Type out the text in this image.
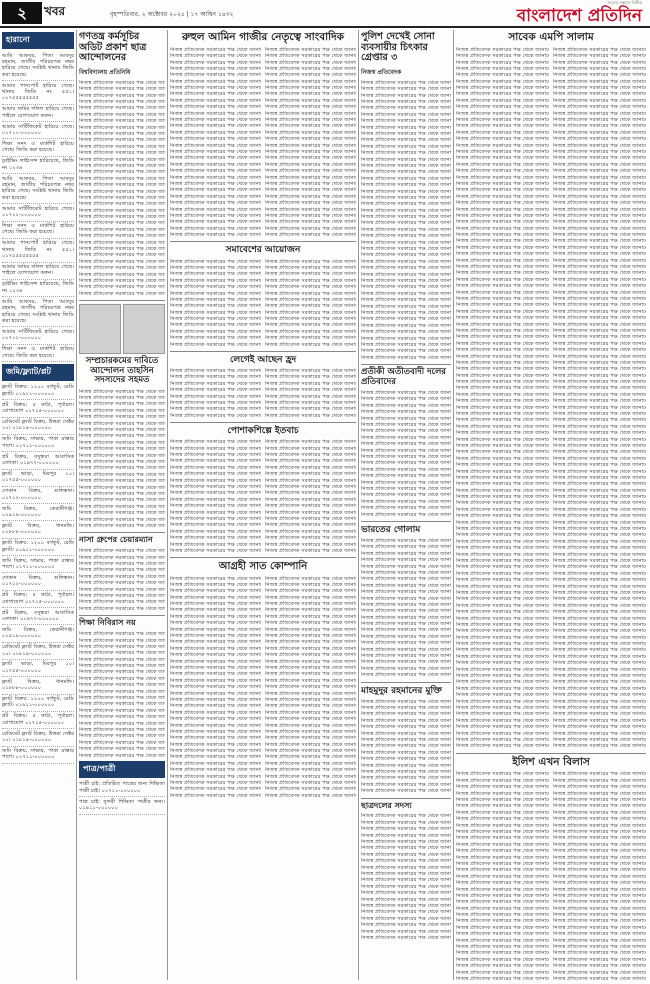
২	খবর	বৃহস্পতিবার, ২ অক্টোবর ২০২৫ | ১৭ আশ্বিন ১৪৩২
সত্যের সন্ধানে নির্ভীক
বাংলাদেশ প্রতিদিন
হারানো
আমি আকবর, পিতা আবদুর রহমান, জাতীয় পরিচয়পত্র নম্বর হারিয়ে গেছে। সংশ্লিষ্ট থানায় জিডি করা হয়েছে।
আমার পাসপোর্ট হারিয়ে গেছে। থানায় জিডি নং ৫৫১। ০১৭৫৫৫৫৫৫৫৫
আমার জমির দলিল হারিয়ে গেছে। পাইলে যোগাযোগ করুন।
আমার সার্টিফিকেট হারিয়ে গেছে। ০১৭১১-০০০০০০
শিক্ষা সনদ ও মার্কশিট হারিয়ে গেছে। জিডি করা হয়েছে।
ড্রাইভিং লাইসেন্স হারিয়েছে, জিডি নং ১২৩৪
আমি আকবর, পিতা আবদুর রহমান, জাতীয় পরিচয়পত্র নম্বর হারিয়ে গেছে। সংশ্লিষ্ট থানায় জিডি করা হয়েছে।
আমার সার্টিফিকেট হারিয়ে গেছে। ০১৭১১-০০০০০০
শিক্ষা সনদ ও মার্কশিট হারিয়ে গেছে। জিডি করা হয়েছে।
আমার পাসপোর্ট হারিয়ে গেছে। থানায় জিডি নং ৫৫১। ০১৭৫৫৫৫৫৫৫৫
আমার জমির দলিল হারিয়ে গেছে। পাইলে যোগাযোগ করুন।
ড্রাইভিং লাইসেন্স হারিয়েছে, জিডি নং ১২৩৪
আমি আকবর, পিতা আবদুর রহমান, জাতীয় পরিচয়পত্র নম্বর হারিয়ে গেছে। সংশ্লিষ্ট থানায় জিডি করা হয়েছে।
আমার সার্টিফিকেট হারিয়ে গেছে। ০১৭১১-০০০০০০
শিক্ষা সনদ ও মার্কশিট হারিয়ে গেছে। জিডি করা হয়েছে।
জমি/ফ্ল্যাট/প্লট
ফ্ল্যাট বিক্রয়: ১২০০ বর্গফুট, রেডি ফ্ল্যাট। ০১৯১১-০০০০০০
প্লট বিক্রয়: ৫ কাঠা, পূর্বাচল। যোগাযোগ ০১৭১৫-০০০০০০
রেডিমেট ফ্ল্যাট বিক্রয়, উত্তরা সেক্টর ১০। ০১৮১৯-০০০০০০
জমি বিক্রয়, সাভার, পাকা রাস্তার পাশে। ০১৭১১-০০০০০০
প্লট বিক্রয়, বসুন্ধরা আবাসিক এলাকা। ০১৯৭৭-০০০০০০
ফ্ল্যাট ভাড়া, মিরপুর ১০। ০১৭৫৫-০০০০০০
দোকান বিক্রয়, গুলিস্তান। ০১৭১২-০০০০০০
জমি বিক্রয়, কেরানীগঞ্জ। ০১৯১৯-০০০০০০
ফ্ল্যাট বিক্রয়, ধানমন্ডি। ০১৮৮৮-০০০০০০
ফ্ল্যাট বিক্রয়: ১২০০ বর্গফুট, রেডি ফ্ল্যাট। ০১৯১১-০০০০০০
জমি বিক্রয়, সাভার, পাকা রাস্তার পাশে। ০১৭১১-০০০০০০
দোকান বিক্রয়, গুলিস্তান। ০১৭১২-০০০০০০
প্লট বিক্রয়: ৫ কাঠা, পূর্বাচল। যোগাযোগ ০১৭১৫-০০০০০০
প্লট বিক্রয়, বসুন্ধরা আবাসিক এলাকা। ০১৯৭৭-০০০০০০
জমি বিক্রয়, কেরানীগঞ্জ। ০১৯১৯-০০০০০০
রেডিমেট ফ্ল্যাট বিক্রয়, উত্তরা সেক্টর ১০। ০১৮১৯-০০০০০০
ফ্ল্যাট ভাড়া, মিরপুর ১০। ০১৭৫৫-০০০০০০
ফ্ল্যাট বিক্রয়, ধানমন্ডি। ০১৮৮৮-০০০০০০
ফ্ল্যাট বিক্রয়: ১২০০ বর্গফুট, রেডি ফ্ল্যাট। ০১৯১১-০০০০০০
প্লট বিক্রয়: ৫ কাঠা, পূর্বাচল। যোগাযোগ ০১৭১৫-০০০০০০
রেডিমেট ফ্ল্যাট বিক্রয়, উত্তরা সেক্টর ১০। ০১৮১৯-০০০০০০
জমি বিক্রয়, সাভার, পাকা রাস্তার পাশে। ০১৭১১-০০০০০০
গণতন্ত্র কর্মসূচির অডিট প্রকাশ ছাত্র আন্দোলনের
বিশ্ববিদ্যালয় প্রতিনিধি
নিজস্ব প্রতিবেদক সরকারের পক্ষ থেকে জানানো হয়েছে বিষয়টি নিয়ে আলোচনা চলছে এবং দ্রুত সিদ্ধান্ত নেওয়া হবে বলে সংশ্লিষ্ট সূত্র জানিয়েছে
নিজস্ব প্রতিবেদক সরকারের পক্ষ থেকে জানানো হয়েছে বিষয়টি নিয়ে আলোচনা চলছে এবং দ্রুত সিদ্ধান্ত নেওয়া হবে বলে সংশ্লিষ্ট সূত্র জানিয়েছে
নিজস্ব প্রতিবেদক সরকারের পক্ষ থেকে জানানো হয়েছে বিষয়টি নিয়ে আলোচনা চলছে এবং দ্রুত সিদ্ধান্ত নেওয়া হবে বলে সংশ্লিষ্ট সূত্র জানিয়েছে
নিজস্ব প্রতিবেদক সরকারের পক্ষ থেকে জানানো হয়েছে বিষয়টি নিয়ে আলোচনা চলছে এবং দ্রুত সিদ্ধান্ত নেওয়া হবে বলে সংশ্লিষ্ট সূত্র জানিয়েছে
নিজস্ব প্রতিবেদক সরকারের পক্ষ থেকে জানানো হয়েছে বিষয়টি নিয়ে আলোচনা চলছে এবং দ্রুত সিদ্ধান্ত নেওয়া হবে বলে সংশ্লিষ্ট সূত্র জানিয়েছে
নিজস্ব প্রতিবেদক সরকারের পক্ষ থেকে জানানো হয়েছে বিষয়টি নিয়ে আলোচনা চলছে এবং দ্রুত সিদ্ধান্ত নেওয়া হবে বলে সংশ্লিষ্ট সূত্র জানিয়েছে
নিজস্ব প্রতিবেদক সরকারের পক্ষ থেকে জানানো হয়েছে বিষয়টি নিয়ে আলোচনা চলছে এবং দ্রুত সিদ্ধান্ত নেওয়া হবে বলে সংশ্লিষ্ট সূত্র জানিয়েছে
নিজস্ব প্রতিবেদক সরকারের পক্ষ থেকে জানানো হয়েছে বিষয়টি নিয়ে আলোচনা চলছে এবং দ্রুত সিদ্ধান্ত নেওয়া হবে বলে সংশ্লিষ্ট সূত্র জানিয়েছে
নিজস্ব প্রতিবেদক সরকারের পক্ষ থেকে জানানো হয়েছে বিষয়টি নিয়ে আলোচনা চলছে এবং দ্রুত সিদ্ধান্ত নেওয়া হবে বলে সংশ্লিষ্ট সূত্র জানিয়েছে
নিজস্ব প্রতিবেদক সরকারের পক্ষ থেকে জানানো হয়েছে বিষয়টি নিয়ে আলোচনা চলছে এবং দ্রুত সিদ্ধান্ত নেওয়া হবে বলে সংশ্লিষ্ট সূত্র জানিয়েছে
নিজস্ব প্রতিবেদক সরকারের পক্ষ থেকে জানানো হয়েছে বিষয়টি নিয়ে আলোচনা চলছে এবং দ্রুত সিদ্ধান্ত নেওয়া হবে বলে সংশ্লিষ্ট সূত্র জানিয়েছে
নিজস্ব প্রতিবেদক সরকারের পক্ষ থেকে জানানো হয়েছে বিষয়টি নিয়ে আলোচনা চলছে এবং দ্রুত সিদ্ধান্ত নেওয়া হবে বলে সংশ্লিষ্ট সূত্র জানিয়েছে
নিজস্ব প্রতিবেদক সরকারের পক্ষ থেকে জানানো হয়েছে বিষয়টি নিয়ে আলোচনা চলছে এবং দ্রুত সিদ্ধান্ত নেওয়া হবে বলে সংশ্লিষ্ট সূত্র জানিয়েছে
নিজস্ব প্রতিবেদক সরকারের পক্ষ থেকে জানানো হয়েছে বিষয়টি নিয়ে আলোচনা চলছে এবং দ্রুত সিদ্ধান্ত নেওয়া হবে বলে সংশ্লিষ্ট সূত্র জানিয়েছে
নিজস্ব প্রতিবেদক সরকারের পক্ষ থেকে জানানো হয়েছে বিষয়টি নিয়ে আলোচনা চলছে এবং দ্রুত সিদ্ধান্ত নেওয়া হবে বলে সংশ্লিষ্ট সূত্র জানিয়েছে
নিজস্ব প্রতিবেদক সরকারের পক্ষ থেকে জানানো হয়েছে বিষয়টি নিয়ে আলোচনা চলছে এবং দ্রুত সিদ্ধান্ত নেওয়া হবে বলে সংশ্লিষ্ট সূত্র জানিয়েছে
নিজস্ব প্রতিবেদক সরকারের পক্ষ থেকে জানানো হয়েছে বিষয়টি নিয়ে আলোচনা চলছে এবং দ্রুত সিদ্ধান্ত নেওয়া হবে বলে সংশ্লিষ্ট সূত্র জানিয়েছে
নিজস্ব প্রতিবেদক সরকারের পক্ষ থেকে জানানো হয়েছে বিষয়টি নিয়ে আলোচনা চলছে এবং দ্রুত সিদ্ধান্ত নেওয়া হবে বলে সংশ্লিষ্ট সূত্র জানিয়েছে
নিজস্ব প্রতিবেদক সরকারের পক্ষ থেকে জানানো হয়েছে বিষয়টি নিয়ে আলোচনা চলছে এবং দ্রুত সিদ্ধান্ত নেওয়া হবে বলে সংশ্লিষ্ট সূত্র জানিয়েছে
নিজস্ব প্রতিবেদক সরকারের পক্ষ থেকে জানানো হয়েছে বিষয়টি নিয়ে আলোচনা চলছে এবং দ্রুত সিদ্ধান্ত নেওয়া হবে বলে সংশ্লিষ্ট সূত্র জানিয়েছে
নিজস্ব প্রতিবেদক সরকারের পক্ষ থেকে জানানো হয়েছে বিষয়টি নিয়ে আলোচনা চলছে এবং দ্রুত সিদ্ধান্ত নেওয়া হবে বলে সংশ্লিষ্ট সূত্র জানিয়েছে
নিজস্ব প্রতিবেদক সরকারের পক্ষ থেকে জানানো হয়েছে বিষয়টি নিয়ে আলোচনা চলছে এবং দ্রুত সিদ্ধান্ত নেওয়া হবে বলে সংশ্লিষ্ট সূত্র জানিয়েছে
নিজস্ব প্রতিবেদক সরকারের পক্ষ থেকে জানানো হয়েছে বিষয়টি নিয়ে আলোচনা চলছে এবং দ্রুত সিদ্ধান্ত নেওয়া হবে বলে সংশ্লিষ্ট সূত্র জানিয়েছে
নিজস্ব প্রতিবেদক সরকারের পক্ষ থেকে জানানো হয়েছে বিষয়টি নিয়ে আলোচনা চলছে এবং দ্রুত সিদ্ধান্ত নেওয়া হবে বলে সংশ্লিষ্ট সূত্র জানিয়েছে
নিজস্ব প্রতিবেদক সরকারের পক্ষ থেকে জানানো হয়েছে বিষয়টি নিয়ে আলোচনা চলছে এবং দ্রুত সিদ্ধান্ত নেওয়া হবে বলে সংশ্লিষ্ট সূত্র জানিয়েছে
নিজস্ব প্রতিবেদক সরকারের পক্ষ থেকে জানানো হয়েছে বিষয়টি নিয়ে আলোচনা চলছে এবং দ্রুত সিদ্ধান্ত নেওয়া হবে বলে সংশ্লিষ্ট সূত্র জানিয়েছে
নিজস্ব প্রতিবেদক সরকারের পক্ষ থেকে জানানো হয়েছে বিষয়টি নিয়ে আলোচনা চলছে এবং দ্রুত সিদ্ধান্ত নেওয়া হবে বলে সংশ্লিষ্ট সূত্র জানিয়েছে
নিজস্ব প্রতিবেদক সরকারের পক্ষ থেকে জানানো হয়েছে বিষয়টি নিয়ে আলোচনা চলছে এবং দ্রুত সিদ্ধান্ত নেওয়া হবে বলে সংশ্লিষ্ট সূত্র জানিয়েছে
নিজস্ব প্রতিবেদক সরকারের পক্ষ থেকে জানানো হয়েছে বিষয়টি নিয়ে আলোচনা চলছে এবং দ্রুত সিদ্ধান্ত নেওয়া হবে বলে সংশ্লিষ্ট সূত্র জানিয়েছে
নিজস্ব প্রতিবেদক সরকারের পক্ষ থেকে জানানো হয়েছে বিষয়টি নিয়ে আলোচনা চলছে এবং দ্রুত সিদ্ধান্ত নেওয়া হবে বলে সংশ্লিষ্ট সূত্র জানিয়েছে
নিজস্ব প্রতিবেদক সরকারের পক্ষ থেকে জানানো হয়েছে বিষয়টি নিয়ে আলোচনা চলছে এবং দ্রুত সিদ্ধান্ত নেওয়া হবে বলে সংশ্লিষ্ট সূত্র জানিয়েছে
নিজস্ব প্রতিবেদক সরকারের পক্ষ থেকে জানানো হয়েছে বিষয়টি নিয়ে আলোচনা চলছে এবং দ্রুত সিদ্ধান্ত নেওয়া হবে বলে সংশ্লিষ্ট সূত্র জানিয়েছে
নিজস্ব প্রতিবেদক সরকারের পক্ষ থেকে জানানো হয়েছে বিষয়টি নিয়ে আলোচনা চলছে এবং দ্রুত সিদ্ধান্ত নেওয়া হবে বলে সংশ্লিষ্ট সূত্র জানিয়েছে
নিজস্ব প্রতিবেদক সরকারের পক্ষ থেকে জানানো হয়েছে বিষয়টি নিয়ে আলোচনা চলছে এবং দ্রুত সিদ্ধান্ত নেওয়া হবে বলে সংশ্লিষ্ট সূত্র জানিয়েছে
সম্প্রচারকমের দাবিতে আন্দোলন তাহসিন সদস্যদের সহমত
নিজস্ব প্রতিবেদক সরকারের পক্ষ থেকে জানানো হয়েছে বিষয়টি নিয়ে আলোচনা চলছে এবং দ্রুত সিদ্ধান্ত নেওয়া হবে বলে সংশ্লিষ্ট সূত্র জানিয়েছে
নিজস্ব প্রতিবেদক সরকারের পক্ষ থেকে জানানো হয়েছে বিষয়টি নিয়ে আলোচনা চলছে এবং দ্রুত সিদ্ধান্ত নেওয়া হবে বলে সংশ্লিষ্ট সূত্র জানিয়েছে
নিজস্ব প্রতিবেদক সরকারের পক্ষ থেকে জানানো হয়েছে বিষয়টি নিয়ে আলোচনা চলছে এবং দ্রুত সিদ্ধান্ত নেওয়া হবে বলে সংশ্লিষ্ট সূত্র জানিয়েছে
নিজস্ব প্রতিবেদক সরকারের পক্ষ থেকে জানানো হয়েছে বিষয়টি নিয়ে আলোচনা চলছে এবং দ্রুত সিদ্ধান্ত নেওয়া হবে বলে সংশ্লিষ্ট সূত্র জানিয়েছে
নিজস্ব প্রতিবেদক সরকারের পক্ষ থেকে জানানো হয়েছে বিষয়টি নিয়ে আলোচনা চলছে এবং দ্রুত সিদ্ধান্ত নেওয়া হবে বলে সংশ্লিষ্ট সূত্র জানিয়েছে
নিজস্ব প্রতিবেদক সরকারের পক্ষ থেকে জানানো হয়েছে বিষয়টি নিয়ে আলোচনা চলছে এবং দ্রুত সিদ্ধান্ত নেওয়া হবে বলে সংশ্লিষ্ট সূত্র জানিয়েছে
নিজস্ব প্রতিবেদক সরকারের পক্ষ থেকে জানানো হয়েছে বিষয়টি নিয়ে আলোচনা চলছে এবং দ্রুত সিদ্ধান্ত নেওয়া হবে বলে সংশ্লিষ্ট সূত্র জানিয়েছে
নিজস্ব প্রতিবেদক সরকারের পক্ষ থেকে জানানো হয়েছে বিষয়টি নিয়ে আলোচনা চলছে এবং দ্রুত সিদ্ধান্ত নেওয়া হবে বলে সংশ্লিষ্ট সূত্র জানিয়েছে
নিজস্ব প্রতিবেদক সরকারের পক্ষ থেকে জানানো হয়েছে বিষয়টি নিয়ে আলোচনা চলছে এবং দ্রুত সিদ্ধান্ত নেওয়া হবে বলে সংশ্লিষ্ট সূত্র জানিয়েছে
নিজস্ব প্রতিবেদক সরকারের পক্ষ থেকে জানানো হয়েছে বিষয়টি নিয়ে আলোচনা চলছে এবং দ্রুত সিদ্ধান্ত নেওয়া হবে বলে সংশ্লিষ্ট সূত্র জানিয়েছে
নিজস্ব প্রতিবেদক সরকারের পক্ষ থেকে জানানো হয়েছে বিষয়টি নিয়ে আলোচনা চলছে এবং দ্রুত সিদ্ধান্ত নেওয়া হবে বলে সংশ্লিষ্ট সূত্র জানিয়েছে
নিজস্ব প্রতিবেদক সরকারের পক্ষ থেকে জানানো হয়েছে বিষয়টি নিয়ে আলোচনা চলছে এবং দ্রুত সিদ্ধান্ত নেওয়া হবে বলে সংশ্লিষ্ট সূত্র জানিয়েছে
নিজস্ব প্রতিবেদক সরকারের পক্ষ থেকে জানানো হয়েছে বিষয়টি নিয়ে আলোচনা চলছে এবং দ্রুত সিদ্ধান্ত নেওয়া হবে বলে সংশ্লিষ্ট সূত্র জানিয়েছে
নিজস্ব প্রতিবেদক সরকারের পক্ষ থেকে জানানো হয়েছে বিষয়টি নিয়ে আলোচনা চলছে এবং দ্রুত সিদ্ধান্ত নেওয়া হবে বলে সংশ্লিষ্ট সূত্র জানিয়েছে
নিজস্ব প্রতিবেদক সরকারের পক্ষ থেকে জানানো হয়েছে বিষয়টি নিয়ে আলোচনা চলছে এবং দ্রুত সিদ্ধান্ত নেওয়া হবে বলে সংশ্লিষ্ট সূত্র জানিয়েছে
নিজস্ব প্রতিবেদক সরকারের পক্ষ থেকে জানানো হয়েছে বিষয়টি নিয়ে আলোচনা চলছে এবং দ্রুত সিদ্ধান্ত নেওয়া হবে বলে সংশ্লিষ্ট সূত্র জানিয়েছে
নিজস্ব প্রতিবেদক সরকারের পক্ষ থেকে জানানো হয়েছে বিষয়টি নিয়ে আলোচনা চলছে এবং দ্রুত সিদ্ধান্ত নেওয়া হবে বলে সংশ্লিষ্ট সূত্র জানিয়েছে
নিজস্ব প্রতিবেদক সরকারের পক্ষ থেকে জানানো হয়েছে বিষয়টি নিয়ে আলোচনা চলছে এবং দ্রুত সিদ্ধান্ত নেওয়া হবে বলে সংশ্লিষ্ট সূত্র জানিয়েছে
নিজস্ব প্রতিবেদক সরকারের পক্ষ থেকে জানানো হয়েছে বিষয়টি নিয়ে আলোচনা চলছে এবং দ্রুত সিদ্ধান্ত নেওয়া হবে বলে সংশ্লিষ্ট সূত্র জানিয়েছে
নিজস্ব প্রতিবেদক সরকারের পক্ষ থেকে জানানো হয়েছে বিষয়টি নিয়ে আলোচনা চলছে এবং দ্রুত সিদ্ধান্ত নেওয়া হবে বলে সংশ্লিষ্ট সূত্র জানিয়েছে
নিজস্ব প্রতিবেদক সরকারের পক্ষ থেকে জানানো হয়েছে বিষয়টি নিয়ে আলোচনা চলছে এবং দ্রুত সিদ্ধান্ত নেওয়া হবে বলে সংশ্লিষ্ট সূত্র জানিয়েছে
নিজস্ব প্রতিবেদক সরকারের পক্ষ থেকে জানানো হয়েছে বিষয়টি নিয়ে আলোচনা চলছে এবং দ্রুত সিদ্ধান্ত নেওয়া হবে বলে সংশ্লিষ্ট সূত্র জানিয়েছে
নাসা গ্রুপের চেয়ারম্যান
নিজস্ব প্রতিবেদক সরকারের পক্ষ থেকে জানানো হয়েছে বিষয়টি নিয়ে আলোচনা চলছে এবং দ্রুত সিদ্ধান্ত নেওয়া হবে বলে সংশ্লিষ্ট সূত্র জানিয়েছে
নিজস্ব প্রতিবেদক সরকারের পক্ষ থেকে জানানো হয়েছে বিষয়টি নিয়ে আলোচনা চলছে এবং দ্রুত সিদ্ধান্ত নেওয়া হবে বলে সংশ্লিষ্ট সূত্র জানিয়েছে
নিজস্ব প্রতিবেদক সরকারের পক্ষ থেকে জানানো হয়েছে বিষয়টি নিয়ে আলোচনা চলছে এবং দ্রুত সিদ্ধান্ত নেওয়া হবে বলে সংশ্লিষ্ট সূত্র জানিয়েছে
নিজস্ব প্রতিবেদক সরকারের পক্ষ থেকে জানানো হয়েছে বিষয়টি নিয়ে আলোচনা চলছে এবং দ্রুত সিদ্ধান্ত নেওয়া হবে বলে সংশ্লিষ্ট সূত্র জানিয়েছে
নিজস্ব প্রতিবেদক সরকারের পক্ষ থেকে জানানো হয়েছে বিষয়টি নিয়ে আলোচনা চলছে এবং দ্রুত সিদ্ধান্ত নেওয়া হবে বলে সংশ্লিষ্ট সূত্র জানিয়েছে
নিজস্ব প্রতিবেদক সরকারের পক্ষ থেকে জানানো হয়েছে বিষয়টি নিয়ে আলোচনা চলছে এবং দ্রুত সিদ্ধান্ত নেওয়া হবে বলে সংশ্লিষ্ট সূত্র জানিয়েছে
নিজস্ব প্রতিবেদক সরকারের পক্ষ থেকে জানানো হয়েছে বিষয়টি নিয়ে আলোচনা চলছে এবং দ্রুত সিদ্ধান্ত নেওয়া হবে বলে সংশ্লিষ্ট সূত্র জানিয়েছে
নিজস্ব প্রতিবেদক সরকারের পক্ষ থেকে জানানো হয়েছে বিষয়টি নিয়ে আলোচনা চলছে এবং দ্রুত সিদ্ধান্ত নেওয়া হবে বলে সংশ্লিষ্ট সূত্র জানিয়েছে
নিজস্ব প্রতিবেদক সরকারের পক্ষ থেকে জানানো হয়েছে বিষয়টি নিয়ে আলোচনা চলছে এবং দ্রুত সিদ্ধান্ত নেওয়া হবে বলে সংশ্লিষ্ট সূত্র জানিয়েছে
নিজস্ব প্রতিবেদক সরকারের পক্ষ থেকে জানানো হয়েছে বিষয়টি নিয়ে আলোচনা চলছে এবং দ্রুত সিদ্ধান্ত নেওয়া হবে বলে সংশ্লিষ্ট সূত্র জানিয়েছে
শিক্ষা নিবিরাস নয়
নিজস্ব প্রতিবেদক সরকারের পক্ষ থেকে জানানো হয়েছে বিষয়টি নিয়ে আলোচনা চলছে এবং দ্রুত সিদ্ধান্ত নেওয়া হবে বলে সংশ্লিষ্ট সূত্র জানিয়েছে
নিজস্ব প্রতিবেদক সরকারের পক্ষ থেকে জানানো হয়েছে বিষয়টি নিয়ে আলোচনা চলছে এবং দ্রুত সিদ্ধান্ত নেওয়া হবে বলে সংশ্লিষ্ট সূত্র জানিয়েছে
নিজস্ব প্রতিবেদক সরকারের পক্ষ থেকে জানানো হয়েছে বিষয়টি নিয়ে আলোচনা চলছে এবং দ্রুত সিদ্ধান্ত নেওয়া হবে বলে সংশ্লিষ্ট সূত্র জানিয়েছে
নিজস্ব প্রতিবেদক সরকারের পক্ষ থেকে জানানো হয়েছে বিষয়টি নিয়ে আলোচনা চলছে এবং দ্রুত সিদ্ধান্ত নেওয়া হবে বলে সংশ্লিষ্ট সূত্র জানিয়েছে
নিজস্ব প্রতিবেদক সরকারের পক্ষ থেকে জানানো হয়েছে বিষয়টি নিয়ে আলোচনা চলছে এবং দ্রুত সিদ্ধান্ত নেওয়া হবে বলে সংশ্লিষ্ট সূত্র জানিয়েছে
নিজস্ব প্রতিবেদক সরকারের পক্ষ থেকে জানানো হয়েছে বিষয়টি নিয়ে আলোচনা চলছে এবং দ্রুত সিদ্ধান্ত নেওয়া হবে বলে সংশ্লিষ্ট সূত্র জানিয়েছে
নিজস্ব প্রতিবেদক সরকারের পক্ষ থেকে জানানো হয়েছে বিষয়টি নিয়ে আলোচনা চলছে এবং দ্রুত সিদ্ধান্ত নেওয়া হবে বলে সংশ্লিষ্ট সূত্র জানিয়েছে
নিজস্ব প্রতিবেদক সরকারের পক্ষ থেকে জানানো হয়েছে বিষয়টি নিয়ে আলোচনা চলছে এবং দ্রুত সিদ্ধান্ত নেওয়া হবে বলে সংশ্লিষ্ট সূত্র জানিয়েছে
নিজস্ব প্রতিবেদক সরকারের পক্ষ থেকে জানানো হয়েছে বিষয়টি নিয়ে আলোচনা চলছে এবং দ্রুত সিদ্ধান্ত নেওয়া হবে বলে সংশ্লিষ্ট সূত্র জানিয়েছে
নিজস্ব প্রতিবেদক সরকারের পক্ষ থেকে জানানো হয়েছে বিষয়টি নিয়ে আলোচনা চলছে এবং দ্রুত সিদ্ধান্ত নেওয়া হবে বলে সংশ্লিষ্ট সূত্র জানিয়েছে
নিজস্ব প্রতিবেদক সরকারের পক্ষ থেকে জানানো হয়েছে বিষয়টি নিয়ে আলোচনা চলছে এবং দ্রুত সিদ্ধান্ত নেওয়া হবে বলে সংশ্লিষ্ট সূত্র জানিয়েছে
নিজস্ব প্রতিবেদক সরকারের পক্ষ থেকে জানানো হয়েছে বিষয়টি নিয়ে আলোচনা চলছে এবং দ্রুত সিদ্ধান্ত নেওয়া হবে বলে সংশ্লিষ্ট সূত্র জানিয়েছে
নিজস্ব প্রতিবেদক সরকারের পক্ষ থেকে জানানো হয়েছে বিষয়টি নিয়ে আলোচনা চলছে এবং দ্রুত সিদ্ধান্ত নেওয়া হবে বলে সংশ্লিষ্ট সূত্র জানিয়েছে
নিজস্ব প্রতিবেদক সরকারের পক্ষ থেকে জানানো হয়েছে বিষয়টি নিয়ে আলোচনা চলছে এবং দ্রুত সিদ্ধান্ত নেওয়া হবে বলে সংশ্লিষ্ট সূত্র জানিয়েছে
নিজস্ব প্রতিবেদক সরকারের পক্ষ থেকে জানানো হয়েছে বিষয়টি নিয়ে আলোচনা চলছে এবং দ্রুত সিদ্ধান্ত নেওয়া হবে বলে সংশ্লিষ্ট সূত্র জানিয়েছে
নিজস্ব প্রতিবেদক সরকারের পক্ষ থেকে জানানো হয়েছে বিষয়টি নিয়ে আলোচনা চলছে এবং দ্রুত সিদ্ধান্ত নেওয়া হবে বলে সংশ্লিষ্ট সূত্র জানিয়েছে
নিজস্ব প্রতিবেদক সরকারের পক্ষ থেকে জানানো হয়েছে বিষয়টি নিয়ে আলোচনা চলছে এবং দ্রুত সিদ্ধান্ত নেওয়া হবে বলে সংশ্লিষ্ট সূত্র জানিয়েছে
নিজস্ব প্রতিবেদক সরকারের পক্ষ থেকে জানানো হয়েছে বিষয়টি নিয়ে আলোচনা চলছে এবং দ্রুত সিদ্ধান্ত নেওয়া হবে বলে সংশ্লিষ্ট সূত্র জানিয়েছে
নিজস্ব প্রতিবেদক সরকারের পক্ষ থেকে জানানো হয়েছে বিষয়টি নিয়ে আলোচনা চলছে এবং দ্রুত সিদ্ধান্ত নেওয়া হবে বলে সংশ্লিষ্ট সূত্র জানিয়েছে
নিজস্ব প্রতিবেদক সরকারের পক্ষ থেকে জানানো হয়েছে বিষয়টি নিয়ে আলোচনা চলছে এবং দ্রুত সিদ্ধান্ত নেওয়া হবে বলে সংশ্লিষ্ট সূত্র জানিয়েছে
পাত্র/পাত্রী
পাত্রী চাই: প্রতিষ্ঠিত পাত্রের জন্য শিক্ষিতা পাত্রী চাই। ০১৭১১-০০০০০০
পাত্র চাই: সুন্দরী শিক্ষিতা পাত্রীর জন্য। ০১৯১১-০০০০০০
রুহুল আমিন গাজীর নেতৃত্বে সাংবাদিক
নিজস্ব প্রতিবেদক সরকারের পক্ষ থেকে জানানো হয়েছে বিষয়টি নিয়ে আলোচনা চলছে এবং দ্রুত সিদ্ধান্ত নেওয়া হবে বলে সংশ্লিষ্ট সূত্র জানিয়েছে
নিজস্ব প্রতিবেদক সরকারের পক্ষ থেকে জানানো হয়েছে বিষয়টি নিয়ে আলোচনা চলছে এবং দ্রুত সিদ্ধান্ত নেওয়া হবে বলে সংশ্লিষ্ট সূত্র জানিয়েছে
নিজস্ব প্রতিবেদক সরকারের পক্ষ থেকে জানানো হয়েছে বিষয়টি নিয়ে আলোচনা চলছে এবং দ্রুত সিদ্ধান্ত নেওয়া হবে বলে সংশ্লিষ্ট সূত্র জানিয়েছে
নিজস্ব প্রতিবেদক সরকারের পক্ষ থেকে জানানো হয়েছে বিষয়টি নিয়ে আলোচনা চলছে এবং দ্রুত সিদ্ধান্ত নেওয়া হবে বলে সংশ্লিষ্ট সূত্র জানিয়েছে
নিজস্ব প্রতিবেদক সরকারের পক্ষ থেকে জানানো হয়েছে বিষয়টি নিয়ে আলোচনা চলছে এবং দ্রুত সিদ্ধান্ত নেওয়া হবে বলে সংশ্লিষ্ট সূত্র জানিয়েছে
নিজস্ব প্রতিবেদক সরকারের পক্ষ থেকে জানানো হয়েছে বিষয়টি নিয়ে আলোচনা চলছে এবং দ্রুত সিদ্ধান্ত নেওয়া হবে বলে সংশ্লিষ্ট সূত্র জানিয়েছে
নিজস্ব প্রতিবেদক সরকারের পক্ষ থেকে জানানো হয়েছে বিষয়টি নিয়ে আলোচনা চলছে এবং দ্রুত সিদ্ধান্ত নেওয়া হবে বলে সংশ্লিষ্ট সূত্র জানিয়েছে
নিজস্ব প্রতিবেদক সরকারের পক্ষ থেকে জানানো হয়েছে বিষয়টি নিয়ে আলোচনা চলছে এবং দ্রুত সিদ্ধান্ত নেওয়া হবে বলে সংশ্লিষ্ট সূত্র জানিয়েছে
নিজস্ব প্রতিবেদক সরকারের পক্ষ থেকে জানানো হয়েছে বিষয়টি নিয়ে আলোচনা চলছে এবং দ্রুত সিদ্ধান্ত নেওয়া হবে বলে সংশ্লিষ্ট সূত্র জানিয়েছে
নিজস্ব প্রতিবেদক সরকারের পক্ষ থেকে জানানো হয়েছে বিষয়টি নিয়ে আলোচনা চলছে এবং দ্রুত সিদ্ধান্ত নেওয়া হবে বলে সংশ্লিষ্ট সূত্র জানিয়েছে
নিজস্ব প্রতিবেদক সরকারের পক্ষ থেকে জানানো হয়েছে বিষয়টি নিয়ে আলোচনা চলছে এবং দ্রুত সিদ্ধান্ত নেওয়া হবে বলে সংশ্লিষ্ট সূত্র জানিয়েছে
নিজস্ব প্রতিবেদক সরকারের পক্ষ থেকে জানানো হয়েছে বিষয়টি নিয়ে আলোচনা চলছে এবং দ্রুত সিদ্ধান্ত নেওয়া হবে বলে সংশ্লিষ্ট সূত্র জানিয়েছে
নিজস্ব প্রতিবেদক সরকারের পক্ষ থেকে জানানো হয়েছে বিষয়টি নিয়ে আলোচনা চলছে এবং দ্রুত সিদ্ধান্ত নেওয়া হবে বলে সংশ্লিষ্ট সূত্র জানিয়েছে
নিজস্ব প্রতিবেদক সরকারের পক্ষ থেকে জানানো হয়েছে বিষয়টি নিয়ে আলোচনা চলছে এবং দ্রুত সিদ্ধান্ত নেওয়া হবে বলে সংশ্লিষ্ট সূত্র জানিয়েছে
নিজস্ব প্রতিবেদক সরকারের পক্ষ থেকে জানানো হয়েছে বিষয়টি নিয়ে আলোচনা চলছে এবং দ্রুত সিদ্ধান্ত নেওয়া হবে বলে সংশ্লিষ্ট সূত্র জানিয়েছে
নিজস্ব প্রতিবেদক সরকারের পক্ষ থেকে জানানো হয়েছে বিষয়টি নিয়ে আলোচনা চলছে এবং দ্রুত সিদ্ধান্ত নেওয়া হবে বলে সংশ্লিষ্ট সূত্র জানিয়েছে
নিজস্ব প্রতিবেদক সরকারের পক্ষ থেকে জানানো হয়েছে বিষয়টি নিয়ে আলোচনা চলছে এবং দ্রুত সিদ্ধান্ত নেওয়া হবে বলে সংশ্লিষ্ট সূত্র জানিয়েছে
নিজস্ব প্রতিবেদক সরকারের পক্ষ থেকে জানানো হয়েছে বিষয়টি নিয়ে আলোচনা চলছে এবং দ্রুত সিদ্ধান্ত নেওয়া হবে বলে সংশ্লিষ্ট সূত্র জানিয়েছে
নিজস্ব প্রতিবেদক সরকারের পক্ষ থেকে জানানো হয়েছে বিষয়টি নিয়ে আলোচনা চলছে এবং দ্রুত সিদ্ধান্ত নেওয়া হবে বলে সংশ্লিষ্ট সূত্র জানিয়েছে
নিজস্ব প্রতিবেদক সরকারের পক্ষ থেকে জানানো হয়েছে বিষয়টি নিয়ে আলোচনা চলছে এবং দ্রুত সিদ্ধান্ত নেওয়া হবে বলে সংশ্লিষ্ট সূত্র জানিয়েছে
নিজস্ব প্রতিবেদক সরকারের পক্ষ থেকে জানানো হয়েছে বিষয়টি নিয়ে আলোচনা চলছে এবং দ্রুত সিদ্ধান্ত নেওয়া হবে বলে সংশ্লিষ্ট সূত্র জানিয়েছে
নিজস্ব প্রতিবেদক সরকারের পক্ষ থেকে জানানো হয়েছে বিষয়টি নিয়ে আলোচনা চলছে এবং দ্রুত সিদ্ধান্ত নেওয়া হবে বলে সংশ্লিষ্ট সূত্র জানিয়েছে
নিজস্ব প্রতিবেদক সরকারের পক্ষ থেকে জানানো হয়েছে বিষয়টি নিয়ে আলোচনা চলছে এবং দ্রুত সিদ্ধান্ত নেওয়া হবে বলে সংশ্লিষ্ট সূত্র জানিয়েছে
নিজস্ব প্রতিবেদক সরকারের পক্ষ থেকে জানানো হয়েছে বিষয়টি নিয়ে আলোচনা চলছে এবং দ্রুত সিদ্ধান্ত নেওয়া হবে বলে সংশ্লিষ্ট সূত্র জানিয়েছে
নিজস্ব প্রতিবেদক সরকারের পক্ষ থেকে জানানো হয়েছে বিষয়টি নিয়ে আলোচনা চলছে এবং দ্রুত সিদ্ধান্ত নেওয়া হবে বলে সংশ্লিষ্ট সূত্র জানিয়েছে
নিজস্ব প্রতিবেদক সরকারের পক্ষ থেকে জানানো হয়েছে বিষয়টি নিয়ে আলোচনা চলছে এবং দ্রুত সিদ্ধান্ত নেওয়া হবে বলে সংশ্লিষ্ট সূত্র জানিয়েছে
নিজস্ব প্রতিবেদক সরকারের পক্ষ থেকে জানানো হয়েছে বিষয়টি নিয়ে আলোচনা চলছে এবং দ্রুত সিদ্ধান্ত নেওয়া হবে বলে সংশ্লিষ্ট সূত্র জানিয়েছে
নিজস্ব প্রতিবেদক সরকারের পক্ষ থেকে জানানো হয়েছে বিষয়টি নিয়ে আলোচনা চলছে এবং দ্রুত সিদ্ধান্ত নেওয়া হবে বলে সংশ্লিষ্ট সূত্র জানিয়েছে
নিজস্ব প্রতিবেদক সরকারের পক্ষ থেকে জানানো হয়েছে বিষয়টি নিয়ে আলোচনা চলছে এবং দ্রুত সিদ্ধান্ত নেওয়া হবে বলে সংশ্লিষ্ট সূত্র জানিয়েছে
নিজস্ব প্রতিবেদক সরকারের পক্ষ থেকে জানানো হয়েছে বিষয়টি নিয়ে আলোচনা চলছে এবং দ্রুত সিদ্ধান্ত নেওয়া হবে বলে সংশ্লিষ্ট সূত্র জানিয়েছে
নিজস্ব প্রতিবেদক সরকারের পক্ষ থেকে জানানো হয়েছে বিষয়টি নিয়ে আলোচনা চলছে এবং দ্রুত সিদ্ধান্ত নেওয়া হবে বলে সংশ্লিষ্ট সূত্র জানিয়েছে
নিজস্ব প্রতিবেদক সরকারের পক্ষ থেকে জানানো হয়েছে বিষয়টি নিয়ে আলোচনা চলছে এবং দ্রুত সিদ্ধান্ত নেওয়া হবে বলে সংশ্লিষ্ট সূত্র জানিয়েছে
নিজস্ব প্রতিবেদক সরকারের পক্ষ থেকে জানানো হয়েছে বিষয়টি নিয়ে আলোচনা চলছে এবং দ্রুত সিদ্ধান্ত নেওয়া হবে বলে সংশ্লিষ্ট সূত্র জানিয়েছে
নিজস্ব প্রতিবেদক সরকারের পক্ষ থেকে জানানো হয়েছে বিষয়টি নিয়ে আলোচনা চলছে এবং দ্রুত সিদ্ধান্ত নেওয়া হবে বলে সংশ্লিষ্ট সূত্র জানিয়েছে
নিজস্ব প্রতিবেদক সরকারের পক্ষ থেকে জানানো হয়েছে বিষয়টি নিয়ে আলোচনা চলছে এবং দ্রুত সিদ্ধান্ত নেওয়া হবে বলে সংশ্লিষ্ট সূত্র জানিয়েছে
নিজস্ব প্রতিবেদক সরকারের পক্ষ থেকে জানানো হয়েছে বিষয়টি নিয়ে আলোচনা চলছে এবং দ্রুত সিদ্ধান্ত নেওয়া হবে বলে সংশ্লিষ্ট সূত্র জানিয়েছে
নিজস্ব প্রতিবেদক সরকারের পক্ষ থেকে জানানো হয়েছে বিষয়টি নিয়ে আলোচনা চলছে এবং দ্রুত সিদ্ধান্ত নেওয়া হবে বলে সংশ্লিষ্ট সূত্র জানিয়েছে
নিজস্ব প্রতিবেদক সরকারের পক্ষ থেকে জানানো হয়েছে বিষয়টি নিয়ে আলোচনা চলছে এবং দ্রুত সিদ্ধান্ত নেওয়া হবে বলে সংশ্লিষ্ট সূত্র জানিয়েছে
নিজস্ব প্রতিবেদক সরকারের পক্ষ থেকে জানানো হয়েছে বিষয়টি নিয়ে আলোচনা চলছে এবং দ্রুত সিদ্ধান্ত নেওয়া হবে বলে সংশ্লিষ্ট সূত্র জানিয়েছে
নিজস্ব প্রতিবেদক সরকারের পক্ষ থেকে জানানো হয়েছে বিষয়টি নিয়ে আলোচনা চলছে এবং দ্রুত সিদ্ধান্ত নেওয়া হবে বলে সংশ্লিষ্ট সূত্র জানিয়েছে
নিজস্ব প্রতিবেদক সরকারের পক্ষ থেকে জানানো হয়েছে বিষয়টি নিয়ে আলোচনা চলছে এবং দ্রুত সিদ্ধান্ত নেওয়া হবে বলে সংশ্লিষ্ট সূত্র জানিয়েছে
নিজস্ব প্রতিবেদক সরকারের পক্ষ থেকে জানানো হয়েছে বিষয়টি নিয়ে আলোচনা চলছে এবং দ্রুত সিদ্ধান্ত নেওয়া হবে বলে সংশ্লিষ্ট সূত্র জানিয়েছে
নিজস্ব প্রতিবেদক সরকারের পক্ষ থেকে জানানো হয়েছে বিষয়টি নিয়ে আলোচনা চলছে এবং দ্রুত সিদ্ধান্ত নেওয়া হবে বলে সংশ্লিষ্ট সূত্র জানিয়েছে
নিজস্ব প্রতিবেদক সরকারের পক্ষ থেকে জানানো হয়েছে বিষয়টি নিয়ে আলোচনা চলছে এবং দ্রুত সিদ্ধান্ত নেওয়া হবে বলে সংশ্লিষ্ট সূত্র জানিয়েছে
নিজস্ব প্রতিবেদক সরকারের পক্ষ থেকে জানানো হয়েছে বিষয়টি নিয়ে আলোচনা চলছে এবং দ্রুত সিদ্ধান্ত নেওয়া হবে বলে সংশ্লিষ্ট সূত্র জানিয়েছে
নিজস্ব প্রতিবেদক সরকারের পক্ষ থেকে জানানো হয়েছে বিষয়টি নিয়ে আলোচনা চলছে এবং দ্রুত সিদ্ধান্ত নেওয়া হবে বলে সংশ্লিষ্ট সূত্র জানিয়েছে
নিজস্ব প্রতিবেদক সরকারের পক্ষ থেকে জানানো হয়েছে বিষয়টি নিয়ে আলোচনা চলছে এবং দ্রুত সিদ্ধান্ত নেওয়া হবে বলে সংশ্লিষ্ট সূত্র জানিয়েছে
নিজস্ব প্রতিবেদক সরকারের পক্ষ থেকে জানানো হয়েছে বিষয়টি নিয়ে আলোচনা চলছে এবং দ্রুত সিদ্ধান্ত নেওয়া হবে বলে সংশ্লিষ্ট সূত্র জানিয়েছে
নিজস্ব প্রতিবেদক সরকারের পক্ষ থেকে জানানো হয়েছে বিষয়টি নিয়ে আলোচনা চলছে এবং দ্রুত সিদ্ধান্ত নেওয়া হবে বলে সংশ্লিষ্ট সূত্র জানিয়েছে
নিজস্ব প্রতিবেদক সরকারের পক্ষ থেকে জানানো হয়েছে বিষয়টি নিয়ে আলোচনা চলছে এবং দ্রুত সিদ্ধান্ত নেওয়া হবে বলে সংশ্লিষ্ট সূত্র জানিয়েছে
নিজস্ব প্রতিবেদক সরকারের পক্ষ থেকে জানানো হয়েছে বিষয়টি নিয়ে আলোচনা চলছে এবং দ্রুত সিদ্ধান্ত নেওয়া হবে বলে সংশ্লিষ্ট সূত্র জানিয়েছে
নিজস্ব প্রতিবেদক সরকারের পক্ষ থেকে জানানো হয়েছে বিষয়টি নিয়ে আলোচনা চলছে এবং দ্রুত সিদ্ধান্ত নেওয়া হবে বলে সংশ্লিষ্ট সূত্র জানিয়েছে
নিজস্ব প্রতিবেদক সরকারের পক্ষ থেকে জানানো হয়েছে বিষয়টি নিয়ে আলোচনা চলছে এবং দ্রুত সিদ্ধান্ত নেওয়া হবে বলে সংশ্লিষ্ট সূত্র জানিয়েছে
নিজস্ব প্রতিবেদক সরকারের পক্ষ থেকে জানানো হয়েছে বিষয়টি নিয়ে আলোচনা চলছে এবং দ্রুত সিদ্ধান্ত নেওয়া হবে বলে সংশ্লিষ্ট সূত্র জানিয়েছে
নিজস্ব প্রতিবেদক সরকারের পক্ষ থেকে জানানো হয়েছে বিষয়টি নিয়ে আলোচনা চলছে এবং দ্রুত সিদ্ধান্ত নেওয়া হবে বলে সংশ্লিষ্ট সূত্র জানিয়েছে
নিজস্ব প্রতিবেদক সরকারের পক্ষ থেকে জানানো হয়েছে বিষয়টি নিয়ে আলোচনা চলছে এবং দ্রুত সিদ্ধান্ত নেওয়া হবে বলে সংশ্লিষ্ট সূত্র জানিয়েছে
নিজস্ব প্রতিবেদক সরকারের পক্ষ থেকে জানানো হয়েছে বিষয়টি নিয়ে আলোচনা চলছে এবং দ্রুত সিদ্ধান্ত নেওয়া হবে বলে সংশ্লিষ্ট সূত্র জানিয়েছে
নিজস্ব প্রতিবেদক সরকারের পক্ষ থেকে জানানো হয়েছে বিষয়টি নিয়ে আলোচনা চলছে এবং দ্রুত সিদ্ধান্ত নেওয়া হবে বলে সংশ্লিষ্ট সূত্র জানিয়েছে
নিজস্ব প্রতিবেদক সরকারের পক্ষ থেকে জানানো হয়েছে বিষয়টি নিয়ে আলোচনা চলছে এবং দ্রুত সিদ্ধান্ত নেওয়া হবে বলে সংশ্লিষ্ট সূত্র জানিয়েছে
নিজস্ব প্রতিবেদক সরকারের পক্ষ থেকে জানানো হয়েছে বিষয়টি নিয়ে আলোচনা চলছে এবং দ্রুত সিদ্ধান্ত নেওয়া হবে বলে সংশ্লিষ্ট সূত্র জানিয়েছে
সমাবেশের আয়োজন
নিজস্ব প্রতিবেদক সরকারের পক্ষ থেকে জানানো হয়েছে বিষয়টি নিয়ে আলোচনা চলছে এবং দ্রুত সিদ্ধান্ত নেওয়া হবে বলে সংশ্লিষ্ট সূত্র জানিয়েছে
নিজস্ব প্রতিবেদক সরকারের পক্ষ থেকে জানানো হয়েছে বিষয়টি নিয়ে আলোচনা চলছে এবং দ্রুত সিদ্ধান্ত নেওয়া হবে বলে সংশ্লিষ্ট সূত্র জানিয়েছে
নিজস্ব প্রতিবেদক সরকারের পক্ষ থেকে জানানো হয়েছে বিষয়টি নিয়ে আলোচনা চলছে এবং দ্রুত সিদ্ধান্ত নেওয়া হবে বলে সংশ্লিষ্ট সূত্র জানিয়েছে
নিজস্ব প্রতিবেদক সরকারের পক্ষ থেকে জানানো হয়েছে বিষয়টি নিয়ে আলোচনা চলছে এবং দ্রুত সিদ্ধান্ত নেওয়া হবে বলে সংশ্লিষ্ট সূত্র জানিয়েছে
নিজস্ব প্রতিবেদক সরকারের পক্ষ থেকে জানানো হয়েছে বিষয়টি নিয়ে আলোচনা চলছে এবং দ্রুত সিদ্ধান্ত নেওয়া হবে বলে সংশ্লিষ্ট সূত্র জানিয়েছে
নিজস্ব প্রতিবেদক সরকারের পক্ষ থেকে জানানো হয়েছে বিষয়টি নিয়ে আলোচনা চলছে এবং দ্রুত সিদ্ধান্ত নেওয়া হবে বলে সংশ্লিষ্ট সূত্র জানিয়েছে
নিজস্ব প্রতিবেদক সরকারের পক্ষ থেকে জানানো হয়েছে বিষয়টি নিয়ে আলোচনা চলছে এবং দ্রুত সিদ্ধান্ত নেওয়া হবে বলে সংশ্লিষ্ট সূত্র জানিয়েছে
নিজস্ব প্রতিবেদক সরকারের পক্ষ থেকে জানানো হয়েছে বিষয়টি নিয়ে আলোচনা চলছে এবং দ্রুত সিদ্ধান্ত নেওয়া হবে বলে সংশ্লিষ্ট সূত্র জানিয়েছে
নিজস্ব প্রতিবেদক সরকারের পক্ষ থেকে জানানো হয়েছে বিষয়টি নিয়ে আলোচনা চলছে এবং দ্রুত সিদ্ধান্ত নেওয়া হবে বলে সংশ্লিষ্ট সূত্র জানিয়েছে
নিজস্ব প্রতিবেদক সরকারের পক্ষ থেকে জানানো হয়েছে বিষয়টি নিয়ে আলোচনা চলছে এবং দ্রুত সিদ্ধান্ত নেওয়া হবে বলে সংশ্লিষ্ট সূত্র জানিয়েছে
নিজস্ব প্রতিবেদক সরকারের পক্ষ থেকে জানানো হয়েছে বিষয়টি নিয়ে আলোচনা চলছে এবং দ্রুত সিদ্ধান্ত নেওয়া হবে বলে সংশ্লিষ্ট সূত্র জানিয়েছে
নিজস্ব প্রতিবেদক সরকারের পক্ষ থেকে জানানো হয়েছে বিষয়টি নিয়ে আলোচনা চলছে এবং দ্রুত সিদ্ধান্ত নেওয়া হবে বলে সংশ্লিষ্ট সূত্র জানিয়েছে
নিজস্ব প্রতিবেদক সরকারের পক্ষ থেকে জানানো হয়েছে বিষয়টি নিয়ে আলোচনা চলছে এবং দ্রুত সিদ্ধান্ত নেওয়া হবে বলে সংশ্লিষ্ট সূত্র জানিয়েছে
নিজস্ব প্রতিবেদক সরকারের পক্ষ থেকে জানানো হয়েছে বিষয়টি নিয়ে আলোচনা চলছে এবং দ্রুত সিদ্ধান্ত নেওয়া হবে বলে সংশ্লিষ্ট সূত্র জানিয়েছে
নিজস্ব প্রতিবেদক সরকারের পক্ষ থেকে জানানো হয়েছে বিষয়টি নিয়ে আলোচনা চলছে এবং দ্রুত সিদ্ধান্ত নেওয়া হবে বলে সংশ্লিষ্ট সূত্র জানিয়েছে
নিজস্ব প্রতিবেদক সরকারের পক্ষ থেকে জানানো হয়েছে বিষয়টি নিয়ে আলোচনা চলছে এবং দ্রুত সিদ্ধান্ত নেওয়া হবে বলে সংশ্লিষ্ট সূত্র জানিয়েছে
নিজস্ব প্রতিবেদক সরকারের পক্ষ থেকে জানানো হয়েছে বিষয়টি নিয়ে আলোচনা চলছে এবং দ্রুত সিদ্ধান্ত নেওয়া হবে বলে সংশ্লিষ্ট সূত্র জানিয়েছে
নিজস্ব প্রতিবেদক সরকারের পক্ষ থেকে জানানো হয়েছে বিষয়টি নিয়ে আলোচনা চলছে এবং দ্রুত সিদ্ধান্ত নেওয়া হবে বলে সংশ্লিষ্ট সূত্র জানিয়েছে
নিজস্ব প্রতিবেদক সরকারের পক্ষ থেকে জানানো হয়েছে বিষয়টি নিয়ে আলোচনা চলছে এবং দ্রুত সিদ্ধান্ত নেওয়া হবে বলে সংশ্লিষ্ট সূত্র জানিয়েছে
নিজস্ব প্রতিবেদক সরকারের পক্ষ থেকে জানানো হয়েছে বিষয়টি নিয়ে আলোচনা চলছে এবং দ্রুত সিদ্ধান্ত নেওয়া হবে বলে সংশ্লিষ্ট সূত্র জানিয়েছে
নিজস্ব প্রতিবেদক সরকারের পক্ষ থেকে জানানো হয়েছে বিষয়টি নিয়ে আলোচনা চলছে এবং দ্রুত সিদ্ধান্ত নেওয়া হবে বলে সংশ্লিষ্ট সূত্র জানিয়েছে
নিজস্ব প্রতিবেদক সরকারের পক্ষ থেকে জানানো হয়েছে বিষয়টি নিয়ে আলোচনা চলছে এবং দ্রুত সিদ্ধান্ত নেওয়া হবে বলে সংশ্লিষ্ট সূত্র জানিয়েছে
নিজস্ব প্রতিবেদক সরকারের পক্ষ থেকে জানানো হয়েছে বিষয়টি নিয়ে আলোচনা চলছে এবং দ্রুত সিদ্ধান্ত নেওয়া হবে বলে সংশ্লিষ্ট সূত্র জানিয়েছে
নিজস্ব প্রতিবেদক সরকারের পক্ষ থেকে জানানো হয়েছে বিষয়টি নিয়ে আলোচনা চলছে এবং দ্রুত সিদ্ধান্ত নেওয়া হবে বলে সংশ্লিষ্ট সূত্র জানিয়েছে
নিজস্ব প্রতিবেদক সরকারের পক্ষ থেকে জানানো হয়েছে বিষয়টি নিয়ে আলোচনা চলছে এবং দ্রুত সিদ্ধান্ত নেওয়া হবে বলে সংশ্লিষ্ট সূত্র জানিয়েছে
নিজস্ব প্রতিবেদক সরকারের পক্ষ থেকে জানানো হয়েছে বিষয়টি নিয়ে আলোচনা চলছে এবং দ্রুত সিদ্ধান্ত নেওয়া হবে বলে সংশ্লিষ্ট সূত্র জানিয়েছে
নিজস্ব প্রতিবেদক সরকারের পক্ষ থেকে জানানো হয়েছে বিষয়টি নিয়ে আলোচনা চলছে এবং দ্রুত সিদ্ধান্ত নেওয়া হবে বলে সংশ্লিষ্ট সূত্র জানিয়েছে
নিজস্ব প্রতিবেদক সরকারের পক্ষ থেকে জানানো হয়েছে বিষয়টি নিয়ে আলোচনা চলছে এবং দ্রুত সিদ্ধান্ত নেওয়া হবে বলে সংশ্লিষ্ট সূত্র জানিয়েছে
লেগেই আছেন হ্রদ
নিজস্ব প্রতিবেদক সরকারের পক্ষ থেকে জানানো হয়েছে বিষয়টি নিয়ে আলোচনা চলছে এবং দ্রুত সিদ্ধান্ত নেওয়া হবে বলে সংশ্লিষ্ট সূত্র জানিয়েছে
নিজস্ব প্রতিবেদক সরকারের পক্ষ থেকে জানানো হয়েছে বিষয়টি নিয়ে আলোচনা চলছে এবং দ্রুত সিদ্ধান্ত নেওয়া হবে বলে সংশ্লিষ্ট সূত্র জানিয়েছে
নিজস্ব প্রতিবেদক সরকারের পক্ষ থেকে জানানো হয়েছে বিষয়টি নিয়ে আলোচনা চলছে এবং দ্রুত সিদ্ধান্ত নেওয়া হবে বলে সংশ্লিষ্ট সূত্র জানিয়েছে
নিজস্ব প্রতিবেদক সরকারের পক্ষ থেকে জানানো হয়েছে বিষয়টি নিয়ে আলোচনা চলছে এবং দ্রুত সিদ্ধান্ত নেওয়া হবে বলে সংশ্লিষ্ট সূত্র জানিয়েছে
নিজস্ব প্রতিবেদক সরকারের পক্ষ থেকে জানানো হয়েছে বিষয়টি নিয়ে আলোচনা চলছে এবং দ্রুত সিদ্ধান্ত নেওয়া হবে বলে সংশ্লিষ্ট সূত্র জানিয়েছে
নিজস্ব প্রতিবেদক সরকারের পক্ষ থেকে জানানো হয়েছে বিষয়টি নিয়ে আলোচনা চলছে এবং দ্রুত সিদ্ধান্ত নেওয়া হবে বলে সংশ্লিষ্ট সূত্র জানিয়েছে
নিজস্ব প্রতিবেদক সরকারের পক্ষ থেকে জানানো হয়েছে বিষয়টি নিয়ে আলোচনা চলছে এবং দ্রুত সিদ্ধান্ত নেওয়া হবে বলে সংশ্লিষ্ট সূত্র জানিয়েছে
নিজস্ব প্রতিবেদক সরকারের পক্ষ থেকে জানানো হয়েছে বিষয়টি নিয়ে আলোচনা চলছে এবং দ্রুত সিদ্ধান্ত নেওয়া হবে বলে সংশ্লিষ্ট সূত্র জানিয়েছে
নিজস্ব প্রতিবেদক সরকারের পক্ষ থেকে জানানো হয়েছে বিষয়টি নিয়ে আলোচনা চলছে এবং দ্রুত সিদ্ধান্ত নেওয়া হবে বলে সংশ্লিষ্ট সূত্র জানিয়েছে
নিজস্ব প্রতিবেদক সরকারের পক্ষ থেকে জানানো হয়েছে বিষয়টি নিয়ে আলোচনা চলছে এবং দ্রুত সিদ্ধান্ত নেওয়া হবে বলে সংশ্লিষ্ট সূত্র জানিয়েছে
নিজস্ব প্রতিবেদক সরকারের পক্ষ থেকে জানানো হয়েছে বিষয়টি নিয়ে আলোচনা চলছে এবং দ্রুত সিদ্ধান্ত নেওয়া হবে বলে সংশ্লিষ্ট সূত্র জানিয়েছে
নিজস্ব প্রতিবেদক সরকারের পক্ষ থেকে জানানো হয়েছে বিষয়টি নিয়ে আলোচনা চলছে এবং দ্রুত সিদ্ধান্ত নেওয়া হবে বলে সংশ্লিষ্ট সূত্র জানিয়েছে
নিজস্ব প্রতিবেদক সরকারের পক্ষ থেকে জানানো হয়েছে বিষয়টি নিয়ে আলোচনা চলছে এবং দ্রুত সিদ্ধান্ত নেওয়া হবে বলে সংশ্লিষ্ট সূত্র জানিয়েছে
নিজস্ব প্রতিবেদক সরকারের পক্ষ থেকে জানানো হয়েছে বিষয়টি নিয়ে আলোচনা চলছে এবং দ্রুত সিদ্ধান্ত নেওয়া হবে বলে সংশ্লিষ্ট সূত্র জানিয়েছে
নিজস্ব প্রতিবেদক সরকারের পক্ষ থেকে জানানো হয়েছে বিষয়টি নিয়ে আলোচনা চলছে এবং দ্রুত সিদ্ধান্ত নেওয়া হবে বলে সংশ্লিষ্ট সূত্র জানিয়েছে
নিজস্ব প্রতিবেদক সরকারের পক্ষ থেকে জানানো হয়েছে বিষয়টি নিয়ে আলোচনা চলছে এবং দ্রুত সিদ্ধান্ত নেওয়া হবে বলে সংশ্লিষ্ট সূত্র জানিয়েছে
পোশাকশিল্পে ইতবাচ
নিজস্ব প্রতিবেদক সরকারের পক্ষ থেকে জানানো হয়েছে বিষয়টি নিয়ে আলোচনা চলছে এবং দ্রুত সিদ্ধান্ত নেওয়া হবে বলে সংশ্লিষ্ট সূত্র জানিয়েছে
নিজস্ব প্রতিবেদক সরকারের পক্ষ থেকে জানানো হয়েছে বিষয়টি নিয়ে আলোচনা চলছে এবং দ্রুত সিদ্ধান্ত নেওয়া হবে বলে সংশ্লিষ্ট সূত্র জানিয়েছে
নিজস্ব প্রতিবেদক সরকারের পক্ষ থেকে জানানো হয়েছে বিষয়টি নিয়ে আলোচনা চলছে এবং দ্রুত সিদ্ধান্ত নেওয়া হবে বলে সংশ্লিষ্ট সূত্র জানিয়েছে
নিজস্ব প্রতিবেদক সরকারের পক্ষ থেকে জানানো হয়েছে বিষয়টি নিয়ে আলোচনা চলছে এবং দ্রুত সিদ্ধান্ত নেওয়া হবে বলে সংশ্লিষ্ট সূত্র জানিয়েছে
নিজস্ব প্রতিবেদক সরকারের পক্ষ থেকে জানানো হয়েছে বিষয়টি নিয়ে আলোচনা চলছে এবং দ্রুত সিদ্ধান্ত নেওয়া হবে বলে সংশ্লিষ্ট সূত্র জানিয়েছে
নিজস্ব প্রতিবেদক সরকারের পক্ষ থেকে জানানো হয়েছে বিষয়টি নিয়ে আলোচনা চলছে এবং দ্রুত সিদ্ধান্ত নেওয়া হবে বলে সংশ্লিষ্ট সূত্র জানিয়েছে
নিজস্ব প্রতিবেদক সরকারের পক্ষ থেকে জানানো হয়েছে বিষয়টি নিয়ে আলোচনা চলছে এবং দ্রুত সিদ্ধান্ত নেওয়া হবে বলে সংশ্লিষ্ট সূত্র জানিয়েছে
নিজস্ব প্রতিবেদক সরকারের পক্ষ থেকে জানানো হয়েছে বিষয়টি নিয়ে আলোচনা চলছে এবং দ্রুত সিদ্ধান্ত নেওয়া হবে বলে সংশ্লিষ্ট সূত্র জানিয়েছে
নিজস্ব প্রতিবেদক সরকারের পক্ষ থেকে জানানো হয়েছে বিষয়টি নিয়ে আলোচনা চলছে এবং দ্রুত সিদ্ধান্ত নেওয়া হবে বলে সংশ্লিষ্ট সূত্র জানিয়েছে
নিজস্ব প্রতিবেদক সরকারের পক্ষ থেকে জানানো হয়েছে বিষয়টি নিয়ে আলোচনা চলছে এবং দ্রুত সিদ্ধান্ত নেওয়া হবে বলে সংশ্লিষ্ট সূত্র জানিয়েছে
নিজস্ব প্রতিবেদক সরকারের পক্ষ থেকে জানানো হয়েছে বিষয়টি নিয়ে আলোচনা চলছে এবং দ্রুত সিদ্ধান্ত নেওয়া হবে বলে সংশ্লিষ্ট সূত্র জানিয়েছে
নিজস্ব প্রতিবেদক সরকারের পক্ষ থেকে জানানো হয়েছে বিষয়টি নিয়ে আলোচনা চলছে এবং দ্রুত সিদ্ধান্ত নেওয়া হবে বলে সংশ্লিষ্ট সূত্র জানিয়েছে
নিজস্ব প্রতিবেদক সরকারের পক্ষ থেকে জানানো হয়েছে বিষয়টি নিয়ে আলোচনা চলছে এবং দ্রুত সিদ্ধান্ত নেওয়া হবে বলে সংশ্লিষ্ট সূত্র জানিয়েছে
নিজস্ব প্রতিবেদক সরকারের পক্ষ থেকে জানানো হয়েছে বিষয়টি নিয়ে আলোচনা চলছে এবং দ্রুত সিদ্ধান্ত নেওয়া হবে বলে সংশ্লিষ্ট সূত্র জানিয়েছে
নিজস্ব প্রতিবেদক সরকারের পক্ষ থেকে জানানো হয়েছে বিষয়টি নিয়ে আলোচনা চলছে এবং দ্রুত সিদ্ধান্ত নেওয়া হবে বলে সংশ্লিষ্ট সূত্র জানিয়েছে
নিজস্ব প্রতিবেদক সরকারের পক্ষ থেকে জানানো হয়েছে বিষয়টি নিয়ে আলোচনা চলছে এবং দ্রুত সিদ্ধান্ত নেওয়া হবে বলে সংশ্লিষ্ট সূত্র জানিয়েছে
নিজস্ব প্রতিবেদক সরকারের পক্ষ থেকে জানানো হয়েছে বিষয়টি নিয়ে আলোচনা চলছে এবং দ্রুত সিদ্ধান্ত নেওয়া হবে বলে সংশ্লিষ্ট সূত্র জানিয়েছে
নিজস্ব প্রতিবেদক সরকারের পক্ষ থেকে জানানো হয়েছে বিষয়টি নিয়ে আলোচনা চলছে এবং দ্রুত সিদ্ধান্ত নেওয়া হবে বলে সংশ্লিষ্ট সূত্র জানিয়েছে
নিজস্ব প্রতিবেদক সরকারের পক্ষ থেকে জানানো হয়েছে বিষয়টি নিয়ে আলোচনা চলছে এবং দ্রুত সিদ্ধান্ত নেওয়া হবে বলে সংশ্লিষ্ট সূত্র জানিয়েছে
নিজস্ব প্রতিবেদক সরকারের পক্ষ থেকে জানানো হয়েছে বিষয়টি নিয়ে আলোচনা চলছে এবং দ্রুত সিদ্ধান্ত নেওয়া হবে বলে সংশ্লিষ্ট সূত্র জানিয়েছে
নিজস্ব প্রতিবেদক সরকারের পক্ষ থেকে জানানো হয়েছে বিষয়টি নিয়ে আলোচনা চলছে এবং দ্রুত সিদ্ধান্ত নেওয়া হবে বলে সংশ্লিষ্ট সূত্র জানিয়েছে
নিজস্ব প্রতিবেদক সরকারের পক্ষ থেকে জানানো হয়েছে বিষয়টি নিয়ে আলোচনা চলছে এবং দ্রুত সিদ্ধান্ত নেওয়া হবে বলে সংশ্লিষ্ট সূত্র জানিয়েছে
নিজস্ব প্রতিবেদক সরকারের পক্ষ থেকে জানানো হয়েছে বিষয়টি নিয়ে আলোচনা চলছে এবং দ্রুত সিদ্ধান্ত নেওয়া হবে বলে সংশ্লিষ্ট সূত্র জানিয়েছে
নিজস্ব প্রতিবেদক সরকারের পক্ষ থেকে জানানো হয়েছে বিষয়টি নিয়ে আলোচনা চলছে এবং দ্রুত সিদ্ধান্ত নেওয়া হবে বলে সংশ্লিষ্ট সূত্র জানিয়েছে
নিজস্ব প্রতিবেদক সরকারের পক্ষ থেকে জানানো হয়েছে বিষয়টি নিয়ে আলোচনা চলছে এবং দ্রুত সিদ্ধান্ত নেওয়া হবে বলে সংশ্লিষ্ট সূত্র জানিয়েছে
নিজস্ব প্রতিবেদক সরকারের পক্ষ থেকে জানানো হয়েছে বিষয়টি নিয়ে আলোচনা চলছে এবং দ্রুত সিদ্ধান্ত নেওয়া হবে বলে সংশ্লিষ্ট সূত্র জানিয়েছে
নিজস্ব প্রতিবেদক সরকারের পক্ষ থেকে জানানো হয়েছে বিষয়টি নিয়ে আলোচনা চলছে এবং দ্রুত সিদ্ধান্ত নেওয়া হবে বলে সংশ্লিষ্ট সূত্র জানিয়েছে
নিজস্ব প্রতিবেদক সরকারের পক্ষ থেকে জানানো হয়েছে বিষয়টি নিয়ে আলোচনা চলছে এবং দ্রুত সিদ্ধান্ত নেওয়া হবে বলে সংশ্লিষ্ট সূত্র জানিয়েছে
নিজস্ব প্রতিবেদক সরকারের পক্ষ থেকে জানানো হয়েছে বিষয়টি নিয়ে আলোচনা চলছে এবং দ্রুত সিদ্ধান্ত নেওয়া হবে বলে সংশ্লিষ্ট সূত্র জানিয়েছে
নিজস্ব প্রতিবেদক সরকারের পক্ষ থেকে জানানো হয়েছে বিষয়টি নিয়ে আলোচনা চলছে এবং দ্রুত সিদ্ধান্ত নেওয়া হবে বলে সংশ্লিষ্ট সূত্র জানিয়েছে
নিজস্ব প্রতিবেদক সরকারের পক্ষ থেকে জানানো হয়েছে বিষয়টি নিয়ে আলোচনা চলছে এবং দ্রুত সিদ্ধান্ত নেওয়া হবে বলে সংশ্লিষ্ট সূত্র জানিয়েছে
নিজস্ব প্রতিবেদক সরকারের পক্ষ থেকে জানানো হয়েছে বিষয়টি নিয়ে আলোচনা চলছে এবং দ্রুত সিদ্ধান্ত নেওয়া হবে বলে সংশ্লিষ্ট সূত্র জানিয়েছে
নিজস্ব প্রতিবেদক সরকারের পক্ষ থেকে জানানো হয়েছে বিষয়টি নিয়ে আলোচনা চলছে এবং দ্রুত সিদ্ধান্ত নেওয়া হবে বলে সংশ্লিষ্ট সূত্র জানিয়েছে
নিজস্ব প্রতিবেদক সরকারের পক্ষ থেকে জানানো হয়েছে বিষয়টি নিয়ে আলোচনা চলছে এবং দ্রুত সিদ্ধান্ত নেওয়া হবে বলে সংশ্লিষ্ট সূত্র জানিয়েছে
নিজস্ব প্রতিবেদক সরকারের পক্ষ থেকে জানানো হয়েছে বিষয়টি নিয়ে আলোচনা চলছে এবং দ্রুত সিদ্ধান্ত নেওয়া হবে বলে সংশ্লিষ্ট সূত্র জানিয়েছে
নিজস্ব প্রতিবেদক সরকারের পক্ষ থেকে জানানো হয়েছে বিষয়টি নিয়ে আলোচনা চলছে এবং দ্রুত সিদ্ধান্ত নেওয়া হবে বলে সংশ্লিষ্ট সূত্র জানিয়েছে
আগ্রহী সাত কোম্পানি
নিজস্ব প্রতিবেদক সরকারের পক্ষ থেকে জানানো হয়েছে বিষয়টি নিয়ে আলোচনা চলছে এবং দ্রুত সিদ্ধান্ত নেওয়া হবে বলে সংশ্লিষ্ট সূত্র জানিয়েছে
নিজস্ব প্রতিবেদক সরকারের পক্ষ থেকে জানানো হয়েছে বিষয়টি নিয়ে আলোচনা চলছে এবং দ্রুত সিদ্ধান্ত নেওয়া হবে বলে সংশ্লিষ্ট সূত্র জানিয়েছে
নিজস্ব প্রতিবেদক সরকারের পক্ষ থেকে জানানো হয়েছে বিষয়টি নিয়ে আলোচনা চলছে এবং দ্রুত সিদ্ধান্ত নেওয়া হবে বলে সংশ্লিষ্ট সূত্র জানিয়েছে
নিজস্ব প্রতিবেদক সরকারের পক্ষ থেকে জানানো হয়েছে বিষয়টি নিয়ে আলোচনা চলছে এবং দ্রুত সিদ্ধান্ত নেওয়া হবে বলে সংশ্লিষ্ট সূত্র জানিয়েছে
নিজস্ব প্রতিবেদক সরকারের পক্ষ থেকে জানানো হয়েছে বিষয়টি নিয়ে আলোচনা চলছে এবং দ্রুত সিদ্ধান্ত নেওয়া হবে বলে সংশ্লিষ্ট সূত্র জানিয়েছে
নিজস্ব প্রতিবেদক সরকারের পক্ষ থেকে জানানো হয়েছে বিষয়টি নিয়ে আলোচনা চলছে এবং দ্রুত সিদ্ধান্ত নেওয়া হবে বলে সংশ্লিষ্ট সূত্র জানিয়েছে
নিজস্ব প্রতিবেদক সরকারের পক্ষ থেকে জানানো হয়েছে বিষয়টি নিয়ে আলোচনা চলছে এবং দ্রুত সিদ্ধান্ত নেওয়া হবে বলে সংশ্লিষ্ট সূত্র জানিয়েছে
নিজস্ব প্রতিবেদক সরকারের পক্ষ থেকে জানানো হয়েছে বিষয়টি নিয়ে আলোচনা চলছে এবং দ্রুত সিদ্ধান্ত নেওয়া হবে বলে সংশ্লিষ্ট সূত্র জানিয়েছে
নিজস্ব প্রতিবেদক সরকারের পক্ষ থেকে জানানো হয়েছে বিষয়টি নিয়ে আলোচনা চলছে এবং দ্রুত সিদ্ধান্ত নেওয়া হবে বলে সংশ্লিষ্ট সূত্র জানিয়েছে
নিজস্ব প্রতিবেদক সরকারের পক্ষ থেকে জানানো হয়েছে বিষয়টি নিয়ে আলোচনা চলছে এবং দ্রুত সিদ্ধান্ত নেওয়া হবে বলে সংশ্লিষ্ট সূত্র জানিয়েছে
নিজস্ব প্রতিবেদক সরকারের পক্ষ থেকে জানানো হয়েছে বিষয়টি নিয়ে আলোচনা চলছে এবং দ্রুত সিদ্ধান্ত নেওয়া হবে বলে সংশ্লিষ্ট সূত্র জানিয়েছে
নিজস্ব প্রতিবেদক সরকারের পক্ষ থেকে জানানো হয়েছে বিষয়টি নিয়ে আলোচনা চলছে এবং দ্রুত সিদ্ধান্ত নেওয়া হবে বলে সংশ্লিষ্ট সূত্র জানিয়েছে
নিজস্ব প্রতিবেদক সরকারের পক্ষ থেকে জানানো হয়েছে বিষয়টি নিয়ে আলোচনা চলছে এবং দ্রুত সিদ্ধান্ত নেওয়া হবে বলে সংশ্লিষ্ট সূত্র জানিয়েছে
নিজস্ব প্রতিবেদক সরকারের পক্ষ থেকে জানানো হয়েছে বিষয়টি নিয়ে আলোচনা চলছে এবং দ্রুত সিদ্ধান্ত নেওয়া হবে বলে সংশ্লিষ্ট সূত্র জানিয়েছে
নিজস্ব প্রতিবেদক সরকারের পক্ষ থেকে জানানো হয়েছে বিষয়টি নিয়ে আলোচনা চলছে এবং দ্রুত সিদ্ধান্ত নেওয়া হবে বলে সংশ্লিষ্ট সূত্র জানিয়েছে
নিজস্ব প্রতিবেদক সরকারের পক্ষ থেকে জানানো হয়েছে বিষয়টি নিয়ে আলোচনা চলছে এবং দ্রুত সিদ্ধান্ত নেওয়া হবে বলে সংশ্লিষ্ট সূত্র জানিয়েছে
নিজস্ব প্রতিবেদক সরকারের পক্ষ থেকে জানানো হয়েছে বিষয়টি নিয়ে আলোচনা চলছে এবং দ্রুত সিদ্ধান্ত নেওয়া হবে বলে সংশ্লিষ্ট সূত্র জানিয়েছে
নিজস্ব প্রতিবেদক সরকারের পক্ষ থেকে জানানো হয়েছে বিষয়টি নিয়ে আলোচনা চলছে এবং দ্রুত সিদ্ধান্ত নেওয়া হবে বলে সংশ্লিষ্ট সূত্র জানিয়েছে
নিজস্ব প্রতিবেদক সরকারের পক্ষ থেকে জানানো হয়েছে বিষয়টি নিয়ে আলোচনা চলছে এবং দ্রুত সিদ্ধান্ত নেওয়া হবে বলে সংশ্লিষ্ট সূত্র জানিয়েছে
নিজস্ব প্রতিবেদক সরকারের পক্ষ থেকে জানানো হয়েছে বিষয়টি নিয়ে আলোচনা চলছে এবং দ্রুত সিদ্ধান্ত নেওয়া হবে বলে সংশ্লিষ্ট সূত্র জানিয়েছে
নিজস্ব প্রতিবেদক সরকারের পক্ষ থেকে জানানো হয়েছে বিষয়টি নিয়ে আলোচনা চলছে এবং দ্রুত সিদ্ধান্ত নেওয়া হবে বলে সংশ্লিষ্ট সূত্র জানিয়েছে
নিজস্ব প্রতিবেদক সরকারের পক্ষ থেকে জানানো হয়েছে বিষয়টি নিয়ে আলোচনা চলছে এবং দ্রুত সিদ্ধান্ত নেওয়া হবে বলে সংশ্লিষ্ট সূত্র জানিয়েছে
নিজস্ব প্রতিবেদক সরকারের পক্ষ থেকে জানানো হয়েছে বিষয়টি নিয়ে আলোচনা চলছে এবং দ্রুত সিদ্ধান্ত নেওয়া হবে বলে সংশ্লিষ্ট সূত্র জানিয়েছে
নিজস্ব প্রতিবেদক সরকারের পক্ষ থেকে জানানো হয়েছে বিষয়টি নিয়ে আলোচনা চলছে এবং দ্রুত সিদ্ধান্ত নেওয়া হবে বলে সংশ্লিষ্ট সূত্র জানিয়েছে
নিজস্ব প্রতিবেদক সরকারের পক্ষ থেকে জানানো হয়েছে বিষয়টি নিয়ে আলোচনা চলছে এবং দ্রুত সিদ্ধান্ত নেওয়া হবে বলে সংশ্লিষ্ট সূত্র জানিয়েছে
নিজস্ব প্রতিবেদক সরকারের পক্ষ থেকে জানানো হয়েছে বিষয়টি নিয়ে আলোচনা চলছে এবং দ্রুত সিদ্ধান্ত নেওয়া হবে বলে সংশ্লিষ্ট সূত্র জানিয়েছে
নিজস্ব প্রতিবেদক সরকারের পক্ষ থেকে জানানো হয়েছে বিষয়টি নিয়ে আলোচনা চলছে এবং দ্রুত সিদ্ধান্ত নেওয়া হবে বলে সংশ্লিষ্ট সূত্র জানিয়েছে
নিজস্ব প্রতিবেদক সরকারের পক্ষ থেকে জানানো হয়েছে বিষয়টি নিয়ে আলোচনা চলছে এবং দ্রুত সিদ্ধান্ত নেওয়া হবে বলে সংশ্লিষ্ট সূত্র জানিয়েছে
নিজস্ব প্রতিবেদক সরকারের পক্ষ থেকে জানানো হয়েছে বিষয়টি নিয়ে আলোচনা চলছে এবং দ্রুত সিদ্ধান্ত নেওয়া হবে বলে সংশ্লিষ্ট সূত্র জানিয়েছে
নিজস্ব প্রতিবেদক সরকারের পক্ষ থেকে জানানো হয়েছে বিষয়টি নিয়ে আলোচনা চলছে এবং দ্রুত সিদ্ধান্ত নেওয়া হবে বলে সংশ্লিষ্ট সূত্র জানিয়েছে
নিজস্ব প্রতিবেদক সরকারের পক্ষ থেকে জানানো হয়েছে বিষয়টি নিয়ে আলোচনা চলছে এবং দ্রুত সিদ্ধান্ত নেওয়া হবে বলে সংশ্লিষ্ট সূত্র জানিয়েছে
নিজস্ব প্রতিবেদক সরকারের পক্ষ থেকে জানানো হয়েছে বিষয়টি নিয়ে আলোচনা চলছে এবং দ্রুত সিদ্ধান্ত নেওয়া হবে বলে সংশ্লিষ্ট সূত্র জানিয়েছে
নিজস্ব প্রতিবেদক সরকারের পক্ষ থেকে জানানো হয়েছে বিষয়টি নিয়ে আলোচনা চলছে এবং দ্রুত সিদ্ধান্ত নেওয়া হবে বলে সংশ্লিষ্ট সূত্র জানিয়েছে
নিজস্ব প্রতিবেদক সরকারের পক্ষ থেকে জানানো হয়েছে বিষয়টি নিয়ে আলোচনা চলছে এবং দ্রুত সিদ্ধান্ত নেওয়া হবে বলে সংশ্লিষ্ট সূত্র জানিয়েছে
নিজস্ব প্রতিবেদক সরকারের পক্ষ থেকে জানানো হয়েছে বিষয়টি নিয়ে আলোচনা চলছে এবং দ্রুত সিদ্ধান্ত নেওয়া হবে বলে সংশ্লিষ্ট সূত্র জানিয়েছে
নিজস্ব প্রতিবেদক সরকারের পক্ষ থেকে জানানো হয়েছে বিষয়টি নিয়ে আলোচনা চলছে এবং দ্রুত সিদ্ধান্ত নেওয়া হবে বলে সংশ্লিষ্ট সূত্র জানিয়েছে
নিজস্ব প্রতিবেদক সরকারের পক্ষ থেকে জানানো হয়েছে বিষয়টি নিয়ে আলোচনা চলছে এবং দ্রুত সিদ্ধান্ত নেওয়া হবে বলে সংশ্লিষ্ট সূত্র জানিয়েছে
নিজস্ব প্রতিবেদক সরকারের পক্ষ থেকে জানানো হয়েছে বিষয়টি নিয়ে আলোচনা চলছে এবং দ্রুত সিদ্ধান্ত নেওয়া হবে বলে সংশ্লিষ্ট সূত্র জানিয়েছে
নিজস্ব প্রতিবেদক সরকারের পক্ষ থেকে জানানো হয়েছে বিষয়টি নিয়ে আলোচনা চলছে এবং দ্রুত সিদ্ধান্ত নেওয়া হবে বলে সংশ্লিষ্ট সূত্র জানিয়েছে
নিজস্ব প্রতিবেদক সরকারের পক্ষ থেকে জানানো হয়েছে বিষয়টি নিয়ে আলোচনা চলছে এবং দ্রুত সিদ্ধান্ত নেওয়া হবে বলে সংশ্লিষ্ট সূত্র জানিয়েছে
নিজস্ব প্রতিবেদক সরকারের পক্ষ থেকে জানানো হয়েছে বিষয়টি নিয়ে আলোচনা চলছে এবং দ্রুত সিদ্ধান্ত নেওয়া হবে বলে সংশ্লিষ্ট সূত্র জানিয়েছে
নিজস্ব প্রতিবেদক সরকারের পক্ষ থেকে জানানো হয়েছে বিষয়টি নিয়ে আলোচনা চলছে এবং দ্রুত সিদ্ধান্ত নেওয়া হবে বলে সংশ্লিষ্ট সূত্র জানিয়েছে
নিজস্ব প্রতিবেদক সরকারের পক্ষ থেকে জানানো হয়েছে বিষয়টি নিয়ে আলোচনা চলছে এবং দ্রুত সিদ্ধান্ত নেওয়া হবে বলে সংশ্লিষ্ট সূত্র জানিয়েছে
নিজস্ব প্রতিবেদক সরকারের পক্ষ থেকে জানানো হয়েছে বিষয়টি নিয়ে আলোচনা চলছে এবং দ্রুত সিদ্ধান্ত নেওয়া হবে বলে সংশ্লিষ্ট সূত্র জানিয়েছে
নিজস্ব প্রতিবেদক সরকারের পক্ষ থেকে জানানো হয়েছে বিষয়টি নিয়ে আলোচনা চলছে এবং দ্রুত সিদ্ধান্ত নেওয়া হবে বলে সংশ্লিষ্ট সূত্র জানিয়েছে
নিজস্ব প্রতিবেদক সরকারের পক্ষ থেকে জানানো হয়েছে বিষয়টি নিয়ে আলোচনা চলছে এবং দ্রুত সিদ্ধান্ত নেওয়া হবে বলে সংশ্লিষ্ট সূত্র জানিয়েছে
নিজস্ব প্রতিবেদক সরকারের পক্ষ থেকে জানানো হয়েছে বিষয়টি নিয়ে আলোচনা চলছে এবং দ্রুত সিদ্ধান্ত নেওয়া হবে বলে সংশ্লিষ্ট সূত্র জানিয়েছে
নিজস্ব প্রতিবেদক সরকারের পক্ষ থেকে জানানো হয়েছে বিষয়টি নিয়ে আলোচনা চলছে এবং দ্রুত সিদ্ধান্ত নেওয়া হবে বলে সংশ্লিষ্ট সূত্র জানিয়েছে
নিজস্ব প্রতিবেদক সরকারের পক্ষ থেকে জানানো হয়েছে বিষয়টি নিয়ে আলোচনা চলছে এবং দ্রুত সিদ্ধান্ত নেওয়া হবে বলে সংশ্লিষ্ট সূত্র জানিয়েছে
নিজস্ব প্রতিবেদক সরকারের পক্ষ থেকে জানানো হয়েছে বিষয়টি নিয়ে আলোচনা চলছে এবং দ্রুত সিদ্ধান্ত নেওয়া হবে বলে সংশ্লিষ্ট সূত্র জানিয়েছে
নিজস্ব প্রতিবেদক সরকারের পক্ষ থেকে জানানো হয়েছে বিষয়টি নিয়ে আলোচনা চলছে এবং দ্রুত সিদ্ধান্ত নেওয়া হবে বলে সংশ্লিষ্ট সূত্র জানিয়েছে
নিজস্ব প্রতিবেদক সরকারের পক্ষ থেকে জানানো হয়েছে বিষয়টি নিয়ে আলোচনা চলছে এবং দ্রুত সিদ্ধান্ত নেওয়া হবে বলে সংশ্লিষ্ট সূত্র জানিয়েছে
নিজস্ব প্রতিবেদক সরকারের পক্ষ থেকে জানানো হয়েছে বিষয়টি নিয়ে আলোচনা চলছে এবং দ্রুত সিদ্ধান্ত নেওয়া হবে বলে সংশ্লিষ্ট সূত্র জানিয়েছে
নিজস্ব প্রতিবেদক সরকারের পক্ষ থেকে জানানো হয়েছে বিষয়টি নিয়ে আলোচনা চলছে এবং দ্রুত সিদ্ধান্ত নেওয়া হবে বলে সংশ্লিষ্ট সূত্র জানিয়েছে
নিজস্ব প্রতিবেদক সরকারের পক্ষ থেকে জানানো হয়েছে বিষয়টি নিয়ে আলোচনা চলছে এবং দ্রুত সিদ্ধান্ত নেওয়া হবে বলে সংশ্লিষ্ট সূত্র জানিয়েছে
নিজস্ব প্রতিবেদক সরকারের পক্ষ থেকে জানানো হয়েছে বিষয়টি নিয়ে আলোচনা চলছে এবং দ্রুত সিদ্ধান্ত নেওয়া হবে বলে সংশ্লিষ্ট সূত্র জানিয়েছে
নিজস্ব প্রতিবেদক সরকারের পক্ষ থেকে জানানো হয়েছে বিষয়টি নিয়ে আলোচনা চলছে এবং দ্রুত সিদ্ধান্ত নেওয়া হবে বলে সংশ্লিষ্ট সূত্র জানিয়েছে
নিজস্ব প্রতিবেদক সরকারের পক্ষ থেকে জানানো হয়েছে বিষয়টি নিয়ে আলোচনা চলছে এবং দ্রুত সিদ্ধান্ত নেওয়া হবে বলে সংশ্লিষ্ট সূত্র জানিয়েছে
নিজস্ব প্রতিবেদক সরকারের পক্ষ থেকে জানানো হয়েছে বিষয়টি নিয়ে আলোচনা চলছে এবং দ্রুত সিদ্ধান্ত নেওয়া হবে বলে সংশ্লিষ্ট সূত্র জানিয়েছে
নিজস্ব প্রতিবেদক সরকারের পক্ষ থেকে জানানো হয়েছে বিষয়টি নিয়ে আলোচনা চলছে এবং দ্রুত সিদ্ধান্ত নেওয়া হবে বলে সংশ্লিষ্ট সূত্র জানিয়েছে
নিজস্ব প্রতিবেদক সরকারের পক্ষ থেকে জানানো হয়েছে বিষয়টি নিয়ে আলোচনা চলছে এবং দ্রুত সিদ্ধান্ত নেওয়া হবে বলে সংশ্লিষ্ট সূত্র জানিয়েছে
নিজস্ব প্রতিবেদক সরকারের পক্ষ থেকে জানানো হয়েছে বিষয়টি নিয়ে আলোচনা চলছে এবং দ্রুত সিদ্ধান্ত নেওয়া হবে বলে সংশ্লিষ্ট সূত্র জানিয়েছে
নিজস্ব প্রতিবেদক সরকারের পক্ষ থেকে জানানো হয়েছে বিষয়টি নিয়ে আলোচনা চলছে এবং দ্রুত সিদ্ধান্ত নেওয়া হবে বলে সংশ্লিষ্ট সূত্র জানিয়েছে
নিজস্ব প্রতিবেদক সরকারের পক্ষ থেকে জানানো হয়েছে বিষয়টি নিয়ে আলোচনা চলছে এবং দ্রুত সিদ্ধান্ত নেওয়া হবে বলে সংশ্লিষ্ট সূত্র জানিয়েছে
নিজস্ব প্রতিবেদক সরকারের পক্ষ থেকে জানানো হয়েছে বিষয়টি নিয়ে আলোচনা চলছে এবং দ্রুত সিদ্ধান্ত নেওয়া হবে বলে সংশ্লিষ্ট সূত্র জানিয়েছে
নিজস্ব প্রতিবেদক সরকারের পক্ষ থেকে জানানো হয়েছে বিষয়টি নিয়ে আলোচনা চলছে এবং দ্রুত সিদ্ধান্ত নেওয়া হবে বলে সংশ্লিষ্ট সূত্র জানিয়েছে
নিজস্ব প্রতিবেদক সরকারের পক্ষ থেকে জানানো হয়েছে বিষয়টি নিয়ে আলোচনা চলছে এবং দ্রুত সিদ্ধান্ত নেওয়া হবে বলে সংশ্লিষ্ট সূত্র জানিয়েছে
নিজস্ব প্রতিবেদক সরকারের পক্ষ থেকে জানানো হয়েছে বিষয়টি নিয়ে আলোচনা চলছে এবং দ্রুত সিদ্ধান্ত নেওয়া হবে বলে সংশ্লিষ্ট সূত্র জানিয়েছে
নিজস্ব প্রতিবেদক সরকারের পক্ষ থেকে জানানো হয়েছে বিষয়টি নিয়ে আলোচনা চলছে এবং দ্রুত সিদ্ধান্ত নেওয়া হবে বলে সংশ্লিষ্ট সূত্র জানিয়েছে
নিজস্ব প্রতিবেদক সরকারের পক্ষ থেকে জানানো হয়েছে বিষয়টি নিয়ে আলোচনা চলছে এবং দ্রুত সিদ্ধান্ত নেওয়া হবে বলে সংশ্লিষ্ট সূত্র জানিয়েছে
পুলিশ দেখেই সোনা ব্যবসায়ীর চিৎকার গ্রেপ্তার ৩
নিজস্ব প্রতিবেদক
নিজস্ব প্রতিবেদক সরকারের পক্ষ থেকে জানানো হয়েছে বিষয়টি নিয়ে আলোচনা চলছে এবং দ্রুত সিদ্ধান্ত নেওয়া হবে বলে সংশ্লিষ্ট সূত্র জানিয়েছে
নিজস্ব প্রতিবেদক সরকারের পক্ষ থেকে জানানো হয়েছে বিষয়টি নিয়ে আলোচনা চলছে এবং দ্রুত সিদ্ধান্ত নেওয়া হবে বলে সংশ্লিষ্ট সূত্র জানিয়েছে
নিজস্ব প্রতিবেদক সরকারের পক্ষ থেকে জানানো হয়েছে বিষয়টি নিয়ে আলোচনা চলছে এবং দ্রুত সিদ্ধান্ত নেওয়া হবে বলে সংশ্লিষ্ট সূত্র জানিয়েছে
নিজস্ব প্রতিবেদক সরকারের পক্ষ থেকে জানানো হয়েছে বিষয়টি নিয়ে আলোচনা চলছে এবং দ্রুত সিদ্ধান্ত নেওয়া হবে বলে সংশ্লিষ্ট সূত্র জানিয়েছে
নিজস্ব প্রতিবেদক সরকারের পক্ষ থেকে জানানো হয়েছে বিষয়টি নিয়ে আলোচনা চলছে এবং দ্রুত সিদ্ধান্ত নেওয়া হবে বলে সংশ্লিষ্ট সূত্র জানিয়েছে
নিজস্ব প্রতিবেদক সরকারের পক্ষ থেকে জানানো হয়েছে বিষয়টি নিয়ে আলোচনা চলছে এবং দ্রুত সিদ্ধান্ত নেওয়া হবে বলে সংশ্লিষ্ট সূত্র জানিয়েছে
নিজস্ব প্রতিবেদক সরকারের পক্ষ থেকে জানানো হয়েছে বিষয়টি নিয়ে আলোচনা চলছে এবং দ্রুত সিদ্ধান্ত নেওয়া হবে বলে সংশ্লিষ্ট সূত্র জানিয়েছে
নিজস্ব প্রতিবেদক সরকারের পক্ষ থেকে জানানো হয়েছে বিষয়টি নিয়ে আলোচনা চলছে এবং দ্রুত সিদ্ধান্ত নেওয়া হবে বলে সংশ্লিষ্ট সূত্র জানিয়েছে
নিজস্ব প্রতিবেদক সরকারের পক্ষ থেকে জানানো হয়েছে বিষয়টি নিয়ে আলোচনা চলছে এবং দ্রুত সিদ্ধান্ত নেওয়া হবে বলে সংশ্লিষ্ট সূত্র জানিয়েছে
নিজস্ব প্রতিবেদক সরকারের পক্ষ থেকে জানানো হয়েছে বিষয়টি নিয়ে আলোচনা চলছে এবং দ্রুত সিদ্ধান্ত নেওয়া হবে বলে সংশ্লিষ্ট সূত্র জানিয়েছে
নিজস্ব প্রতিবেদক সরকারের পক্ষ থেকে জানানো হয়েছে বিষয়টি নিয়ে আলোচনা চলছে এবং দ্রুত সিদ্ধান্ত নেওয়া হবে বলে সংশ্লিষ্ট সূত্র জানিয়েছে
নিজস্ব প্রতিবেদক সরকারের পক্ষ থেকে জানানো হয়েছে বিষয়টি নিয়ে আলোচনা চলছে এবং দ্রুত সিদ্ধান্ত নেওয়া হবে বলে সংশ্লিষ্ট সূত্র জানিয়েছে
নিজস্ব প্রতিবেদক সরকারের পক্ষ থেকে জানানো হয়েছে বিষয়টি নিয়ে আলোচনা চলছে এবং দ্রুত সিদ্ধান্ত নেওয়া হবে বলে সংশ্লিষ্ট সূত্র জানিয়েছে
নিজস্ব প্রতিবেদক সরকারের পক্ষ থেকে জানানো হয়েছে বিষয়টি নিয়ে আলোচনা চলছে এবং দ্রুত সিদ্ধান্ত নেওয়া হবে বলে সংশ্লিষ্ট সূত্র জানিয়েছে
নিজস্ব প্রতিবেদক সরকারের পক্ষ থেকে জানানো হয়েছে বিষয়টি নিয়ে আলোচনা চলছে এবং দ্রুত সিদ্ধান্ত নেওয়া হবে বলে সংশ্লিষ্ট সূত্র জানিয়েছে
নিজস্ব প্রতিবেদক সরকারের পক্ষ থেকে জানানো হয়েছে বিষয়টি নিয়ে আলোচনা চলছে এবং দ্রুত সিদ্ধান্ত নেওয়া হবে বলে সংশ্লিষ্ট সূত্র জানিয়েছে
নিজস্ব প্রতিবেদক সরকারের পক্ষ থেকে জানানো হয়েছে বিষয়টি নিয়ে আলোচনা চলছে এবং দ্রুত সিদ্ধান্ত নেওয়া হবে বলে সংশ্লিষ্ট সূত্র জানিয়েছে
নিজস্ব প্রতিবেদক সরকারের পক্ষ থেকে জানানো হয়েছে বিষয়টি নিয়ে আলোচনা চলছে এবং দ্রুত সিদ্ধান্ত নেওয়া হবে বলে সংশ্লিষ্ট সূত্র জানিয়েছে
নিজস্ব প্রতিবেদক সরকারের পক্ষ থেকে জানানো হয়েছে বিষয়টি নিয়ে আলোচনা চলছে এবং দ্রুত সিদ্ধান্ত নেওয়া হবে বলে সংশ্লিষ্ট সূত্র জানিয়েছে
নিজস্ব প্রতিবেদক সরকারের পক্ষ থেকে জানানো হয়েছে বিষয়টি নিয়ে আলোচনা চলছে এবং দ্রুত সিদ্ধান্ত নেওয়া হবে বলে সংশ্লিষ্ট সূত্র জানিয়েছে
নিজস্ব প্রতিবেদক সরকারের পক্ষ থেকে জানানো হয়েছে বিষয়টি নিয়ে আলোচনা চলছে এবং দ্রুত সিদ্ধান্ত নেওয়া হবে বলে সংশ্লিষ্ট সূত্র জানিয়েছে
নিজস্ব প্রতিবেদক সরকারের পক্ষ থেকে জানানো হয়েছে বিষয়টি নিয়ে আলোচনা চলছে এবং দ্রুত সিদ্ধান্ত নেওয়া হবে বলে সংশ্লিষ্ট সূত্র জানিয়েছে
নিজস্ব প্রতিবেদক সরকারের পক্ষ থেকে জানানো হয়েছে বিষয়টি নিয়ে আলোচনা চলছে এবং দ্রুত সিদ্ধান্ত নেওয়া হবে বলে সংশ্লিষ্ট সূত্র জানিয়েছে
নিজস্ব প্রতিবেদক সরকারের পক্ষ থেকে জানানো হয়েছে বিষয়টি নিয়ে আলোচনা চলছে এবং দ্রুত সিদ্ধান্ত নেওয়া হবে বলে সংশ্লিষ্ট সূত্র জানিয়েছে
নিজস্ব প্রতিবেদক সরকারের পক্ষ থেকে জানানো হয়েছে বিষয়টি নিয়ে আলোচনা চলছে এবং দ্রুত সিদ্ধান্ত নেওয়া হবে বলে সংশ্লিষ্ট সূত্র জানিয়েছে
নিজস্ব প্রতিবেদক সরকারের পক্ষ থেকে জানানো হয়েছে বিষয়টি নিয়ে আলোচনা চলছে এবং দ্রুত সিদ্ধান্ত নেওয়া হবে বলে সংশ্লিষ্ট সূত্র জানিয়েছে
নিজস্ব প্রতিবেদক সরকারের পক্ষ থেকে জানানো হয়েছে বিষয়টি নিয়ে আলোচনা চলছে এবং দ্রুত সিদ্ধান্ত নেওয়া হবে বলে সংশ্লিষ্ট সূত্র জানিয়েছে
নিজস্ব প্রতিবেদক সরকারের পক্ষ থেকে জানানো হয়েছে বিষয়টি নিয়ে আলোচনা চলছে এবং দ্রুত সিদ্ধান্ত নেওয়া হবে বলে সংশ্লিষ্ট সূত্র জানিয়েছে
নিজস্ব প্রতিবেদক সরকারের পক্ষ থেকে জানানো হয়েছে বিষয়টি নিয়ে আলোচনা চলছে এবং দ্রুত সিদ্ধান্ত নেওয়া হবে বলে সংশ্লিষ্ট সূত্র জানিয়েছে
নিজস্ব প্রতিবেদক সরকারের পক্ষ থেকে জানানো হয়েছে বিষয়টি নিয়ে আলোচনা চলছে এবং দ্রুত সিদ্ধান্ত নেওয়া হবে বলে সংশ্লিষ্ট সূত্র জানিয়েছে
নিজস্ব প্রতিবেদক সরকারের পক্ষ থেকে জানানো হয়েছে বিষয়টি নিয়ে আলোচনা চলছে এবং দ্রুত সিদ্ধান্ত নেওয়া হবে বলে সংশ্লিষ্ট সূত্র জানিয়েছে
নিজস্ব প্রতিবেদক সরকারের পক্ষ থেকে জানানো হয়েছে বিষয়টি নিয়ে আলোচনা চলছে এবং দ্রুত সিদ্ধান্ত নেওয়া হবে বলে সংশ্লিষ্ট সূত্র জানিয়েছে
নিজস্ব প্রতিবেদক সরকারের পক্ষ থেকে জানানো হয়েছে বিষয়টি নিয়ে আলোচনা চলছে এবং দ্রুত সিদ্ধান্ত নেওয়া হবে বলে সংশ্লিষ্ট সূত্র জানিয়েছে
নিজস্ব প্রতিবেদক সরকারের পক্ষ থেকে জানানো হয়েছে বিষয়টি নিয়ে আলোচনা চলছে এবং দ্রুত সিদ্ধান্ত নেওয়া হবে বলে সংশ্লিষ্ট সূত্র জানিয়েছে
নিজস্ব প্রতিবেদক সরকারের পক্ষ থেকে জানানো হয়েছে বিষয়টি নিয়ে আলোচনা চলছে এবং দ্রুত সিদ্ধান্ত নেওয়া হবে বলে সংশ্লিষ্ট সূত্র জানিয়েছে
নিজস্ব প্রতিবেদক সরকারের পক্ষ থেকে জানানো হয়েছে বিষয়টি নিয়ে আলোচনা চলছে এবং দ্রুত সিদ্ধান্ত নেওয়া হবে বলে সংশ্লিষ্ট সূত্র জানিয়েছে
নিজস্ব প্রতিবেদক সরকারের পক্ষ থেকে জানানো হয়েছে বিষয়টি নিয়ে আলোচনা চলছে এবং দ্রুত সিদ্ধান্ত নেওয়া হবে বলে সংশ্লিষ্ট সূত্র জানিয়েছে
নিজস্ব প্রতিবেদক সরকারের পক্ষ থেকে জানানো হয়েছে বিষয়টি নিয়ে আলোচনা চলছে এবং দ্রুত সিদ্ধান্ত নেওয়া হবে বলে সংশ্লিষ্ট সূত্র জানিয়েছে
নিজস্ব প্রতিবেদক সরকারের পক্ষ থেকে জানানো হয়েছে বিষয়টি নিয়ে আলোচনা চলছে এবং দ্রুত সিদ্ধান্ত নেওয়া হবে বলে সংশ্লিষ্ট সূত্র জানিয়েছে
নিজস্ব প্রতিবেদক সরকারের পক্ষ থেকে জানানো হয়েছে বিষয়টি নিয়ে আলোচনা চলছে এবং দ্রুত সিদ্ধান্ত নেওয়া হবে বলে সংশ্লিষ্ট সূত্র জানিয়েছে
নিজস্ব প্রতিবেদক সরকারের পক্ষ থেকে জানানো হয়েছে বিষয়টি নিয়ে আলোচনা চলছে এবং দ্রুত সিদ্ধান্ত নেওয়া হবে বলে সংশ্লিষ্ট সূত্র জানিয়েছে
নিজস্ব প্রতিবেদক সরকারের পক্ষ থেকে জানানো হয়েছে বিষয়টি নিয়ে আলোচনা চলছে এবং দ্রুত সিদ্ধান্ত নেওয়া হবে বলে সংশ্লিষ্ট সূত্র জানিয়েছে
নিজস্ব প্রতিবেদক সরকারের পক্ষ থেকে জানানো হয়েছে বিষয়টি নিয়ে আলোচনা চলছে এবং দ্রুত সিদ্ধান্ত নেওয়া হবে বলে সংশ্লিষ্ট সূত্র জানিয়েছে
নিজস্ব প্রতিবেদক সরকারের পক্ষ থেকে জানানো হয়েছে বিষয়টি নিয়ে আলোচনা চলছে এবং দ্রুত সিদ্ধান্ত নেওয়া হবে বলে সংশ্লিষ্ট সূত্র জানিয়েছে
প্রতীকী অতীতবাদী দলের প্রতিবাদের
নিজস্ব প্রতিবেদক সরকারের পক্ষ থেকে জানানো হয়েছে বিষয়টি নিয়ে আলোচনা চলছে এবং দ্রুত সিদ্ধান্ত নেওয়া হবে বলে সংশ্লিষ্ট সূত্র জানিয়েছে
নিজস্ব প্রতিবেদক সরকারের পক্ষ থেকে জানানো হয়েছে বিষয়টি নিয়ে আলোচনা চলছে এবং দ্রুত সিদ্ধান্ত নেওয়া হবে বলে সংশ্লিষ্ট সূত্র জানিয়েছে
নিজস্ব প্রতিবেদক সরকারের পক্ষ থেকে জানানো হয়েছে বিষয়টি নিয়ে আলোচনা চলছে এবং দ্রুত সিদ্ধান্ত নেওয়া হবে বলে সংশ্লিষ্ট সূত্র জানিয়েছে
নিজস্ব প্রতিবেদক সরকারের পক্ষ থেকে জানানো হয়েছে বিষয়টি নিয়ে আলোচনা চলছে এবং দ্রুত সিদ্ধান্ত নেওয়া হবে বলে সংশ্লিষ্ট সূত্র জানিয়েছে
নিজস্ব প্রতিবেদক সরকারের পক্ষ থেকে জানানো হয়েছে বিষয়টি নিয়ে আলোচনা চলছে এবং দ্রুত সিদ্ধান্ত নেওয়া হবে বলে সংশ্লিষ্ট সূত্র জানিয়েছে
নিজস্ব প্রতিবেদক সরকারের পক্ষ থেকে জানানো হয়েছে বিষয়টি নিয়ে আলোচনা চলছে এবং দ্রুত সিদ্ধান্ত নেওয়া হবে বলে সংশ্লিষ্ট সূত্র জানিয়েছে
নিজস্ব প্রতিবেদক সরকারের পক্ষ থেকে জানানো হয়েছে বিষয়টি নিয়ে আলোচনা চলছে এবং দ্রুত সিদ্ধান্ত নেওয়া হবে বলে সংশ্লিষ্ট সূত্র জানিয়েছে
নিজস্ব প্রতিবেদক সরকারের পক্ষ থেকে জানানো হয়েছে বিষয়টি নিয়ে আলোচনা চলছে এবং দ্রুত সিদ্ধান্ত নেওয়া হবে বলে সংশ্লিষ্ট সূত্র জানিয়েছে
নিজস্ব প্রতিবেদক সরকারের পক্ষ থেকে জানানো হয়েছে বিষয়টি নিয়ে আলোচনা চলছে এবং দ্রুত সিদ্ধান্ত নেওয়া হবে বলে সংশ্লিষ্ট সূত্র জানিয়েছে
নিজস্ব প্রতিবেদক সরকারের পক্ষ থেকে জানানো হয়েছে বিষয়টি নিয়ে আলোচনা চলছে এবং দ্রুত সিদ্ধান্ত নেওয়া হবে বলে সংশ্লিষ্ট সূত্র জানিয়েছে
নিজস্ব প্রতিবেদক সরকারের পক্ষ থেকে জানানো হয়েছে বিষয়টি নিয়ে আলোচনা চলছে এবং দ্রুত সিদ্ধান্ত নেওয়া হবে বলে সংশ্লিষ্ট সূত্র জানিয়েছে
নিজস্ব প্রতিবেদক সরকারের পক্ষ থেকে জানানো হয়েছে বিষয়টি নিয়ে আলোচনা চলছে এবং দ্রুত সিদ্ধান্ত নেওয়া হবে বলে সংশ্লিষ্ট সূত্র জানিয়েছে
নিজস্ব প্রতিবেদক সরকারের পক্ষ থেকে জানানো হয়েছে বিষয়টি নিয়ে আলোচনা চলছে এবং দ্রুত সিদ্ধান্ত নেওয়া হবে বলে সংশ্লিষ্ট সূত্র জানিয়েছে
নিজস্ব প্রতিবেদক সরকারের পক্ষ থেকে জানানো হয়েছে বিষয়টি নিয়ে আলোচনা চলছে এবং দ্রুত সিদ্ধান্ত নেওয়া হবে বলে সংশ্লিষ্ট সূত্র জানিয়েছে
নিজস্ব প্রতিবেদক সরকারের পক্ষ থেকে জানানো হয়েছে বিষয়টি নিয়ে আলোচনা চলছে এবং দ্রুত সিদ্ধান্ত নেওয়া হবে বলে সংশ্লিষ্ট সূত্র জানিয়েছে
নিজস্ব প্রতিবেদক সরকারের পক্ষ থেকে জানানো হয়েছে বিষয়টি নিয়ে আলোচনা চলছে এবং দ্রুত সিদ্ধান্ত নেওয়া হবে বলে সংশ্লিষ্ট সূত্র জানিয়েছে
নিজস্ব প্রতিবেদক সরকারের পক্ষ থেকে জানানো হয়েছে বিষয়টি নিয়ে আলোচনা চলছে এবং দ্রুত সিদ্ধান্ত নেওয়া হবে বলে সংশ্লিষ্ট সূত্র জানিয়েছে
নিজস্ব প্রতিবেদক সরকারের পক্ষ থেকে জানানো হয়েছে বিষয়টি নিয়ে আলোচনা চলছে এবং দ্রুত সিদ্ধান্ত নেওয়া হবে বলে সংশ্লিষ্ট সূত্র জানিয়েছে
নিজস্ব প্রতিবেদক সরকারের পক্ষ থেকে জানানো হয়েছে বিষয়টি নিয়ে আলোচনা চলছে এবং দ্রুত সিদ্ধান্ত নেওয়া হবে বলে সংশ্লিষ্ট সূত্র জানিয়েছে
নিজস্ব প্রতিবেদক সরকারের পক্ষ থেকে জানানো হয়েছে বিষয়টি নিয়ে আলোচনা চলছে এবং দ্রুত সিদ্ধান্ত নেওয়া হবে বলে সংশ্লিষ্ট সূত্র জানিয়েছে
ভারতের গোলাম
নিজস্ব প্রতিবেদক সরকারের পক্ষ থেকে জানানো হয়েছে বিষয়টি নিয়ে আলোচনা চলছে এবং দ্রুত সিদ্ধান্ত নেওয়া হবে বলে সংশ্লিষ্ট সূত্র জানিয়েছে
নিজস্ব প্রতিবেদক সরকারের পক্ষ থেকে জানানো হয়েছে বিষয়টি নিয়ে আলোচনা চলছে এবং দ্রুত সিদ্ধান্ত নেওয়া হবে বলে সংশ্লিষ্ট সূত্র জানিয়েছে
নিজস্ব প্রতিবেদক সরকারের পক্ষ থেকে জানানো হয়েছে বিষয়টি নিয়ে আলোচনা চলছে এবং দ্রুত সিদ্ধান্ত নেওয়া হবে বলে সংশ্লিষ্ট সূত্র জানিয়েছে
নিজস্ব প্রতিবেদক সরকারের পক্ষ থেকে জানানো হয়েছে বিষয়টি নিয়ে আলোচনা চলছে এবং দ্রুত সিদ্ধান্ত নেওয়া হবে বলে সংশ্লিষ্ট সূত্র জানিয়েছে
নিজস্ব প্রতিবেদক সরকারের পক্ষ থেকে জানানো হয়েছে বিষয়টি নিয়ে আলোচনা চলছে এবং দ্রুত সিদ্ধান্ত নেওয়া হবে বলে সংশ্লিষ্ট সূত্র জানিয়েছে
নিজস্ব প্রতিবেদক সরকারের পক্ষ থেকে জানানো হয়েছে বিষয়টি নিয়ে আলোচনা চলছে এবং দ্রুত সিদ্ধান্ত নেওয়া হবে বলে সংশ্লিষ্ট সূত্র জানিয়েছে
নিজস্ব প্রতিবেদক সরকারের পক্ষ থেকে জানানো হয়েছে বিষয়টি নিয়ে আলোচনা চলছে এবং দ্রুত সিদ্ধান্ত নেওয়া হবে বলে সংশ্লিষ্ট সূত্র জানিয়েছে
নিজস্ব প্রতিবেদক সরকারের পক্ষ থেকে জানানো হয়েছে বিষয়টি নিয়ে আলোচনা চলছে এবং দ্রুত সিদ্ধান্ত নেওয়া হবে বলে সংশ্লিষ্ট সূত্র জানিয়েছে
নিজস্ব প্রতিবেদক সরকারের পক্ষ থেকে জানানো হয়েছে বিষয়টি নিয়ে আলোচনা চলছে এবং দ্রুত সিদ্ধান্ত নেওয়া হবে বলে সংশ্লিষ্ট সূত্র জানিয়েছে
নিজস্ব প্রতিবেদক সরকারের পক্ষ থেকে জানানো হয়েছে বিষয়টি নিয়ে আলোচনা চলছে এবং দ্রুত সিদ্ধান্ত নেওয়া হবে বলে সংশ্লিষ্ট সূত্র জানিয়েছে
নিজস্ব প্রতিবেদক সরকারের পক্ষ থেকে জানানো হয়েছে বিষয়টি নিয়ে আলোচনা চলছে এবং দ্রুত সিদ্ধান্ত নেওয়া হবে বলে সংশ্লিষ্ট সূত্র জানিয়েছে
নিজস্ব প্রতিবেদক সরকারের পক্ষ থেকে জানানো হয়েছে বিষয়টি নিয়ে আলোচনা চলছে এবং দ্রুত সিদ্ধান্ত নেওয়া হবে বলে সংশ্লিষ্ট সূত্র জানিয়েছে
নিজস্ব প্রতিবেদক সরকারের পক্ষ থেকে জানানো হয়েছে বিষয়টি নিয়ে আলোচনা চলছে এবং দ্রুত সিদ্ধান্ত নেওয়া হবে বলে সংশ্লিষ্ট সূত্র জানিয়েছে
নিজস্ব প্রতিবেদক সরকারের পক্ষ থেকে জানানো হয়েছে বিষয়টি নিয়ে আলোচনা চলছে এবং দ্রুত সিদ্ধান্ত নেওয়া হবে বলে সংশ্লিষ্ট সূত্র জানিয়েছে
নিজস্ব প্রতিবেদক সরকারের পক্ষ থেকে জানানো হয়েছে বিষয়টি নিয়ে আলোচনা চলছে এবং দ্রুত সিদ্ধান্ত নেওয়া হবে বলে সংশ্লিষ্ট সূত্র জানিয়েছে
নিজস্ব প্রতিবেদক সরকারের পক্ষ থেকে জানানো হয়েছে বিষয়টি নিয়ে আলোচনা চলছে এবং দ্রুত সিদ্ধান্ত নেওয়া হবে বলে সংশ্লিষ্ট সূত্র জানিয়েছে
নিজস্ব প্রতিবেদক সরকারের পক্ষ থেকে জানানো হয়েছে বিষয়টি নিয়ে আলোচনা চলছে এবং দ্রুত সিদ্ধান্ত নেওয়া হবে বলে সংশ্লিষ্ট সূত্র জানিয়েছে
নিজস্ব প্রতিবেদক সরকারের পক্ষ থেকে জানানো হয়েছে বিষয়টি নিয়ে আলোচনা চলছে এবং দ্রুত সিদ্ধান্ত নেওয়া হবে বলে সংশ্লিষ্ট সূত্র জানিয়েছে
নিজস্ব প্রতিবেদক সরকারের পক্ষ থেকে জানানো হয়েছে বিষয়টি নিয়ে আলোচনা চলছে এবং দ্রুত সিদ্ধান্ত নেওয়া হবে বলে সংশ্লিষ্ট সূত্র জানিয়েছে
নিজস্ব প্রতিবেদক সরকারের পক্ষ থেকে জানানো হয়েছে বিষয়টি নিয়ে আলোচনা চলছে এবং দ্রুত সিদ্ধান্ত নেওয়া হবে বলে সংশ্লিষ্ট সূত্র জানিয়েছে
নিজস্ব প্রতিবেদক সরকারের পক্ষ থেকে জানানো হয়েছে বিষয়টি নিয়ে আলোচনা চলছে এবং দ্রুত সিদ্ধান্ত নেওয়া হবে বলে সংশ্লিষ্ট সূত্র জানিয়েছে
নিজস্ব প্রতিবেদক সরকারের পক্ষ থেকে জানানো হয়েছে বিষয়টি নিয়ে আলোচনা চলছে এবং দ্রুত সিদ্ধান্ত নেওয়া হবে বলে সংশ্লিষ্ট সূত্র জানিয়েছে
মাহমুদুর রহমানের মুক্তি
নিজস্ব প্রতিবেদক সরকারের পক্ষ থেকে জানানো হয়েছে বিষয়টি নিয়ে আলোচনা চলছে এবং দ্রুত সিদ্ধান্ত নেওয়া হবে বলে সংশ্লিষ্ট সূত্র জানিয়েছে
নিজস্ব প্রতিবেদক সরকারের পক্ষ থেকে জানানো হয়েছে বিষয়টি নিয়ে আলোচনা চলছে এবং দ্রুত সিদ্ধান্ত নেওয়া হবে বলে সংশ্লিষ্ট সূত্র জানিয়েছে
নিজস্ব প্রতিবেদক সরকারের পক্ষ থেকে জানানো হয়েছে বিষয়টি নিয়ে আলোচনা চলছে এবং দ্রুত সিদ্ধান্ত নেওয়া হবে বলে সংশ্লিষ্ট সূত্র জানিয়েছে
নিজস্ব প্রতিবেদক সরকারের পক্ষ থেকে জানানো হয়েছে বিষয়টি নিয়ে আলোচনা চলছে এবং দ্রুত সিদ্ধান্ত নেওয়া হবে বলে সংশ্লিষ্ট সূত্র জানিয়েছে
নিজস্ব প্রতিবেদক সরকারের পক্ষ থেকে জানানো হয়েছে বিষয়টি নিয়ে আলোচনা চলছে এবং দ্রুত সিদ্ধান্ত নেওয়া হবে বলে সংশ্লিষ্ট সূত্র জানিয়েছে
নিজস্ব প্রতিবেদক সরকারের পক্ষ থেকে জানানো হয়েছে বিষয়টি নিয়ে আলোচনা চলছে এবং দ্রুত সিদ্ধান্ত নেওয়া হবে বলে সংশ্লিষ্ট সূত্র জানিয়েছে
নিজস্ব প্রতিবেদক সরকারের পক্ষ থেকে জানানো হয়েছে বিষয়টি নিয়ে আলোচনা চলছে এবং দ্রুত সিদ্ধান্ত নেওয়া হবে বলে সংশ্লিষ্ট সূত্র জানিয়েছে
নিজস্ব প্রতিবেদক সরকারের পক্ষ থেকে জানানো হয়েছে বিষয়টি নিয়ে আলোচনা চলছে এবং দ্রুত সিদ্ধান্ত নেওয়া হবে বলে সংশ্লিষ্ট সূত্র জানিয়েছে
নিজস্ব প্রতিবেদক সরকারের পক্ষ থেকে জানানো হয়েছে বিষয়টি নিয়ে আলোচনা চলছে এবং দ্রুত সিদ্ধান্ত নেওয়া হবে বলে সংশ্লিষ্ট সূত্র জানিয়েছে
নিজস্ব প্রতিবেদক সরকারের পক্ষ থেকে জানানো হয়েছে বিষয়টি নিয়ে আলোচনা চলছে এবং দ্রুত সিদ্ধান্ত নেওয়া হবে বলে সংশ্লিষ্ট সূত্র জানিয়েছে
নিজস্ব প্রতিবেদক সরকারের পক্ষ থেকে জানানো হয়েছে বিষয়টি নিয়ে আলোচনা চলছে এবং দ্রুত সিদ্ধান্ত নেওয়া হবে বলে সংশ্লিষ্ট সূত্র জানিয়েছে
নিজস্ব প্রতিবেদক সরকারের পক্ষ থেকে জানানো হয়েছে বিষয়টি নিয়ে আলোচনা চলছে এবং দ্রুত সিদ্ধান্ত নেওয়া হবে বলে সংশ্লিষ্ট সূত্র জানিয়েছে
নিজস্ব প্রতিবেদক সরকারের পক্ষ থেকে জানানো হয়েছে বিষয়টি নিয়ে আলোচনা চলছে এবং দ্রুত সিদ্ধান্ত নেওয়া হবে বলে সংশ্লিষ্ট সূত্র জানিয়েছে
নিজস্ব প্রতিবেদক সরকারের পক্ষ থেকে জানানো হয়েছে বিষয়টি নিয়ে আলোচনা চলছে এবং দ্রুত সিদ্ধান্ত নেওয়া হবে বলে সংশ্লিষ্ট সূত্র জানিয়েছে
নিজস্ব প্রতিবেদক সরকারের পক্ষ থেকে জানানো হয়েছে বিষয়টি নিয়ে আলোচনা চলছে এবং দ্রুত সিদ্ধান্ত নেওয়া হবে বলে সংশ্লিষ্ট সূত্র জানিয়েছে
ছাত্রদলের সদস্য
নিজস্ব প্রতিবেদক সরকারের পক্ষ থেকে জানানো হয়েছে বিষয়টি নিয়ে আলোচনা চলছে এবং দ্রুত সিদ্ধান্ত নেওয়া হবে বলে সংশ্লিষ্ট সূত্র জানিয়েছে
নিজস্ব প্রতিবেদক সরকারের পক্ষ থেকে জানানো হয়েছে বিষয়টি নিয়ে আলোচনা চলছে এবং দ্রুত সিদ্ধান্ত নেওয়া হবে বলে সংশ্লিষ্ট সূত্র জানিয়েছে
নিজস্ব প্রতিবেদক সরকারের পক্ষ থেকে জানানো হয়েছে বিষয়টি নিয়ে আলোচনা চলছে এবং দ্রুত সিদ্ধান্ত নেওয়া হবে বলে সংশ্লিষ্ট সূত্র জানিয়েছে
নিজস্ব প্রতিবেদক সরকারের পক্ষ থেকে জানানো হয়েছে বিষয়টি নিয়ে আলোচনা চলছে এবং দ্রুত সিদ্ধান্ত নেওয়া হবে বলে সংশ্লিষ্ট সূত্র জানিয়েছে
নিজস্ব প্রতিবেদক সরকারের পক্ষ থেকে জানানো হয়েছে বিষয়টি নিয়ে আলোচনা চলছে এবং দ্রুত সিদ্ধান্ত নেওয়া হবে বলে সংশ্লিষ্ট সূত্র জানিয়েছে
নিজস্ব প্রতিবেদক সরকারের পক্ষ থেকে জানানো হয়েছে বিষয়টি নিয়ে আলোচনা চলছে এবং দ্রুত সিদ্ধান্ত নেওয়া হবে বলে সংশ্লিষ্ট সূত্র জানিয়েছে
নিজস্ব প্রতিবেদক সরকারের পক্ষ থেকে জানানো হয়েছে বিষয়টি নিয়ে আলোচনা চলছে এবং দ্রুত সিদ্ধান্ত নেওয়া হবে বলে সংশ্লিষ্ট সূত্র জানিয়েছে
নিজস্ব প্রতিবেদক সরকারের পক্ষ থেকে জানানো হয়েছে বিষয়টি নিয়ে আলোচনা চলছে এবং দ্রুত সিদ্ধান্ত নেওয়া হবে বলে সংশ্লিষ্ট সূত্র জানিয়েছে
নিজস্ব প্রতিবেদক সরকারের পক্ষ থেকে জানানো হয়েছে বিষয়টি নিয়ে আলোচনা চলছে এবং দ্রুত সিদ্ধান্ত নেওয়া হবে বলে সংশ্লিষ্ট সূত্র জানিয়েছে
নিজস্ব প্রতিবেদক সরকারের পক্ষ থেকে জানানো হয়েছে বিষয়টি নিয়ে আলোচনা চলছে এবং দ্রুত সিদ্ধান্ত নেওয়া হবে বলে সংশ্লিষ্ট সূত্র জানিয়েছে
নিজস্ব প্রতিবেদক সরকারের পক্ষ থেকে জানানো হয়েছে বিষয়টি নিয়ে আলোচনা চলছে এবং দ্রুত সিদ্ধান্ত নেওয়া হবে বলে সংশ্লিষ্ট সূত্র জানিয়েছে
নিজস্ব প্রতিবেদক সরকারের পক্ষ থেকে জানানো হয়েছে বিষয়টি নিয়ে আলোচনা চলছে এবং দ্রুত সিদ্ধান্ত নেওয়া হবে বলে সংশ্লিষ্ট সূত্র জানিয়েছে
নিজস্ব প্রতিবেদক সরকারের পক্ষ থেকে জানানো হয়েছে বিষয়টি নিয়ে আলোচনা চলছে এবং দ্রুত সিদ্ধান্ত নেওয়া হবে বলে সংশ্লিষ্ট সূত্র জানিয়েছে
নিজস্ব প্রতিবেদক সরকারের পক্ষ থেকে জানানো হয়েছে বিষয়টি নিয়ে আলোচনা চলছে এবং দ্রুত সিদ্ধান্ত নেওয়া হবে বলে সংশ্লিষ্ট সূত্র জানিয়েছে
নিজস্ব প্রতিবেদক সরকারের পক্ষ থেকে জানানো হয়েছে বিষয়টি নিয়ে আলোচনা চলছে এবং দ্রুত সিদ্ধান্ত নেওয়া হবে বলে সংশ্লিষ্ট সূত্র জানিয়েছে
নিজস্ব প্রতিবেদক সরকারের পক্ষ থেকে জানানো হয়েছে বিষয়টি নিয়ে আলোচনা চলছে এবং দ্রুত সিদ্ধান্ত নেওয়া হবে বলে সংশ্লিষ্ট সূত্র জানিয়েছে
নিজস্ব প্রতিবেদক সরকারের পক্ষ থেকে জানানো হয়েছে বিষয়টি নিয়ে আলোচনা চলছে এবং দ্রুত সিদ্ধান্ত নেওয়া হবে বলে সংশ্লিষ্ট সূত্র জানিয়েছে
নিজস্ব প্রতিবেদক সরকারের পক্ষ থেকে জানানো হয়েছে বিষয়টি নিয়ে আলোচনা চলছে এবং দ্রুত সিদ্ধান্ত নেওয়া হবে বলে সংশ্লিষ্ট সূত্র জানিয়েছে
নিজস্ব প্রতিবেদক সরকারের পক্ষ থেকে জানানো হয়েছে বিষয়টি নিয়ে আলোচনা চলছে এবং দ্রুত সিদ্ধান্ত নেওয়া হবে বলে সংশ্লিষ্ট সূত্র জানিয়েছে
নিজস্ব প্রতিবেদক সরকারের পক্ষ থেকে জানানো হয়েছে বিষয়টি নিয়ে আলোচনা চলছে এবং দ্রুত সিদ্ধান্ত নেওয়া হবে বলে সংশ্লিষ্ট সূত্র জানিয়েছে
সাবেক এমপি সালাম
নিজস্ব প্রতিবেদক সরকারের পক্ষ থেকে জানানো হয়েছে বিষয়টি নিয়ে আলোচনা চলছে এবং দ্রুত সিদ্ধান্ত নেওয়া হবে বলে সংশ্লিষ্ট সূত্র জানিয়েছে
নিজস্ব প্রতিবেদক সরকারের পক্ষ থেকে জানানো হয়েছে বিষয়টি নিয়ে আলোচনা চলছে এবং দ্রুত সিদ্ধান্ত নেওয়া হবে বলে সংশ্লিষ্ট সূত্র জানিয়েছে
নিজস্ব প্রতিবেদক সরকারের পক্ষ থেকে জানানো হয়েছে বিষয়টি নিয়ে আলোচনা চলছে এবং দ্রুত সিদ্ধান্ত নেওয়া হবে বলে সংশ্লিষ্ট সূত্র জানিয়েছে
নিজস্ব প্রতিবেদক সরকারের পক্ষ থেকে জানানো হয়েছে বিষয়টি নিয়ে আলোচনা চলছে এবং দ্রুত সিদ্ধান্ত নেওয়া হবে বলে সংশ্লিষ্ট সূত্র জানিয়েছে
নিজস্ব প্রতিবেদক সরকারের পক্ষ থেকে জানানো হয়েছে বিষয়টি নিয়ে আলোচনা চলছে এবং দ্রুত সিদ্ধান্ত নেওয়া হবে বলে সংশ্লিষ্ট সূত্র জানিয়েছে
নিজস্ব প্রতিবেদক সরকারের পক্ষ থেকে জানানো হয়েছে বিষয়টি নিয়ে আলোচনা চলছে এবং দ্রুত সিদ্ধান্ত নেওয়া হবে বলে সংশ্লিষ্ট সূত্র জানিয়েছে
নিজস্ব প্রতিবেদক সরকারের পক্ষ থেকে জানানো হয়েছে বিষয়টি নিয়ে আলোচনা চলছে এবং দ্রুত সিদ্ধান্ত নেওয়া হবে বলে সংশ্লিষ্ট সূত্র জানিয়েছে
নিজস্ব প্রতিবেদক সরকারের পক্ষ থেকে জানানো হয়েছে বিষয়টি নিয়ে আলোচনা চলছে এবং দ্রুত সিদ্ধান্ত নেওয়া হবে বলে সংশ্লিষ্ট সূত্র জানিয়েছে
নিজস্ব প্রতিবেদক সরকারের পক্ষ থেকে জানানো হয়েছে বিষয়টি নিয়ে আলোচনা চলছে এবং দ্রুত সিদ্ধান্ত নেওয়া হবে বলে সংশ্লিষ্ট সূত্র জানিয়েছে
নিজস্ব প্রতিবেদক সরকারের পক্ষ থেকে জানানো হয়েছে বিষয়টি নিয়ে আলোচনা চলছে এবং দ্রুত সিদ্ধান্ত নেওয়া হবে বলে সংশ্লিষ্ট সূত্র জানিয়েছে
নিজস্ব প্রতিবেদক সরকারের পক্ষ থেকে জানানো হয়েছে বিষয়টি নিয়ে আলোচনা চলছে এবং দ্রুত সিদ্ধান্ত নেওয়া হবে বলে সংশ্লিষ্ট সূত্র জানিয়েছে
নিজস্ব প্রতিবেদক সরকারের পক্ষ থেকে জানানো হয়েছে বিষয়টি নিয়ে আলোচনা চলছে এবং দ্রুত সিদ্ধান্ত নেওয়া হবে বলে সংশ্লিষ্ট সূত্র জানিয়েছে
নিজস্ব প্রতিবেদক সরকারের পক্ষ থেকে জানানো হয়েছে বিষয়টি নিয়ে আলোচনা চলছে এবং দ্রুত সিদ্ধান্ত নেওয়া হবে বলে সংশ্লিষ্ট সূত্র জানিয়েছে
নিজস্ব প্রতিবেদক সরকারের পক্ষ থেকে জানানো হয়েছে বিষয়টি নিয়ে আলোচনা চলছে এবং দ্রুত সিদ্ধান্ত নেওয়া হবে বলে সংশ্লিষ্ট সূত্র জানিয়েছে
নিজস্ব প্রতিবেদক সরকারের পক্ষ থেকে জানানো হয়েছে বিষয়টি নিয়ে আলোচনা চলছে এবং দ্রুত সিদ্ধান্ত নেওয়া হবে বলে সংশ্লিষ্ট সূত্র জানিয়েছে
নিজস্ব প্রতিবেদক সরকারের পক্ষ থেকে জানানো হয়েছে বিষয়টি নিয়ে আলোচনা চলছে এবং দ্রুত সিদ্ধান্ত নেওয়া হবে বলে সংশ্লিষ্ট সূত্র জানিয়েছে
নিজস্ব প্রতিবেদক সরকারের পক্ষ থেকে জানানো হয়েছে বিষয়টি নিয়ে আলোচনা চলছে এবং দ্রুত সিদ্ধান্ত নেওয়া হবে বলে সংশ্লিষ্ট সূত্র জানিয়েছে
নিজস্ব প্রতিবেদক সরকারের পক্ষ থেকে জানানো হয়েছে বিষয়টি নিয়ে আলোচনা চলছে এবং দ্রুত সিদ্ধান্ত নেওয়া হবে বলে সংশ্লিষ্ট সূত্র জানিয়েছে
নিজস্ব প্রতিবেদক সরকারের পক্ষ থেকে জানানো হয়েছে বিষয়টি নিয়ে আলোচনা চলছে এবং দ্রুত সিদ্ধান্ত নেওয়া হবে বলে সংশ্লিষ্ট সূত্র জানিয়েছে
নিজস্ব প্রতিবেদক সরকারের পক্ষ থেকে জানানো হয়েছে বিষয়টি নিয়ে আলোচনা চলছে এবং দ্রুত সিদ্ধান্ত নেওয়া হবে বলে সংশ্লিষ্ট সূত্র জানিয়েছে
নিজস্ব প্রতিবেদক সরকারের পক্ষ থেকে জানানো হয়েছে বিষয়টি নিয়ে আলোচনা চলছে এবং দ্রুত সিদ্ধান্ত নেওয়া হবে বলে সংশ্লিষ্ট সূত্র জানিয়েছে
নিজস্ব প্রতিবেদক সরকারের পক্ষ থেকে জানানো হয়েছে বিষয়টি নিয়ে আলোচনা চলছে এবং দ্রুত সিদ্ধান্ত নেওয়া হবে বলে সংশ্লিষ্ট সূত্র জানিয়েছে
নিজস্ব প্রতিবেদক সরকারের পক্ষ থেকে জানানো হয়েছে বিষয়টি নিয়ে আলোচনা চলছে এবং দ্রুত সিদ্ধান্ত নেওয়া হবে বলে সংশ্লিষ্ট সূত্র জানিয়েছে
নিজস্ব প্রতিবেদক সরকারের পক্ষ থেকে জানানো হয়েছে বিষয়টি নিয়ে আলোচনা চলছে এবং দ্রুত সিদ্ধান্ত নেওয়া হবে বলে সংশ্লিষ্ট সূত্র জানিয়েছে
নিজস্ব প্রতিবেদক সরকারের পক্ষ থেকে জানানো হয়েছে বিষয়টি নিয়ে আলোচনা চলছে এবং দ্রুত সিদ্ধান্ত নেওয়া হবে বলে সংশ্লিষ্ট সূত্র জানিয়েছে
নিজস্ব প্রতিবেদক সরকারের পক্ষ থেকে জানানো হয়েছে বিষয়টি নিয়ে আলোচনা চলছে এবং দ্রুত সিদ্ধান্ত নেওয়া হবে বলে সংশ্লিষ্ট সূত্র জানিয়েছে
নিজস্ব প্রতিবেদক সরকারের পক্ষ থেকে জানানো হয়েছে বিষয়টি নিয়ে আলোচনা চলছে এবং দ্রুত সিদ্ধান্ত নেওয়া হবে বলে সংশ্লিষ্ট সূত্র জানিয়েছে
নিজস্ব প্রতিবেদক সরকারের পক্ষ থেকে জানানো হয়েছে বিষয়টি নিয়ে আলোচনা চলছে এবং দ্রুত সিদ্ধান্ত নেওয়া হবে বলে সংশ্লিষ্ট সূত্র জানিয়েছে
নিজস্ব প্রতিবেদক সরকারের পক্ষ থেকে জানানো হয়েছে বিষয়টি নিয়ে আলোচনা চলছে এবং দ্রুত সিদ্ধান্ত নেওয়া হবে বলে সংশ্লিষ্ট সূত্র জানিয়েছে
নিজস্ব প্রতিবেদক সরকারের পক্ষ থেকে জানানো হয়েছে বিষয়টি নিয়ে আলোচনা চলছে এবং দ্রুত সিদ্ধান্ত নেওয়া হবে বলে সংশ্লিষ্ট সূত্র জানিয়েছে
নিজস্ব প্রতিবেদক সরকারের পক্ষ থেকে জানানো হয়েছে বিষয়টি নিয়ে আলোচনা চলছে এবং দ্রুত সিদ্ধান্ত নেওয়া হবে বলে সংশ্লিষ্ট সূত্র জানিয়েছে
নিজস্ব প্রতিবেদক সরকারের পক্ষ থেকে জানানো হয়েছে বিষয়টি নিয়ে আলোচনা চলছে এবং দ্রুত সিদ্ধান্ত নেওয়া হবে বলে সংশ্লিষ্ট সূত্র জানিয়েছে
নিজস্ব প্রতিবেদক সরকারের পক্ষ থেকে জানানো হয়েছে বিষয়টি নিয়ে আলোচনা চলছে এবং দ্রুত সিদ্ধান্ত নেওয়া হবে বলে সংশ্লিষ্ট সূত্র জানিয়েছে
নিজস্ব প্রতিবেদক সরকারের পক্ষ থেকে জানানো হয়েছে বিষয়টি নিয়ে আলোচনা চলছে এবং দ্রুত সিদ্ধান্ত নেওয়া হবে বলে সংশ্লিষ্ট সূত্র জানিয়েছে
নিজস্ব প্রতিবেদক সরকারের পক্ষ থেকে জানানো হয়েছে বিষয়টি নিয়ে আলোচনা চলছে এবং দ্রুত সিদ্ধান্ত নেওয়া হবে বলে সংশ্লিষ্ট সূত্র জানিয়েছে
নিজস্ব প্রতিবেদক সরকারের পক্ষ থেকে জানানো হয়েছে বিষয়টি নিয়ে আলোচনা চলছে এবং দ্রুত সিদ্ধান্ত নেওয়া হবে বলে সংশ্লিষ্ট সূত্র জানিয়েছে
নিজস্ব প্রতিবেদক সরকারের পক্ষ থেকে জানানো হয়েছে বিষয়টি নিয়ে আলোচনা চলছে এবং দ্রুত সিদ্ধান্ত নেওয়া হবে বলে সংশ্লিষ্ট সূত্র জানিয়েছে
নিজস্ব প্রতিবেদক সরকারের পক্ষ থেকে জানানো হয়েছে বিষয়টি নিয়ে আলোচনা চলছে এবং দ্রুত সিদ্ধান্ত নেওয়া হবে বলে সংশ্লিষ্ট সূত্র জানিয়েছে
নিজস্ব প্রতিবেদক সরকারের পক্ষ থেকে জানানো হয়েছে বিষয়টি নিয়ে আলোচনা চলছে এবং দ্রুত সিদ্ধান্ত নেওয়া হবে বলে সংশ্লিষ্ট সূত্র জানিয়েছে
নিজস্ব প্রতিবেদক সরকারের পক্ষ থেকে জানানো হয়েছে বিষয়টি নিয়ে আলোচনা চলছে এবং দ্রুত সিদ্ধান্ত নেওয়া হবে বলে সংশ্লিষ্ট সূত্র জানিয়েছে
নিজস্ব প্রতিবেদক সরকারের পক্ষ থেকে জানানো হয়েছে বিষয়টি নিয়ে আলোচনা চলছে এবং দ্রুত সিদ্ধান্ত নেওয়া হবে বলে সংশ্লিষ্ট সূত্র জানিয়েছে
নিজস্ব প্রতিবেদক সরকারের পক্ষ থেকে জানানো হয়েছে বিষয়টি নিয়ে আলোচনা চলছে এবং দ্রুত সিদ্ধান্ত নেওয়া হবে বলে সংশ্লিষ্ট সূত্র জানিয়েছে
নিজস্ব প্রতিবেদক সরকারের পক্ষ থেকে জানানো হয়েছে বিষয়টি নিয়ে আলোচনা চলছে এবং দ্রুত সিদ্ধান্ত নেওয়া হবে বলে সংশ্লিষ্ট সূত্র জানিয়েছে
নিজস্ব প্রতিবেদক সরকারের পক্ষ থেকে জানানো হয়েছে বিষয়টি নিয়ে আলোচনা চলছে এবং দ্রুত সিদ্ধান্ত নেওয়া হবে বলে সংশ্লিষ্ট সূত্র জানিয়েছে
নিজস্ব প্রতিবেদক সরকারের পক্ষ থেকে জানানো হয়েছে বিষয়টি নিয়ে আলোচনা চলছে এবং দ্রুত সিদ্ধান্ত নেওয়া হবে বলে সংশ্লিষ্ট সূত্র জানিয়েছে
নিজস্ব প্রতিবেদক সরকারের পক্ষ থেকে জানানো হয়েছে বিষয়টি নিয়ে আলোচনা চলছে এবং দ্রুত সিদ্ধান্ত নেওয়া হবে বলে সংশ্লিষ্ট সূত্র জানিয়েছে
নিজস্ব প্রতিবেদক সরকারের পক্ষ থেকে জানানো হয়েছে বিষয়টি নিয়ে আলোচনা চলছে এবং দ্রুত সিদ্ধান্ত নেওয়া হবে বলে সংশ্লিষ্ট সূত্র জানিয়েছে
নিজস্ব প্রতিবেদক সরকারের পক্ষ থেকে জানানো হয়েছে বিষয়টি নিয়ে আলোচনা চলছে এবং দ্রুত সিদ্ধান্ত নেওয়া হবে বলে সংশ্লিষ্ট সূত্র জানিয়েছে
নিজস্ব প্রতিবেদক সরকারের পক্ষ থেকে জানানো হয়েছে বিষয়টি নিয়ে আলোচনা চলছে এবং দ্রুত সিদ্ধান্ত নেওয়া হবে বলে সংশ্লিষ্ট সূত্র জানিয়েছে
নিজস্ব প্রতিবেদক সরকারের পক্ষ থেকে জানানো হয়েছে বিষয়টি নিয়ে আলোচনা চলছে এবং দ্রুত সিদ্ধান্ত নেওয়া হবে বলে সংশ্লিষ্ট সূত্র জানিয়েছে
নিজস্ব প্রতিবেদক সরকারের পক্ষ থেকে জানানো হয়েছে বিষয়টি নিয়ে আলোচনা চলছে এবং দ্রুত সিদ্ধান্ত নেওয়া হবে বলে সংশ্লিষ্ট সূত্র জানিয়েছে
নিজস্ব প্রতিবেদক সরকারের পক্ষ থেকে জানানো হয়েছে বিষয়টি নিয়ে আলোচনা চলছে এবং দ্রুত সিদ্ধান্ত নেওয়া হবে বলে সংশ্লিষ্ট সূত্র জানিয়েছে
নিজস্ব প্রতিবেদক সরকারের পক্ষ থেকে জানানো হয়েছে বিষয়টি নিয়ে আলোচনা চলছে এবং দ্রুত সিদ্ধান্ত নেওয়া হবে বলে সংশ্লিষ্ট সূত্র জানিয়েছে
নিজস্ব প্রতিবেদক সরকারের পক্ষ থেকে জানানো হয়েছে বিষয়টি নিয়ে আলোচনা চলছে এবং দ্রুত সিদ্ধান্ত নেওয়া হবে বলে সংশ্লিষ্ট সূত্র জানিয়েছে
নিজস্ব প্রতিবেদক সরকারের পক্ষ থেকে জানানো হয়েছে বিষয়টি নিয়ে আলোচনা চলছে এবং দ্রুত সিদ্ধান্ত নেওয়া হবে বলে সংশ্লিষ্ট সূত্র জানিয়েছে
নিজস্ব প্রতিবেদক সরকারের পক্ষ থেকে জানানো হয়েছে বিষয়টি নিয়ে আলোচনা চলছে এবং দ্রুত সিদ্ধান্ত নেওয়া হবে বলে সংশ্লিষ্ট সূত্র জানিয়েছে
নিজস্ব প্রতিবেদক সরকারের পক্ষ থেকে জানানো হয়েছে বিষয়টি নিয়ে আলোচনা চলছে এবং দ্রুত সিদ্ধান্ত নেওয়া হবে বলে সংশ্লিষ্ট সূত্র জানিয়েছে
নিজস্ব প্রতিবেদক সরকারের পক্ষ থেকে জানানো হয়েছে বিষয়টি নিয়ে আলোচনা চলছে এবং দ্রুত সিদ্ধান্ত নেওয়া হবে বলে সংশ্লিষ্ট সূত্র জানিয়েছে
নিজস্ব প্রতিবেদক সরকারের পক্ষ থেকে জানানো হয়েছে বিষয়টি নিয়ে আলোচনা চলছে এবং দ্রুত সিদ্ধান্ত নেওয়া হবে বলে সংশ্লিষ্ট সূত্র জানিয়েছে
নিজস্ব প্রতিবেদক সরকারের পক্ষ থেকে জানানো হয়েছে বিষয়টি নিয়ে আলোচনা চলছে এবং দ্রুত সিদ্ধান্ত নেওয়া হবে বলে সংশ্লিষ্ট সূত্র জানিয়েছে
নিজস্ব প্রতিবেদক সরকারের পক্ষ থেকে জানানো হয়েছে বিষয়টি নিয়ে আলোচনা চলছে এবং দ্রুত সিদ্ধান্ত নেওয়া হবে বলে সংশ্লিষ্ট সূত্র জানিয়েছে
নিজস্ব প্রতিবেদক সরকারের পক্ষ থেকে জানানো হয়েছে বিষয়টি নিয়ে আলোচনা চলছে এবং দ্রুত সিদ্ধান্ত নেওয়া হবে বলে সংশ্লিষ্ট সূত্র জানিয়েছে
নিজস্ব প্রতিবেদক সরকারের পক্ষ থেকে জানানো হয়েছে বিষয়টি নিয়ে আলোচনা চলছে এবং দ্রুত সিদ্ধান্ত নেওয়া হবে বলে সংশ্লিষ্ট সূত্র জানিয়েছে
নিজস্ব প্রতিবেদক সরকারের পক্ষ থেকে জানানো হয়েছে বিষয়টি নিয়ে আলোচনা চলছে এবং দ্রুত সিদ্ধান্ত নেওয়া হবে বলে সংশ্লিষ্ট সূত্র জানিয়েছে
নিজস্ব প্রতিবেদক সরকারের পক্ষ থেকে জানানো হয়েছে বিষয়টি নিয়ে আলোচনা চলছে এবং দ্রুত সিদ্ধান্ত নেওয়া হবে বলে সংশ্লিষ্ট সূত্র জানিয়েছে
নিজস্ব প্রতিবেদক সরকারের পক্ষ থেকে জানানো হয়েছে বিষয়টি নিয়ে আলোচনা চলছে এবং দ্রুত সিদ্ধান্ত নেওয়া হবে বলে সংশ্লিষ্ট সূত্র জানিয়েছে
নিজস্ব প্রতিবেদক সরকারের পক্ষ থেকে জানানো হয়েছে বিষয়টি নিয়ে আলোচনা চলছে এবং দ্রুত সিদ্ধান্ত নেওয়া হবে বলে সংশ্লিষ্ট সূত্র জানিয়েছে
নিজস্ব প্রতিবেদক সরকারের পক্ষ থেকে জানানো হয়েছে বিষয়টি নিয়ে আলোচনা চলছে এবং দ্রুত সিদ্ধান্ত নেওয়া হবে বলে সংশ্লিষ্ট সূত্র জানিয়েছে
নিজস্ব প্রতিবেদক সরকারের পক্ষ থেকে জানানো হয়েছে বিষয়টি নিয়ে আলোচনা চলছে এবং দ্রুত সিদ্ধান্ত নেওয়া হবে বলে সংশ্লিষ্ট সূত্র জানিয়েছে
নিজস্ব প্রতিবেদক সরকারের পক্ষ থেকে জানানো হয়েছে বিষয়টি নিয়ে আলোচনা চলছে এবং দ্রুত সিদ্ধান্ত নেওয়া হবে বলে সংশ্লিষ্ট সূত্র জানিয়েছে
নিজস্ব প্রতিবেদক সরকারের পক্ষ থেকে জানানো হয়েছে বিষয়টি নিয়ে আলোচনা চলছে এবং দ্রুত সিদ্ধান্ত নেওয়া হবে বলে সংশ্লিষ্ট সূত্র জানিয়েছে
নিজস্ব প্রতিবেদক সরকারের পক্ষ থেকে জানানো হয়েছে বিষয়টি নিয়ে আলোচনা চলছে এবং দ্রুত সিদ্ধান্ত নেওয়া হবে বলে সংশ্লিষ্ট সূত্র জানিয়েছে
নিজস্ব প্রতিবেদক সরকারের পক্ষ থেকে জানানো হয়েছে বিষয়টি নিয়ে আলোচনা চলছে এবং দ্রুত সিদ্ধান্ত নেওয়া হবে বলে সংশ্লিষ্ট সূত্র জানিয়েছে
নিজস্ব প্রতিবেদক সরকারের পক্ষ থেকে জানানো হয়েছে বিষয়টি নিয়ে আলোচনা চলছে এবং দ্রুত সিদ্ধান্ত নেওয়া হবে বলে সংশ্লিষ্ট সূত্র জানিয়েছে
নিজস্ব প্রতিবেদক সরকারের পক্ষ থেকে জানানো হয়েছে বিষয়টি নিয়ে আলোচনা চলছে এবং দ্রুত সিদ্ধান্ত নেওয়া হবে বলে সংশ্লিষ্ট সূত্র জানিয়েছে
নিজস্ব প্রতিবেদক সরকারের পক্ষ থেকে জানানো হয়েছে বিষয়টি নিয়ে আলোচনা চলছে এবং দ্রুত সিদ্ধান্ত নেওয়া হবে বলে সংশ্লিষ্ট সূত্র জানিয়েছে
নিজস্ব প্রতিবেদক সরকারের পক্ষ থেকে জানানো হয়েছে বিষয়টি নিয়ে আলোচনা চলছে এবং দ্রুত সিদ্ধান্ত নেওয়া হবে বলে সংশ্লিষ্ট সূত্র জানিয়েছে
নিজস্ব প্রতিবেদক সরকারের পক্ষ থেকে জানানো হয়েছে বিষয়টি নিয়ে আলোচনা চলছে এবং দ্রুত সিদ্ধান্ত নেওয়া হবে বলে সংশ্লিষ্ট সূত্র জানিয়েছে
নিজস্ব প্রতিবেদক সরকারের পক্ষ থেকে জানানো হয়েছে বিষয়টি নিয়ে আলোচনা চলছে এবং দ্রুত সিদ্ধান্ত নেওয়া হবে বলে সংশ্লিষ্ট সূত্র জানিয়েছে
নিজস্ব প্রতিবেদক সরকারের পক্ষ থেকে জানানো হয়েছে বিষয়টি নিয়ে আলোচনা চলছে এবং দ্রুত সিদ্ধান্ত নেওয়া হবে বলে সংশ্লিষ্ট সূত্র জানিয়েছে
নিজস্ব প্রতিবেদক সরকারের পক্ষ থেকে জানানো হয়েছে বিষয়টি নিয়ে আলোচনা চলছে এবং দ্রুত সিদ্ধান্ত নেওয়া হবে বলে সংশ্লিষ্ট সূত্র জানিয়েছে
নিজস্ব প্রতিবেদক সরকারের পক্ষ থেকে জানানো হয়েছে বিষয়টি নিয়ে আলোচনা চলছে এবং দ্রুত সিদ্ধান্ত নেওয়া হবে বলে সংশ্লিষ্ট সূত্র জানিয়েছে
নিজস্ব প্রতিবেদক সরকারের পক্ষ থেকে জানানো হয়েছে বিষয়টি নিয়ে আলোচনা চলছে এবং দ্রুত সিদ্ধান্ত নেওয়া হবে বলে সংশ্লিষ্ট সূত্র জানিয়েছে
নিজস্ব প্রতিবেদক সরকারের পক্ষ থেকে জানানো হয়েছে বিষয়টি নিয়ে আলোচনা চলছে এবং দ্রুত সিদ্ধান্ত নেওয়া হবে বলে সংশ্লিষ্ট সূত্র জানিয়েছে
নিজস্ব প্রতিবেদক সরকারের পক্ষ থেকে জানানো হয়েছে বিষয়টি নিয়ে আলোচনা চলছে এবং দ্রুত সিদ্ধান্ত নেওয়া হবে বলে সংশ্লিষ্ট সূত্র জানিয়েছে
নিজস্ব প্রতিবেদক সরকারের পক্ষ থেকে জানানো হয়েছে বিষয়টি নিয়ে আলোচনা চলছে এবং দ্রুত সিদ্ধান্ত নেওয়া হবে বলে সংশ্লিষ্ট সূত্র জানিয়েছে
নিজস্ব প্রতিবেদক সরকারের পক্ষ থেকে জানানো হয়েছে বিষয়টি নিয়ে আলোচনা চলছে এবং দ্রুত সিদ্ধান্ত নেওয়া হবে বলে সংশ্লিষ্ট সূত্র জানিয়েছে
নিজস্ব প্রতিবেদক সরকারের পক্ষ থেকে জানানো হয়েছে বিষয়টি নিয়ে আলোচনা চলছে এবং দ্রুত সিদ্ধান্ত নেওয়া হবে বলে সংশ্লিষ্ট সূত্র জানিয়েছে
নিজস্ব প্রতিবেদক সরকারের পক্ষ থেকে জানানো হয়েছে বিষয়টি নিয়ে আলোচনা চলছে এবং দ্রুত সিদ্ধান্ত নেওয়া হবে বলে সংশ্লিষ্ট সূত্র জানিয়েছে
নিজস্ব প্রতিবেদক সরকারের পক্ষ থেকে জানানো হয়েছে বিষয়টি নিয়ে আলোচনা চলছে এবং দ্রুত সিদ্ধান্ত নেওয়া হবে বলে সংশ্লিষ্ট সূত্র জানিয়েছে
নিজস্ব প্রতিবেদক সরকারের পক্ষ থেকে জানানো হয়েছে বিষয়টি নিয়ে আলোচনা চলছে এবং দ্রুত সিদ্ধান্ত নেওয়া হবে বলে সংশ্লিষ্ট সূত্র জানিয়েছে
নিজস্ব প্রতিবেদক সরকারের পক্ষ থেকে জানানো হয়েছে বিষয়টি নিয়ে আলোচনা চলছে এবং দ্রুত সিদ্ধান্ত নেওয়া হবে বলে সংশ্লিষ্ট সূত্র জানিয়েছে
নিজস্ব প্রতিবেদক সরকারের পক্ষ থেকে জানানো হয়েছে বিষয়টি নিয়ে আলোচনা চলছে এবং দ্রুত সিদ্ধান্ত নেওয়া হবে বলে সংশ্লিষ্ট সূত্র জানিয়েছে
নিজস্ব প্রতিবেদক সরকারের পক্ষ থেকে জানানো হয়েছে বিষয়টি নিয়ে আলোচনা চলছে এবং দ্রুত সিদ্ধান্ত নেওয়া হবে বলে সংশ্লিষ্ট সূত্র জানিয়েছে
নিজস্ব প্রতিবেদক সরকারের পক্ষ থেকে জানানো হয়েছে বিষয়টি নিয়ে আলোচনা চলছে এবং দ্রুত সিদ্ধান্ত নেওয়া হবে বলে সংশ্লিষ্ট সূত্র জানিয়েছে
নিজস্ব প্রতিবেদক সরকারের পক্ষ থেকে জানানো হয়েছে বিষয়টি নিয়ে আলোচনা চলছে এবং দ্রুত সিদ্ধান্ত নেওয়া হবে বলে সংশ্লিষ্ট সূত্র জানিয়েছে
নিজস্ব প্রতিবেদক সরকারের পক্ষ থেকে জানানো হয়েছে বিষয়টি নিয়ে আলোচনা চলছে এবং দ্রুত সিদ্ধান্ত নেওয়া হবে বলে সংশ্লিষ্ট সূত্র জানিয়েছে
নিজস্ব প্রতিবেদক সরকারের পক্ষ থেকে জানানো হয়েছে বিষয়টি নিয়ে আলোচনা চলছে এবং দ্রুত সিদ্ধান্ত নেওয়া হবে বলে সংশ্লিষ্ট সূত্র জানিয়েছে
নিজস্ব প্রতিবেদক সরকারের পক্ষ থেকে জানানো হয়েছে বিষয়টি নিয়ে আলোচনা চলছে এবং দ্রুত সিদ্ধান্ত নেওয়া হবে বলে সংশ্লিষ্ট সূত্র জানিয়েছে
নিজস্ব প্রতিবেদক সরকারের পক্ষ থেকে জানানো হয়েছে বিষয়টি নিয়ে আলোচনা চলছে এবং দ্রুত সিদ্ধান্ত নেওয়া হবে বলে সংশ্লিষ্ট সূত্র জানিয়েছে
নিজস্ব প্রতিবেদক সরকারের পক্ষ থেকে জানানো হয়েছে বিষয়টি নিয়ে আলোচনা চলছে এবং দ্রুত সিদ্ধান্ত নেওয়া হবে বলে সংশ্লিষ্ট সূত্র জানিয়েছে
নিজস্ব প্রতিবেদক সরকারের পক্ষ থেকে জানানো হয়েছে বিষয়টি নিয়ে আলোচনা চলছে এবং দ্রুত সিদ্ধান্ত নেওয়া হবে বলে সংশ্লিষ্ট সূত্র জানিয়েছে
নিজস্ব প্রতিবেদক সরকারের পক্ষ থেকে জানানো হয়েছে বিষয়টি নিয়ে আলোচনা চলছে এবং দ্রুত সিদ্ধান্ত নেওয়া হবে বলে সংশ্লিষ্ট সূত্র জানিয়েছে
নিজস্ব প্রতিবেদক সরকারের পক্ষ থেকে জানানো হয়েছে বিষয়টি নিয়ে আলোচনা চলছে এবং দ্রুত সিদ্ধান্ত নেওয়া হবে বলে সংশ্লিষ্ট সূত্র জানিয়েছে
নিজস্ব প্রতিবেদক সরকারের পক্ষ থেকে জানানো হয়েছে বিষয়টি নিয়ে আলোচনা চলছে এবং দ্রুত সিদ্ধান্ত নেওয়া হবে বলে সংশ্লিষ্ট সূত্র জানিয়েছে
নিজস্ব প্রতিবেদক সরকারের পক্ষ থেকে জানানো হয়েছে বিষয়টি নিয়ে আলোচনা চলছে এবং দ্রুত সিদ্ধান্ত নেওয়া হবে বলে সংশ্লিষ্ট সূত্র জানিয়েছে
নিজস্ব প্রতিবেদক সরকারের পক্ষ থেকে জানানো হয়েছে বিষয়টি নিয়ে আলোচনা চলছে এবং দ্রুত সিদ্ধান্ত নেওয়া হবে বলে সংশ্লিষ্ট সূত্র জানিয়েছে
নিজস্ব প্রতিবেদক সরকারের পক্ষ থেকে জানানো হয়েছে বিষয়টি নিয়ে আলোচনা চলছে এবং দ্রুত সিদ্ধান্ত নেওয়া হবে বলে সংশ্লিষ্ট সূত্র জানিয়েছে
নিজস্ব প্রতিবেদক সরকারের পক্ষ থেকে জানানো হয়েছে বিষয়টি নিয়ে আলোচনা চলছে এবং দ্রুত সিদ্ধান্ত নেওয়া হবে বলে সংশ্লিষ্ট সূত্র জানিয়েছে
নিজস্ব প্রতিবেদক সরকারের পক্ষ থেকে জানানো হয়েছে বিষয়টি নিয়ে আলোচনা চলছে এবং দ্রুত সিদ্ধান্ত নেওয়া হবে বলে সংশ্লিষ্ট সূত্র জানিয়েছে
নিজস্ব প্রতিবেদক সরকারের পক্ষ থেকে জানানো হয়েছে বিষয়টি নিয়ে আলোচনা চলছে এবং দ্রুত সিদ্ধান্ত নেওয়া হবে বলে সংশ্লিষ্ট সূত্র জানিয়েছে
নিজস্ব প্রতিবেদক সরকারের পক্ষ থেকে জানানো হয়েছে বিষয়টি নিয়ে আলোচনা চলছে এবং দ্রুত সিদ্ধান্ত নেওয়া হবে বলে সংশ্লিষ্ট সূত্র জানিয়েছে
নিজস্ব প্রতিবেদক সরকারের পক্ষ থেকে জানানো হয়েছে বিষয়টি নিয়ে আলোচনা চলছে এবং দ্রুত সিদ্ধান্ত নেওয়া হবে বলে সংশ্লিষ্ট সূত্র জানিয়েছে
নিজস্ব প্রতিবেদক সরকারের পক্ষ থেকে জানানো হয়েছে বিষয়টি নিয়ে আলোচনা চলছে এবং দ্রুত সিদ্ধান্ত নেওয়া হবে বলে সংশ্লিষ্ট সূত্র জানিয়েছে
নিজস্ব প্রতিবেদক সরকারের পক্ষ থেকে জানানো হয়েছে বিষয়টি নিয়ে আলোচনা চলছে এবং দ্রুত সিদ্ধান্ত নেওয়া হবে বলে সংশ্লিষ্ট সূত্র জানিয়েছে
নিজস্ব প্রতিবেদক সরকারের পক্ষ থেকে জানানো হয়েছে বিষয়টি নিয়ে আলোচনা চলছে এবং দ্রুত সিদ্ধান্ত নেওয়া হবে বলে সংশ্লিষ্ট সূত্র জানিয়েছে
নিজস্ব প্রতিবেদক সরকারের পক্ষ থেকে জানানো হয়েছে বিষয়টি নিয়ে আলোচনা চলছে এবং দ্রুত সিদ্ধান্ত নেওয়া হবে বলে সংশ্লিষ্ট সূত্র জানিয়েছে
নিজস্ব প্রতিবেদক সরকারের পক্ষ থেকে জানানো হয়েছে বিষয়টি নিয়ে আলোচনা চলছে এবং দ্রুত সিদ্ধান্ত নেওয়া হবে বলে সংশ্লিষ্ট সূত্র জানিয়েছে
নিজস্ব প্রতিবেদক সরকারের পক্ষ থেকে জানানো হয়েছে বিষয়টি নিয়ে আলোচনা চলছে এবং দ্রুত সিদ্ধান্ত নেওয়া হবে বলে সংশ্লিষ্ট সূত্র জানিয়েছে
নিজস্ব প্রতিবেদক সরকারের পক্ষ থেকে জানানো হয়েছে বিষয়টি নিয়ে আলোচনা চলছে এবং দ্রুত সিদ্ধান্ত নেওয়া হবে বলে সংশ্লিষ্ট সূত্র জানিয়েছে
নিজস্ব প্রতিবেদক সরকারের পক্ষ থেকে জানানো হয়েছে বিষয়টি নিয়ে আলোচনা চলছে এবং দ্রুত সিদ্ধান্ত নেওয়া হবে বলে সংশ্লিষ্ট সূত্র জানিয়েছে
নিজস্ব প্রতিবেদক সরকারের পক্ষ থেকে জানানো হয়েছে বিষয়টি নিয়ে আলোচনা চলছে এবং দ্রুত সিদ্ধান্ত নেওয়া হবে বলে সংশ্লিষ্ট সূত্র জানিয়েছে
নিজস্ব প্রতিবেদক সরকারের পক্ষ থেকে জানানো হয়েছে বিষয়টি নিয়ে আলোচনা চলছে এবং দ্রুত সিদ্ধান্ত নেওয়া হবে বলে সংশ্লিষ্ট সূত্র জানিয়েছে
নিজস্ব প্রতিবেদক সরকারের পক্ষ থেকে জানানো হয়েছে বিষয়টি নিয়ে আলোচনা চলছে এবং দ্রুত সিদ্ধান্ত নেওয়া হবে বলে সংশ্লিষ্ট সূত্র জানিয়েছে
নিজস্ব প্রতিবেদক সরকারের পক্ষ থেকে জানানো হয়েছে বিষয়টি নিয়ে আলোচনা চলছে এবং দ্রুত সিদ্ধান্ত নেওয়া হবে বলে সংশ্লিষ্ট সূত্র জানিয়েছে
নিজস্ব প্রতিবেদক সরকারের পক্ষ থেকে জানানো হয়েছে বিষয়টি নিয়ে আলোচনা চলছে এবং দ্রুত সিদ্ধান্ত নেওয়া হবে বলে সংশ্লিষ্ট সূত্র জানিয়েছে
নিজস্ব প্রতিবেদক সরকারের পক্ষ থেকে জানানো হয়েছে বিষয়টি নিয়ে আলোচনা চলছে এবং দ্রুত সিদ্ধান্ত নেওয়া হবে বলে সংশ্লিষ্ট সূত্র জানিয়েছে
নিজস্ব প্রতিবেদক সরকারের পক্ষ থেকে জানানো হয়েছে বিষয়টি নিয়ে আলোচনা চলছে এবং দ্রুত সিদ্ধান্ত নেওয়া হবে বলে সংশ্লিষ্ট সূত্র জানিয়েছে
নিজস্ব প্রতিবেদক সরকারের পক্ষ থেকে জানানো হয়েছে বিষয়টি নিয়ে আলোচনা চলছে এবং দ্রুত সিদ্ধান্ত নেওয়া হবে বলে সংশ্লিষ্ট সূত্র জানিয়েছে
নিজস্ব প্রতিবেদক সরকারের পক্ষ থেকে জানানো হয়েছে বিষয়টি নিয়ে আলোচনা চলছে এবং দ্রুত সিদ্ধান্ত নেওয়া হবে বলে সংশ্লিষ্ট সূত্র জানিয়েছে
নিজস্ব প্রতিবেদক সরকারের পক্ষ থেকে জানানো হয়েছে বিষয়টি নিয়ে আলোচনা চলছে এবং দ্রুত সিদ্ধান্ত নেওয়া হবে বলে সংশ্লিষ্ট সূত্র জানিয়েছে
নিজস্ব প্রতিবেদক সরকারের পক্ষ থেকে জানানো হয়েছে বিষয়টি নিয়ে আলোচনা চলছে এবং দ্রুত সিদ্ধান্ত নেওয়া হবে বলে সংশ্লিষ্ট সূত্র জানিয়েছে
নিজস্ব প্রতিবেদক সরকারের পক্ষ থেকে জানানো হয়েছে বিষয়টি নিয়ে আলোচনা চলছে এবং দ্রুত সিদ্ধান্ত নেওয়া হবে বলে সংশ্লিষ্ট সূত্র জানিয়েছে
নিজস্ব প্রতিবেদক সরকারের পক্ষ থেকে জানানো হয়েছে বিষয়টি নিয়ে আলোচনা চলছে এবং দ্রুত সিদ্ধান্ত নেওয়া হবে বলে সংশ্লিষ্ট সূত্র জানিয়েছে
নিজস্ব প্রতিবেদক সরকারের পক্ষ থেকে জানানো হয়েছে বিষয়টি নিয়ে আলোচনা চলছে এবং দ্রুত সিদ্ধান্ত নেওয়া হবে বলে সংশ্লিষ্ট সূত্র জানিয়েছে
নিজস্ব প্রতিবেদক সরকারের পক্ষ থেকে জানানো হয়েছে বিষয়টি নিয়ে আলোচনা চলছে এবং দ্রুত সিদ্ধান্ত নেওয়া হবে বলে সংশ্লিষ্ট সূত্র জানিয়েছে
নিজস্ব প্রতিবেদক সরকারের পক্ষ থেকে জানানো হয়েছে বিষয়টি নিয়ে আলোচনা চলছে এবং দ্রুত সিদ্ধান্ত নেওয়া হবে বলে সংশ্লিষ্ট সূত্র জানিয়েছে
নিজস্ব প্রতিবেদক সরকারের পক্ষ থেকে জানানো হয়েছে বিষয়টি নিয়ে আলোচনা চলছে এবং দ্রুত সিদ্ধান্ত নেওয়া হবে বলে সংশ্লিষ্ট সূত্র জানিয়েছে
নিজস্ব প্রতিবেদক সরকারের পক্ষ থেকে জানানো হয়েছে বিষয়টি নিয়ে আলোচনা চলছে এবং দ্রুত সিদ্ধান্ত নেওয়া হবে বলে সংশ্লিষ্ট সূত্র জানিয়েছে
নিজস্ব প্রতিবেদক সরকারের পক্ষ থেকে জানানো হয়েছে বিষয়টি নিয়ে আলোচনা চলছে এবং দ্রুত সিদ্ধান্ত নেওয়া হবে বলে সংশ্লিষ্ট সূত্র জানিয়েছে
নিজস্ব প্রতিবেদক সরকারের পক্ষ থেকে জানানো হয়েছে বিষয়টি নিয়ে আলোচনা চলছে এবং দ্রুত সিদ্ধান্ত নেওয়া হবে বলে সংশ্লিষ্ট সূত্র জানিয়েছে
নিজস্ব প্রতিবেদক সরকারের পক্ষ থেকে জানানো হয়েছে বিষয়টি নিয়ে আলোচনা চলছে এবং দ্রুত সিদ্ধান্ত নেওয়া হবে বলে সংশ্লিষ্ট সূত্র জানিয়েছে
নিজস্ব প্রতিবেদক সরকারের পক্ষ থেকে জানানো হয়েছে বিষয়টি নিয়ে আলোচনা চলছে এবং দ্রুত সিদ্ধান্ত নেওয়া হবে বলে সংশ্লিষ্ট সূত্র জানিয়েছে
নিজস্ব প্রতিবেদক সরকারের পক্ষ থেকে জানানো হয়েছে বিষয়টি নিয়ে আলোচনা চলছে এবং দ্রুত সিদ্ধান্ত নেওয়া হবে বলে সংশ্লিষ্ট সূত্র জানিয়েছে
নিজস্ব প্রতিবেদক সরকারের পক্ষ থেকে জানানো হয়েছে বিষয়টি নিয়ে আলোচনা চলছে এবং দ্রুত সিদ্ধান্ত নেওয়া হবে বলে সংশ্লিষ্ট সূত্র জানিয়েছে
নিজস্ব প্রতিবেদক সরকারের পক্ষ থেকে জানানো হয়েছে বিষয়টি নিয়ে আলোচনা চলছে এবং দ্রুত সিদ্ধান্ত নেওয়া হবে বলে সংশ্লিষ্ট সূত্র জানিয়েছে
নিজস্ব প্রতিবেদক সরকারের পক্ষ থেকে জানানো হয়েছে বিষয়টি নিয়ে আলোচনা চলছে এবং দ্রুত সিদ্ধান্ত নেওয়া হবে বলে সংশ্লিষ্ট সূত্র জানিয়েছে
নিজস্ব প্রতিবেদক সরকারের পক্ষ থেকে জানানো হয়েছে বিষয়টি নিয়ে আলোচনা চলছে এবং দ্রুত সিদ্ধান্ত নেওয়া হবে বলে সংশ্লিষ্ট সূত্র জানিয়েছে
নিজস্ব প্রতিবেদক সরকারের পক্ষ থেকে জানানো হয়েছে বিষয়টি নিয়ে আলোচনা চলছে এবং দ্রুত সিদ্ধান্ত নেওয়া হবে বলে সংশ্লিষ্ট সূত্র জানিয়েছে
নিজস্ব প্রতিবেদক সরকারের পক্ষ থেকে জানানো হয়েছে বিষয়টি নিয়ে আলোচনা চলছে এবং দ্রুত সিদ্ধান্ত নেওয়া হবে বলে সংশ্লিষ্ট সূত্র জানিয়েছে
নিজস্ব প্রতিবেদক সরকারের পক্ষ থেকে জানানো হয়েছে বিষয়টি নিয়ে আলোচনা চলছে এবং দ্রুত সিদ্ধান্ত নেওয়া হবে বলে সংশ্লিষ্ট সূত্র জানিয়েছে
নিজস্ব প্রতিবেদক সরকারের পক্ষ থেকে জানানো হয়েছে বিষয়টি নিয়ে আলোচনা চলছে এবং দ্রুত সিদ্ধান্ত নেওয়া হবে বলে সংশ্লিষ্ট সূত্র জানিয়েছে
নিজস্ব প্রতিবেদক সরকারের পক্ষ থেকে জানানো হয়েছে বিষয়টি নিয়ে আলোচনা চলছে এবং দ্রুত সিদ্ধান্ত নেওয়া হবে বলে সংশ্লিষ্ট সূত্র জানিয়েছে
নিজস্ব প্রতিবেদক সরকারের পক্ষ থেকে জানানো হয়েছে বিষয়টি নিয়ে আলোচনা চলছে এবং দ্রুত সিদ্ধান্ত নেওয়া হবে বলে সংশ্লিষ্ট সূত্র জানিয়েছে
নিজস্ব প্রতিবেদক সরকারের পক্ষ থেকে জানানো হয়েছে বিষয়টি নিয়ে আলোচনা চলছে এবং দ্রুত সিদ্ধান্ত নেওয়া হবে বলে সংশ্লিষ্ট সূত্র জানিয়েছে
নিজস্ব প্রতিবেদক সরকারের পক্ষ থেকে জানানো হয়েছে বিষয়টি নিয়ে আলোচনা চলছে এবং দ্রুত সিদ্ধান্ত নেওয়া হবে বলে সংশ্লিষ্ট সূত্র জানিয়েছে
নিজস্ব প্রতিবেদক সরকারের পক্ষ থেকে জানানো হয়েছে বিষয়টি নিয়ে আলোচনা চলছে এবং দ্রুত সিদ্ধান্ত নেওয়া হবে বলে সংশ্লিষ্ট সূত্র জানিয়েছে
নিজস্ব প্রতিবেদক সরকারের পক্ষ থেকে জানানো হয়েছে বিষয়টি নিয়ে আলোচনা চলছে এবং দ্রুত সিদ্ধান্ত নেওয়া হবে বলে সংশ্লিষ্ট সূত্র জানিয়েছে
নিজস্ব প্রতিবেদক সরকারের পক্ষ থেকে জানানো হয়েছে বিষয়টি নিয়ে আলোচনা চলছে এবং দ্রুত সিদ্ধান্ত নেওয়া হবে বলে সংশ্লিষ্ট সূত্র জানিয়েছে
নিজস্ব প্রতিবেদক সরকারের পক্ষ থেকে জানানো হয়েছে বিষয়টি নিয়ে আলোচনা চলছে এবং দ্রুত সিদ্ধান্ত নেওয়া হবে বলে সংশ্লিষ্ট সূত্র জানিয়েছে
নিজস্ব প্রতিবেদক সরকারের পক্ষ থেকে জানানো হয়েছে বিষয়টি নিয়ে আলোচনা চলছে এবং দ্রুত সিদ্ধান্ত নেওয়া হবে বলে সংশ্লিষ্ট সূত্র জানিয়েছে
নিজস্ব প্রতিবেদক সরকারের পক্ষ থেকে জানানো হয়েছে বিষয়টি নিয়ে আলোচনা চলছে এবং দ্রুত সিদ্ধান্ত নেওয়া হবে বলে সংশ্লিষ্ট সূত্র জানিয়েছে
নিজস্ব প্রতিবেদক সরকারের পক্ষ থেকে জানানো হয়েছে বিষয়টি নিয়ে আলোচনা চলছে এবং দ্রুত সিদ্ধান্ত নেওয়া হবে বলে সংশ্লিষ্ট সূত্র জানিয়েছে
নিজস্ব প্রতিবেদক সরকারের পক্ষ থেকে জানানো হয়েছে বিষয়টি নিয়ে আলোচনা চলছে এবং দ্রুত সিদ্ধান্ত নেওয়া হবে বলে সংশ্লিষ্ট সূত্র জানিয়েছে
নিজস্ব প্রতিবেদক সরকারের পক্ষ থেকে জানানো হয়েছে বিষয়টি নিয়ে আলোচনা চলছে এবং দ্রুত সিদ্ধান্ত নেওয়া হবে বলে সংশ্লিষ্ট সূত্র জানিয়েছে
নিজস্ব প্রতিবেদক সরকারের পক্ষ থেকে জানানো হয়েছে বিষয়টি নিয়ে আলোচনা চলছে এবং দ্রুত সিদ্ধান্ত নেওয়া হবে বলে সংশ্লিষ্ট সূত্র জানিয়েছে
নিজস্ব প্রতিবেদক সরকারের পক্ষ থেকে জানানো হয়েছে বিষয়টি নিয়ে আলোচনা চলছে এবং দ্রুত সিদ্ধান্ত নেওয়া হবে বলে সংশ্লিষ্ট সূত্র জানিয়েছে
নিজস্ব প্রতিবেদক সরকারের পক্ষ থেকে জানানো হয়েছে বিষয়টি নিয়ে আলোচনা চলছে এবং দ্রুত সিদ্ধান্ত নেওয়া হবে বলে সংশ্লিষ্ট সূত্র জানিয়েছে
নিজস্ব প্রতিবেদক সরকারের পক্ষ থেকে জানানো হয়েছে বিষয়টি নিয়ে আলোচনা চলছে এবং দ্রুত সিদ্ধান্ত নেওয়া হবে বলে সংশ্লিষ্ট সূত্র জানিয়েছে
নিজস্ব প্রতিবেদক সরকারের পক্ষ থেকে জানানো হয়েছে বিষয়টি নিয়ে আলোচনা চলছে এবং দ্রুত সিদ্ধান্ত নেওয়া হবে বলে সংশ্লিষ্ট সূত্র জানিয়েছে
নিজস্ব প্রতিবেদক সরকারের পক্ষ থেকে জানানো হয়েছে বিষয়টি নিয়ে আলোচনা চলছে এবং দ্রুত সিদ্ধান্ত নেওয়া হবে বলে সংশ্লিষ্ট সূত্র জানিয়েছে
নিজস্ব প্রতিবেদক সরকারের পক্ষ থেকে জানানো হয়েছে বিষয়টি নিয়ে আলোচনা চলছে এবং দ্রুত সিদ্ধান্ত নেওয়া হবে বলে সংশ্লিষ্ট সূত্র জানিয়েছে
নিজস্ব প্রতিবেদক সরকারের পক্ষ থেকে জানানো হয়েছে বিষয়টি নিয়ে আলোচনা চলছে এবং দ্রুত সিদ্ধান্ত নেওয়া হবে বলে সংশ্লিষ্ট সূত্র জানিয়েছে
নিজস্ব প্রতিবেদক সরকারের পক্ষ থেকে জানানো হয়েছে বিষয়টি নিয়ে আলোচনা চলছে এবং দ্রুত সিদ্ধান্ত নেওয়া হবে বলে সংশ্লিষ্ট সূত্র জানিয়েছে
নিজস্ব প্রতিবেদক সরকারের পক্ষ থেকে জানানো হয়েছে বিষয়টি নিয়ে আলোচনা চলছে এবং দ্রুত সিদ্ধান্ত নেওয়া হবে বলে সংশ্লিষ্ট সূত্র জানিয়েছে
নিজস্ব প্রতিবেদক সরকারের পক্ষ থেকে জানানো হয়েছে বিষয়টি নিয়ে আলোচনা চলছে এবং দ্রুত সিদ্ধান্ত নেওয়া হবে বলে সংশ্লিষ্ট সূত্র জানিয়েছে
নিজস্ব প্রতিবেদক সরকারের পক্ষ থেকে জানানো হয়েছে বিষয়টি নিয়ে আলোচনা চলছে এবং দ্রুত সিদ্ধান্ত নেওয়া হবে বলে সংশ্লিষ্ট সূত্র জানিয়েছে
নিজস্ব প্রতিবেদক সরকারের পক্ষ থেকে জানানো হয়েছে বিষয়টি নিয়ে আলোচনা চলছে এবং দ্রুত সিদ্ধান্ত নেওয়া হবে বলে সংশ্লিষ্ট সূত্র জানিয়েছে
নিজস্ব প্রতিবেদক সরকারের পক্ষ থেকে জানানো হয়েছে বিষয়টি নিয়ে আলোচনা চলছে এবং দ্রুত সিদ্ধান্ত নেওয়া হবে বলে সংশ্লিষ্ট সূত্র জানিয়েছে
নিজস্ব প্রতিবেদক সরকারের পক্ষ থেকে জানানো হয়েছে বিষয়টি নিয়ে আলোচনা চলছে এবং দ্রুত সিদ্ধান্ত নেওয়া হবে বলে সংশ্লিষ্ট সূত্র জানিয়েছে
নিজস্ব প্রতিবেদক সরকারের পক্ষ থেকে জানানো হয়েছে বিষয়টি নিয়ে আলোচনা চলছে এবং দ্রুত সিদ্ধান্ত নেওয়া হবে বলে সংশ্লিষ্ট সূত্র জানিয়েছে
নিজস্ব প্রতিবেদক সরকারের পক্ষ থেকে জানানো হয়েছে বিষয়টি নিয়ে আলোচনা চলছে এবং দ্রুত সিদ্ধান্ত নেওয়া হবে বলে সংশ্লিষ্ট সূত্র জানিয়েছে
নিজস্ব প্রতিবেদক সরকারের পক্ষ থেকে জানানো হয়েছে বিষয়টি নিয়ে আলোচনা চলছে এবং দ্রুত সিদ্ধান্ত নেওয়া হবে বলে সংশ্লিষ্ট সূত্র জানিয়েছে
নিজস্ব প্রতিবেদক সরকারের পক্ষ থেকে জানানো হয়েছে বিষয়টি নিয়ে আলোচনা চলছে এবং দ্রুত সিদ্ধান্ত নেওয়া হবে বলে সংশ্লিষ্ট সূত্র জানিয়েছে
নিজস্ব প্রতিবেদক সরকারের পক্ষ থেকে জানানো হয়েছে বিষয়টি নিয়ে আলোচনা চলছে এবং দ্রুত সিদ্ধান্ত নেওয়া হবে বলে সংশ্লিষ্ট সূত্র জানিয়েছে
নিজস্ব প্রতিবেদক সরকারের পক্ষ থেকে জানানো হয়েছে বিষয়টি নিয়ে আলোচনা চলছে এবং দ্রুত সিদ্ধান্ত নেওয়া হবে বলে সংশ্লিষ্ট সূত্র জানিয়েছে
নিজস্ব প্রতিবেদক সরকারের পক্ষ থেকে জানানো হয়েছে বিষয়টি নিয়ে আলোচনা চলছে এবং দ্রুত সিদ্ধান্ত নেওয়া হবে বলে সংশ্লিষ্ট সূত্র জানিয়েছে
নিজস্ব প্রতিবেদক সরকারের পক্ষ থেকে জানানো হয়েছে বিষয়টি নিয়ে আলোচনা চলছে এবং দ্রুত সিদ্ধান্ত নেওয়া হবে বলে সংশ্লিষ্ট সূত্র জানিয়েছে
নিজস্ব প্রতিবেদক সরকারের পক্ষ থেকে জানানো হয়েছে বিষয়টি নিয়ে আলোচনা চলছে এবং দ্রুত সিদ্ধান্ত নেওয়া হবে বলে সংশ্লিষ্ট সূত্র জানিয়েছে
নিজস্ব প্রতিবেদক সরকারের পক্ষ থেকে জানানো হয়েছে বিষয়টি নিয়ে আলোচনা চলছে এবং দ্রুত সিদ্ধান্ত নেওয়া হবে বলে সংশ্লিষ্ট সূত্র জানিয়েছে
নিজস্ব প্রতিবেদক সরকারের পক্ষ থেকে জানানো হয়েছে বিষয়টি নিয়ে আলোচনা চলছে এবং দ্রুত সিদ্ধান্ত নেওয়া হবে বলে সংশ্লিষ্ট সূত্র জানিয়েছে
নিজস্ব প্রতিবেদক সরকারের পক্ষ থেকে জানানো হয়েছে বিষয়টি নিয়ে আলোচনা চলছে এবং দ্রুত সিদ্ধান্ত নেওয়া হবে বলে সংশ্লিষ্ট সূত্র জানিয়েছে
নিজস্ব প্রতিবেদক সরকারের পক্ষ থেকে জানানো হয়েছে বিষয়টি নিয়ে আলোচনা চলছে এবং দ্রুত সিদ্ধান্ত নেওয়া হবে বলে সংশ্লিষ্ট সূত্র জানিয়েছে
নিজস্ব প্রতিবেদক সরকারের পক্ষ থেকে জানানো হয়েছে বিষয়টি নিয়ে আলোচনা চলছে এবং দ্রুত সিদ্ধান্ত নেওয়া হবে বলে সংশ্লিষ্ট সূত্র জানিয়েছে
নিজস্ব প্রতিবেদক সরকারের পক্ষ থেকে জানানো হয়েছে বিষয়টি নিয়ে আলোচনা চলছে এবং দ্রুত সিদ্ধান্ত নেওয়া হবে বলে সংশ্লিষ্ট সূত্র জানিয়েছে
নিজস্ব প্রতিবেদক সরকারের পক্ষ থেকে জানানো হয়েছে বিষয়টি নিয়ে আলোচনা চলছে এবং দ্রুত সিদ্ধান্ত নেওয়া হবে বলে সংশ্লিষ্ট সূত্র জানিয়েছে
নিজস্ব প্রতিবেদক সরকারের পক্ষ থেকে জানানো হয়েছে বিষয়টি নিয়ে আলোচনা চলছে এবং দ্রুত সিদ্ধান্ত নেওয়া হবে বলে সংশ্লিষ্ট সূত্র জানিয়েছে
নিজস্ব প্রতিবেদক সরকারের পক্ষ থেকে জানানো হয়েছে বিষয়টি নিয়ে আলোচনা চলছে এবং দ্রুত সিদ্ধান্ত নেওয়া হবে বলে সংশ্লিষ্ট সূত্র জানিয়েছে
নিজস্ব প্রতিবেদক সরকারের পক্ষ থেকে জানানো হয়েছে বিষয়টি নিয়ে আলোচনা চলছে এবং দ্রুত সিদ্ধান্ত নেওয়া হবে বলে সংশ্লিষ্ট সূত্র জানিয়েছে
নিজস্ব প্রতিবেদক সরকারের পক্ষ থেকে জানানো হয়েছে বিষয়টি নিয়ে আলোচনা চলছে এবং দ্রুত সিদ্ধান্ত নেওয়া হবে বলে সংশ্লিষ্ট সূত্র জানিয়েছে
নিজস্ব প্রতিবেদক সরকারের পক্ষ থেকে জানানো হয়েছে বিষয়টি নিয়ে আলোচনা চলছে এবং দ্রুত সিদ্ধান্ত নেওয়া হবে বলে সংশ্লিষ্ট সূত্র জানিয়েছে
নিজস্ব প্রতিবেদক সরকারের পক্ষ থেকে জানানো হয়েছে বিষয়টি নিয়ে আলোচনা চলছে এবং দ্রুত সিদ্ধান্ত নেওয়া হবে বলে সংশ্লিষ্ট সূত্র জানিয়েছে
নিজস্ব প্রতিবেদক সরকারের পক্ষ থেকে জানানো হয়েছে বিষয়টি নিয়ে আলোচনা চলছে এবং দ্রুত সিদ্ধান্ত নেওয়া হবে বলে সংশ্লিষ্ট সূত্র জানিয়েছে
নিজস্ব প্রতিবেদক সরকারের পক্ষ থেকে জানানো হয়েছে বিষয়টি নিয়ে আলোচনা চলছে এবং দ্রুত সিদ্ধান্ত নেওয়া হবে বলে সংশ্লিষ্ট সূত্র জানিয়েছে
নিজস্ব প্রতিবেদক সরকারের পক্ষ থেকে জানানো হয়েছে বিষয়টি নিয়ে আলোচনা চলছে এবং দ্রুত সিদ্ধান্ত নেওয়া হবে বলে সংশ্লিষ্ট সূত্র জানিয়েছে
নিজস্ব প্রতিবেদক সরকারের পক্ষ থেকে জানানো হয়েছে বিষয়টি নিয়ে আলোচনা চলছে এবং দ্রুত সিদ্ধান্ত নেওয়া হবে বলে সংশ্লিষ্ট সূত্র জানিয়েছে
নিজস্ব প্রতিবেদক সরকারের পক্ষ থেকে জানানো হয়েছে বিষয়টি নিয়ে আলোচনা চলছে এবং দ্রুত সিদ্ধান্ত নেওয়া হবে বলে সংশ্লিষ্ট সূত্র জানিয়েছে
নিজস্ব প্রতিবেদক সরকারের পক্ষ থেকে জানানো হয়েছে বিষয়টি নিয়ে আলোচনা চলছে এবং দ্রুত সিদ্ধান্ত নেওয়া হবে বলে সংশ্লিষ্ট সূত্র জানিয়েছে
নিজস্ব প্রতিবেদক সরকারের পক্ষ থেকে জানানো হয়েছে বিষয়টি নিয়ে আলোচনা চলছে এবং দ্রুত সিদ্ধান্ত নেওয়া হবে বলে সংশ্লিষ্ট সূত্র জানিয়েছে
নিজস্ব প্রতিবেদক সরকারের পক্ষ থেকে জানানো হয়েছে বিষয়টি নিয়ে আলোচনা চলছে এবং দ্রুত সিদ্ধান্ত নেওয়া হবে বলে সংশ্লিষ্ট সূত্র জানিয়েছে
নিজস্ব প্রতিবেদক সরকারের পক্ষ থেকে জানানো হয়েছে বিষয়টি নিয়ে আলোচনা চলছে এবং দ্রুত সিদ্ধান্ত নেওয়া হবে বলে সংশ্লিষ্ট সূত্র জানিয়েছে
নিজস্ব প্রতিবেদক সরকারের পক্ষ থেকে জানানো হয়েছে বিষয়টি নিয়ে আলোচনা চলছে এবং দ্রুত সিদ্ধান্ত নেওয়া হবে বলে সংশ্লিষ্ট সূত্র জানিয়েছে
নিজস্ব প্রতিবেদক সরকারের পক্ষ থেকে জানানো হয়েছে বিষয়টি নিয়ে আলোচনা চলছে এবং দ্রুত সিদ্ধান্ত নেওয়া হবে বলে সংশ্লিষ্ট সূত্র জানিয়েছে
নিজস্ব প্রতিবেদক সরকারের পক্ষ থেকে জানানো হয়েছে বিষয়টি নিয়ে আলোচনা চলছে এবং দ্রুত সিদ্ধান্ত নেওয়া হবে বলে সংশ্লিষ্ট সূত্র জানিয়েছে
নিজস্ব প্রতিবেদক সরকারের পক্ষ থেকে জানানো হয়েছে বিষয়টি নিয়ে আলোচনা চলছে এবং দ্রুত সিদ্ধান্ত নেওয়া হবে বলে সংশ্লিষ্ট সূত্র জানিয়েছে
নিজস্ব প্রতিবেদক সরকারের পক্ষ থেকে জানানো হয়েছে বিষয়টি নিয়ে আলোচনা চলছে এবং দ্রুত সিদ্ধান্ত নেওয়া হবে বলে সংশ্লিষ্ট সূত্র জানিয়েছে
নিজস্ব প্রতিবেদক সরকারের পক্ষ থেকে জানানো হয়েছে বিষয়টি নিয়ে আলোচনা চলছে এবং দ্রুত সিদ্ধান্ত নেওয়া হবে বলে সংশ্লিষ্ট সূত্র জানিয়েছে
নিজস্ব প্রতিবেদক সরকারের পক্ষ থেকে জানানো হয়েছে বিষয়টি নিয়ে আলোচনা চলছে এবং দ্রুত সিদ্ধান্ত নেওয়া হবে বলে সংশ্লিষ্ট সূত্র জানিয়েছে
নিজস্ব প্রতিবেদক সরকারের পক্ষ থেকে জানানো হয়েছে বিষয়টি নিয়ে আলোচনা চলছে এবং দ্রুত সিদ্ধান্ত নেওয়া হবে বলে সংশ্লিষ্ট সূত্র জানিয়েছে
নিজস্ব প্রতিবেদক সরকারের পক্ষ থেকে জানানো হয়েছে বিষয়টি নিয়ে আলোচনা চলছে এবং দ্রুত সিদ্ধান্ত নেওয়া হবে বলে সংশ্লিষ্ট সূত্র জানিয়েছে
ইলিশ এখন বিলাস
নিজস্ব প্রতিবেদক সরকারের পক্ষ থেকে জানানো হয়েছে বিষয়টি নিয়ে আলোচনা চলছে এবং দ্রুত সিদ্ধান্ত নেওয়া হবে বলে সংশ্লিষ্ট সূত্র জানিয়েছে
নিজস্ব প্রতিবেদক সরকারের পক্ষ থেকে জানানো হয়েছে বিষয়টি নিয়ে আলোচনা চলছে এবং দ্রুত সিদ্ধান্ত নেওয়া হবে বলে সংশ্লিষ্ট সূত্র জানিয়েছে
নিজস্ব প্রতিবেদক সরকারের পক্ষ থেকে জানানো হয়েছে বিষয়টি নিয়ে আলোচনা চলছে এবং দ্রুত সিদ্ধান্ত নেওয়া হবে বলে সংশ্লিষ্ট সূত্র জানিয়েছে
নিজস্ব প্রতিবেদক সরকারের পক্ষ থেকে জানানো হয়েছে বিষয়টি নিয়ে আলোচনা চলছে এবং দ্রুত সিদ্ধান্ত নেওয়া হবে বলে সংশ্লিষ্ট সূত্র জানিয়েছে
নিজস্ব প্রতিবেদক সরকারের পক্ষ থেকে জানানো হয়েছে বিষয়টি নিয়ে আলোচনা চলছে এবং দ্রুত সিদ্ধান্ত নেওয়া হবে বলে সংশ্লিষ্ট সূত্র জানিয়েছে
নিজস্ব প্রতিবেদক সরকারের পক্ষ থেকে জানানো হয়েছে বিষয়টি নিয়ে আলোচনা চলছে এবং দ্রুত সিদ্ধান্ত নেওয়া হবে বলে সংশ্লিষ্ট সূত্র জানিয়েছে
নিজস্ব প্রতিবেদক সরকারের পক্ষ থেকে জানানো হয়েছে বিষয়টি নিয়ে আলোচনা চলছে এবং দ্রুত সিদ্ধান্ত নেওয়া হবে বলে সংশ্লিষ্ট সূত্র জানিয়েছে
নিজস্ব প্রতিবেদক সরকারের পক্ষ থেকে জানানো হয়েছে বিষয়টি নিয়ে আলোচনা চলছে এবং দ্রুত সিদ্ধান্ত নেওয়া হবে বলে সংশ্লিষ্ট সূত্র জানিয়েছে
নিজস্ব প্রতিবেদক সরকারের পক্ষ থেকে জানানো হয়েছে বিষয়টি নিয়ে আলোচনা চলছে এবং দ্রুত সিদ্ধান্ত নেওয়া হবে বলে সংশ্লিষ্ট সূত্র জানিয়েছে
নিজস্ব প্রতিবেদক সরকারের পক্ষ থেকে জানানো হয়েছে বিষয়টি নিয়ে আলোচনা চলছে এবং দ্রুত সিদ্ধান্ত নেওয়া হবে বলে সংশ্লিষ্ট সূত্র জানিয়েছে
নিজস্ব প্রতিবেদক সরকারের পক্ষ থেকে জানানো হয়েছে বিষয়টি নিয়ে আলোচনা চলছে এবং দ্রুত সিদ্ধান্ত নেওয়া হবে বলে সংশ্লিষ্ট সূত্র জানিয়েছে
নিজস্ব প্রতিবেদক সরকারের পক্ষ থেকে জানানো হয়েছে বিষয়টি নিয়ে আলোচনা চলছে এবং দ্রুত সিদ্ধান্ত নেওয়া হবে বলে সংশ্লিষ্ট সূত্র জানিয়েছে
নিজস্ব প্রতিবেদক সরকারের পক্ষ থেকে জানানো হয়েছে বিষয়টি নিয়ে আলোচনা চলছে এবং দ্রুত সিদ্ধান্ত নেওয়া হবে বলে সংশ্লিষ্ট সূত্র জানিয়েছে
নিজস্ব প্রতিবেদক সরকারের পক্ষ থেকে জানানো হয়েছে বিষয়টি নিয়ে আলোচনা চলছে এবং দ্রুত সিদ্ধান্ত নেওয়া হবে বলে সংশ্লিষ্ট সূত্র জানিয়েছে
নিজস্ব প্রতিবেদক সরকারের পক্ষ থেকে জানানো হয়েছে বিষয়টি নিয়ে আলোচনা চলছে এবং দ্রুত সিদ্ধান্ত নেওয়া হবে বলে সংশ্লিষ্ট সূত্র জানিয়েছে
নিজস্ব প্রতিবেদক সরকারের পক্ষ থেকে জানানো হয়েছে বিষয়টি নিয়ে আলোচনা চলছে এবং দ্রুত সিদ্ধান্ত নেওয়া হবে বলে সংশ্লিষ্ট সূত্র জানিয়েছে
নিজস্ব প্রতিবেদক সরকারের পক্ষ থেকে জানানো হয়েছে বিষয়টি নিয়ে আলোচনা চলছে এবং দ্রুত সিদ্ধান্ত নেওয়া হবে বলে সংশ্লিষ্ট সূত্র জানিয়েছে
নিজস্ব প্রতিবেদক সরকারের পক্ষ থেকে জানানো হয়েছে বিষয়টি নিয়ে আলোচনা চলছে এবং দ্রুত সিদ্ধান্ত নেওয়া হবে বলে সংশ্লিষ্ট সূত্র জানিয়েছে
নিজস্ব প্রতিবেদক সরকারের পক্ষ থেকে জানানো হয়েছে বিষয়টি নিয়ে আলোচনা চলছে এবং দ্রুত সিদ্ধান্ত নেওয়া হবে বলে সংশ্লিষ্ট সূত্র জানিয়েছে
নিজস্ব প্রতিবেদক সরকারের পক্ষ থেকে জানানো হয়েছে বিষয়টি নিয়ে আলোচনা চলছে এবং দ্রুত সিদ্ধান্ত নেওয়া হবে বলে সংশ্লিষ্ট সূত্র জানিয়েছে
নিজস্ব প্রতিবেদক সরকারের পক্ষ থেকে জানানো হয়েছে বিষয়টি নিয়ে আলোচনা চলছে এবং দ্রুত সিদ্ধান্ত নেওয়া হবে বলে সংশ্লিষ্ট সূত্র জানিয়েছে
নিজস্ব প্রতিবেদক সরকারের পক্ষ থেকে জানানো হয়েছে বিষয়টি নিয়ে আলোচনা চলছে এবং দ্রুত সিদ্ধান্ত নেওয়া হবে বলে সংশ্লিষ্ট সূত্র জানিয়েছে
নিজস্ব প্রতিবেদক সরকারের পক্ষ থেকে জানানো হয়েছে বিষয়টি নিয়ে আলোচনা চলছে এবং দ্রুত সিদ্ধান্ত নেওয়া হবে বলে সংশ্লিষ্ট সূত্র জানিয়েছে
নিজস্ব প্রতিবেদক সরকারের পক্ষ থেকে জানানো হয়েছে বিষয়টি নিয়ে আলোচনা চলছে এবং দ্রুত সিদ্ধান্ত নেওয়া হবে বলে সংশ্লিষ্ট সূত্র জানিয়েছে
নিজস্ব প্রতিবেদক সরকারের পক্ষ থেকে জানানো হয়েছে বিষয়টি নিয়ে আলোচনা চলছে এবং দ্রুত সিদ্ধান্ত নেওয়া হবে বলে সংশ্লিষ্ট সূত্র জানিয়েছে
নিজস্ব প্রতিবেদক সরকারের পক্ষ থেকে জানানো হয়েছে বিষয়টি নিয়ে আলোচনা চলছে এবং দ্রুত সিদ্ধান্ত নেওয়া হবে বলে সংশ্লিষ্ট সূত্র জানিয়েছে
নিজস্ব প্রতিবেদক সরকারের পক্ষ থেকে জানানো হয়েছে বিষয়টি নিয়ে আলোচনা চলছে এবং দ্রুত সিদ্ধান্ত নেওয়া হবে বলে সংশ্লিষ্ট সূত্র জানিয়েছে
নিজস্ব প্রতিবেদক সরকারের পক্ষ থেকে জানানো হয়েছে বিষয়টি নিয়ে আলোচনা চলছে এবং দ্রুত সিদ্ধান্ত নেওয়া হবে বলে সংশ্লিষ্ট সূত্র জানিয়েছে
নিজস্ব প্রতিবেদক সরকারের পক্ষ থেকে জানানো হয়েছে বিষয়টি নিয়ে আলোচনা চলছে এবং দ্রুত সিদ্ধান্ত নেওয়া হবে বলে সংশ্লিষ্ট সূত্র জানিয়েছে
নিজস্ব প্রতিবেদক সরকারের পক্ষ থেকে জানানো হয়েছে বিষয়টি নিয়ে আলোচনা চলছে এবং দ্রুত সিদ্ধান্ত নেওয়া হবে বলে সংশ্লিষ্ট সূত্র জানিয়েছে
নিজস্ব প্রতিবেদক সরকারের পক্ষ থেকে জানানো হয়েছে বিষয়টি নিয়ে আলোচনা চলছে এবং দ্রুত সিদ্ধান্ত নেওয়া হবে বলে সংশ্লিষ্ট সূত্র জানিয়েছে
নিজস্ব প্রতিবেদক সরকারের পক্ষ থেকে জানানো হয়েছে বিষয়টি নিয়ে আলোচনা চলছে এবং দ্রুত সিদ্ধান্ত নেওয়া হবে বলে সংশ্লিষ্ট সূত্র জানিয়েছে
নিজস্ব প্রতিবেদক সরকারের পক্ষ থেকে জানানো হয়েছে বিষয়টি নিয়ে আলোচনা চলছে এবং দ্রুত সিদ্ধান্ত নেওয়া হবে বলে সংশ্লিষ্ট সূত্র জানিয়েছে
নিজস্ব প্রতিবেদক সরকারের পক্ষ থেকে জানানো হয়েছে বিষয়টি নিয়ে আলোচনা চলছে এবং দ্রুত সিদ্ধান্ত নেওয়া হবে বলে সংশ্লিষ্ট সূত্র জানিয়েছে
নিজস্ব প্রতিবেদক সরকারের পক্ষ থেকে জানানো হয়েছে বিষয়টি নিয়ে আলোচনা চলছে এবং দ্রুত সিদ্ধান্ত নেওয়া হবে বলে সংশ্লিষ্ট সূত্র জানিয়েছে
নিজস্ব প্রতিবেদক সরকারের পক্ষ থেকে জানানো হয়েছে বিষয়টি নিয়ে আলোচনা চলছে এবং দ্রুত সিদ্ধান্ত নেওয়া হবে বলে সংশ্লিষ্ট সূত্র জানিয়েছে
নিজস্ব প্রতিবেদক সরকারের পক্ষ থেকে জানানো হয়েছে বিষয়টি নিয়ে আলোচনা চলছে এবং দ্রুত সিদ্ধান্ত নেওয়া হবে বলে সংশ্লিষ্ট সূত্র জানিয়েছে
নিজস্ব প্রতিবেদক সরকারের পক্ষ থেকে জানানো হয়েছে বিষয়টি নিয়ে আলোচনা চলছে এবং দ্রুত সিদ্ধান্ত নেওয়া হবে বলে সংশ্লিষ্ট সূত্র জানিয়েছে
নিজস্ব প্রতিবেদক সরকারের পক্ষ থেকে জানানো হয়েছে বিষয়টি নিয়ে আলোচনা চলছে এবং দ্রুত সিদ্ধান্ত নেওয়া হবে বলে সংশ্লিষ্ট সূত্র জানিয়েছে
নিজস্ব প্রতিবেদক সরকারের পক্ষ থেকে জানানো হয়েছে বিষয়টি নিয়ে আলোচনা চলছে এবং দ্রুত সিদ্ধান্ত নেওয়া হবে বলে সংশ্লিষ্ট সূত্র জানিয়েছে
নিজস্ব প্রতিবেদক সরকারের পক্ষ থেকে জানানো হয়েছে বিষয়টি নিয়ে আলোচনা চলছে এবং দ্রুত সিদ্ধান্ত নেওয়া হবে বলে সংশ্লিষ্ট সূত্র জানিয়েছে
নিজস্ব প্রতিবেদক সরকারের পক্ষ থেকে জানানো হয়েছে বিষয়টি নিয়ে আলোচনা চলছে এবং দ্রুত সিদ্ধান্ত নেওয়া হবে বলে সংশ্লিষ্ট সূত্র জানিয়েছে
নিজস্ব প্রতিবেদক সরকারের পক্ষ থেকে জানানো হয়েছে বিষয়টি নিয়ে আলোচনা চলছে এবং দ্রুত সিদ্ধান্ত নেওয়া হবে বলে সংশ্লিষ্ট সূত্র জানিয়েছে
নিজস্ব প্রতিবেদক সরকারের পক্ষ থেকে জানানো হয়েছে বিষয়টি নিয়ে আলোচনা চলছে এবং দ্রুত সিদ্ধান্ত নেওয়া হবে বলে সংশ্লিষ্ট সূত্র জানিয়েছে
নিজস্ব প্রতিবেদক সরকারের পক্ষ থেকে জানানো হয়েছে বিষয়টি নিয়ে আলোচনা চলছে এবং দ্রুত সিদ্ধান্ত নেওয়া হবে বলে সংশ্লিষ্ট সূত্র জানিয়েছে
নিজস্ব প্রতিবেদক সরকারের পক্ষ থেকে জানানো হয়েছে বিষয়টি নিয়ে আলোচনা চলছে এবং দ্রুত সিদ্ধান্ত নেওয়া হবে বলে সংশ্লিষ্ট সূত্র জানিয়েছে
নিজস্ব প্রতিবেদক সরকারের পক্ষ থেকে জানানো হয়েছে বিষয়টি নিয়ে আলোচনা চলছে এবং দ্রুত সিদ্ধান্ত নেওয়া হবে বলে সংশ্লিষ্ট সূত্র জানিয়েছে
নিজস্ব প্রতিবেদক সরকারের পক্ষ থেকে জানানো হয়েছে বিষয়টি নিয়ে আলোচনা চলছে এবং দ্রুত সিদ্ধান্ত নেওয়া হবে বলে সংশ্লিষ্ট সূত্র জানিয়েছে
নিজস্ব প্রতিবেদক সরকারের পক্ষ থেকে জানানো হয়েছে বিষয়টি নিয়ে আলোচনা চলছে এবং দ্রুত সিদ্ধান্ত নেওয়া হবে বলে সংশ্লিষ্ট সূত্র জানিয়েছে
নিজস্ব প্রতিবেদক সরকারের পক্ষ থেকে জানানো হয়েছে বিষয়টি নিয়ে আলোচনা চলছে এবং দ্রুত সিদ্ধান্ত নেওয়া হবে বলে সংশ্লিষ্ট সূত্র জানিয়েছে
নিজস্ব প্রতিবেদক সরকারের পক্ষ থেকে জানানো হয়েছে বিষয়টি নিয়ে আলোচনা চলছে এবং দ্রুত সিদ্ধান্ত নেওয়া হবে বলে সংশ্লিষ্ট সূত্র জানিয়েছে
নিজস্ব প্রতিবেদক সরকারের পক্ষ থেকে জানানো হয়েছে বিষয়টি নিয়ে আলোচনা চলছে এবং দ্রুত সিদ্ধান্ত নেওয়া হবে বলে সংশ্লিষ্ট সূত্র জানিয়েছে
নিজস্ব প্রতিবেদক সরকারের পক্ষ থেকে জানানো হয়েছে বিষয়টি নিয়ে আলোচনা চলছে এবং দ্রুত সিদ্ধান্ত নেওয়া হবে বলে সংশ্লিষ্ট সূত্র জানিয়েছে
নিজস্ব প্রতিবেদক সরকারের পক্ষ থেকে জানানো হয়েছে বিষয়টি নিয়ে আলোচনা চলছে এবং দ্রুত সিদ্ধান্ত নেওয়া হবে বলে সংশ্লিষ্ট সূত্র জানিয়েছে
নিজস্ব প্রতিবেদক সরকারের পক্ষ থেকে জানানো হয়েছে বিষয়টি নিয়ে আলোচনা চলছে এবং দ্রুত সিদ্ধান্ত নেওয়া হবে বলে সংশ্লিষ্ট সূত্র জানিয়েছে
নিজস্ব প্রতিবেদক সরকারের পক্ষ থেকে জানানো হয়েছে বিষয়টি নিয়ে আলোচনা চলছে এবং দ্রুত সিদ্ধান্ত নেওয়া হবে বলে সংশ্লিষ্ট সূত্র জানিয়েছে
নিজস্ব প্রতিবেদক সরকারের পক্ষ থেকে জানানো হয়েছে বিষয়টি নিয়ে আলোচনা চলছে এবং দ্রুত সিদ্ধান্ত নেওয়া হবে বলে সংশ্লিষ্ট সূত্র জানিয়েছে
নিজস্ব প্রতিবেদক সরকারের পক্ষ থেকে জানানো হয়েছে বিষয়টি নিয়ে আলোচনা চলছে এবং দ্রুত সিদ্ধান্ত নেওয়া হবে বলে সংশ্লিষ্ট সূত্র জানিয়েছে
নিজস্ব প্রতিবেদক সরকারের পক্ষ থেকে জানানো হয়েছে বিষয়টি নিয়ে আলোচনা চলছে এবং দ্রুত সিদ্ধান্ত নেওয়া হবে বলে সংশ্লিষ্ট সূত্র জানিয়েছে
নিজস্ব প্রতিবেদক সরকারের পক্ষ থেকে জানানো হয়েছে বিষয়টি নিয়ে আলোচনা চলছে এবং দ্রুত সিদ্ধান্ত নেওয়া হবে বলে সংশ্লিষ্ট সূত্র জানিয়েছে
নিজস্ব প্রতিবেদক সরকারের পক্ষ থেকে জানানো হয়েছে বিষয়টি নিয়ে আলোচনা চলছে এবং দ্রুত সিদ্ধান্ত নেওয়া হবে বলে সংশ্লিষ্ট সূত্র জানিয়েছে
নিজস্ব প্রতিবেদক সরকারের পক্ষ থেকে জানানো হয়েছে বিষয়টি নিয়ে আলোচনা চলছে এবং দ্রুত সিদ্ধান্ত নেওয়া হবে বলে সংশ্লিষ্ট সূত্র জানিয়েছে
নিজস্ব প্রতিবেদক সরকারের পক্ষ থেকে জানানো হয়েছে বিষয়টি নিয়ে আলোচনা চলছে এবং দ্রুত সিদ্ধান্ত নেওয়া হবে বলে সংশ্লিষ্ট সূত্র জানিয়েছে
নিজস্ব প্রতিবেদক সরকারের পক্ষ থেকে জানানো হয়েছে বিষয়টি নিয়ে আলোচনা চলছে এবং দ্রুত সিদ্ধান্ত নেওয়া হবে বলে সংশ্লিষ্ট সূত্র জানিয়েছে
নিজস্ব প্রতিবেদক সরকারের পক্ষ থেকে জানানো হয়েছে বিষয়টি নিয়ে আলোচনা চলছে এবং দ্রুত সিদ্ধান্ত নেওয়া হবে বলে সংশ্লিষ্ট সূত্র জানিয়েছে
নিজস্ব প্রতিবেদক সরকারের পক্ষ থেকে জানানো হয়েছে বিষয়টি নিয়ে আলোচনা চলছে এবং দ্রুত সিদ্ধান্ত নেওয়া হবে বলে সংশ্লিষ্ট সূত্র জানিয়েছে
